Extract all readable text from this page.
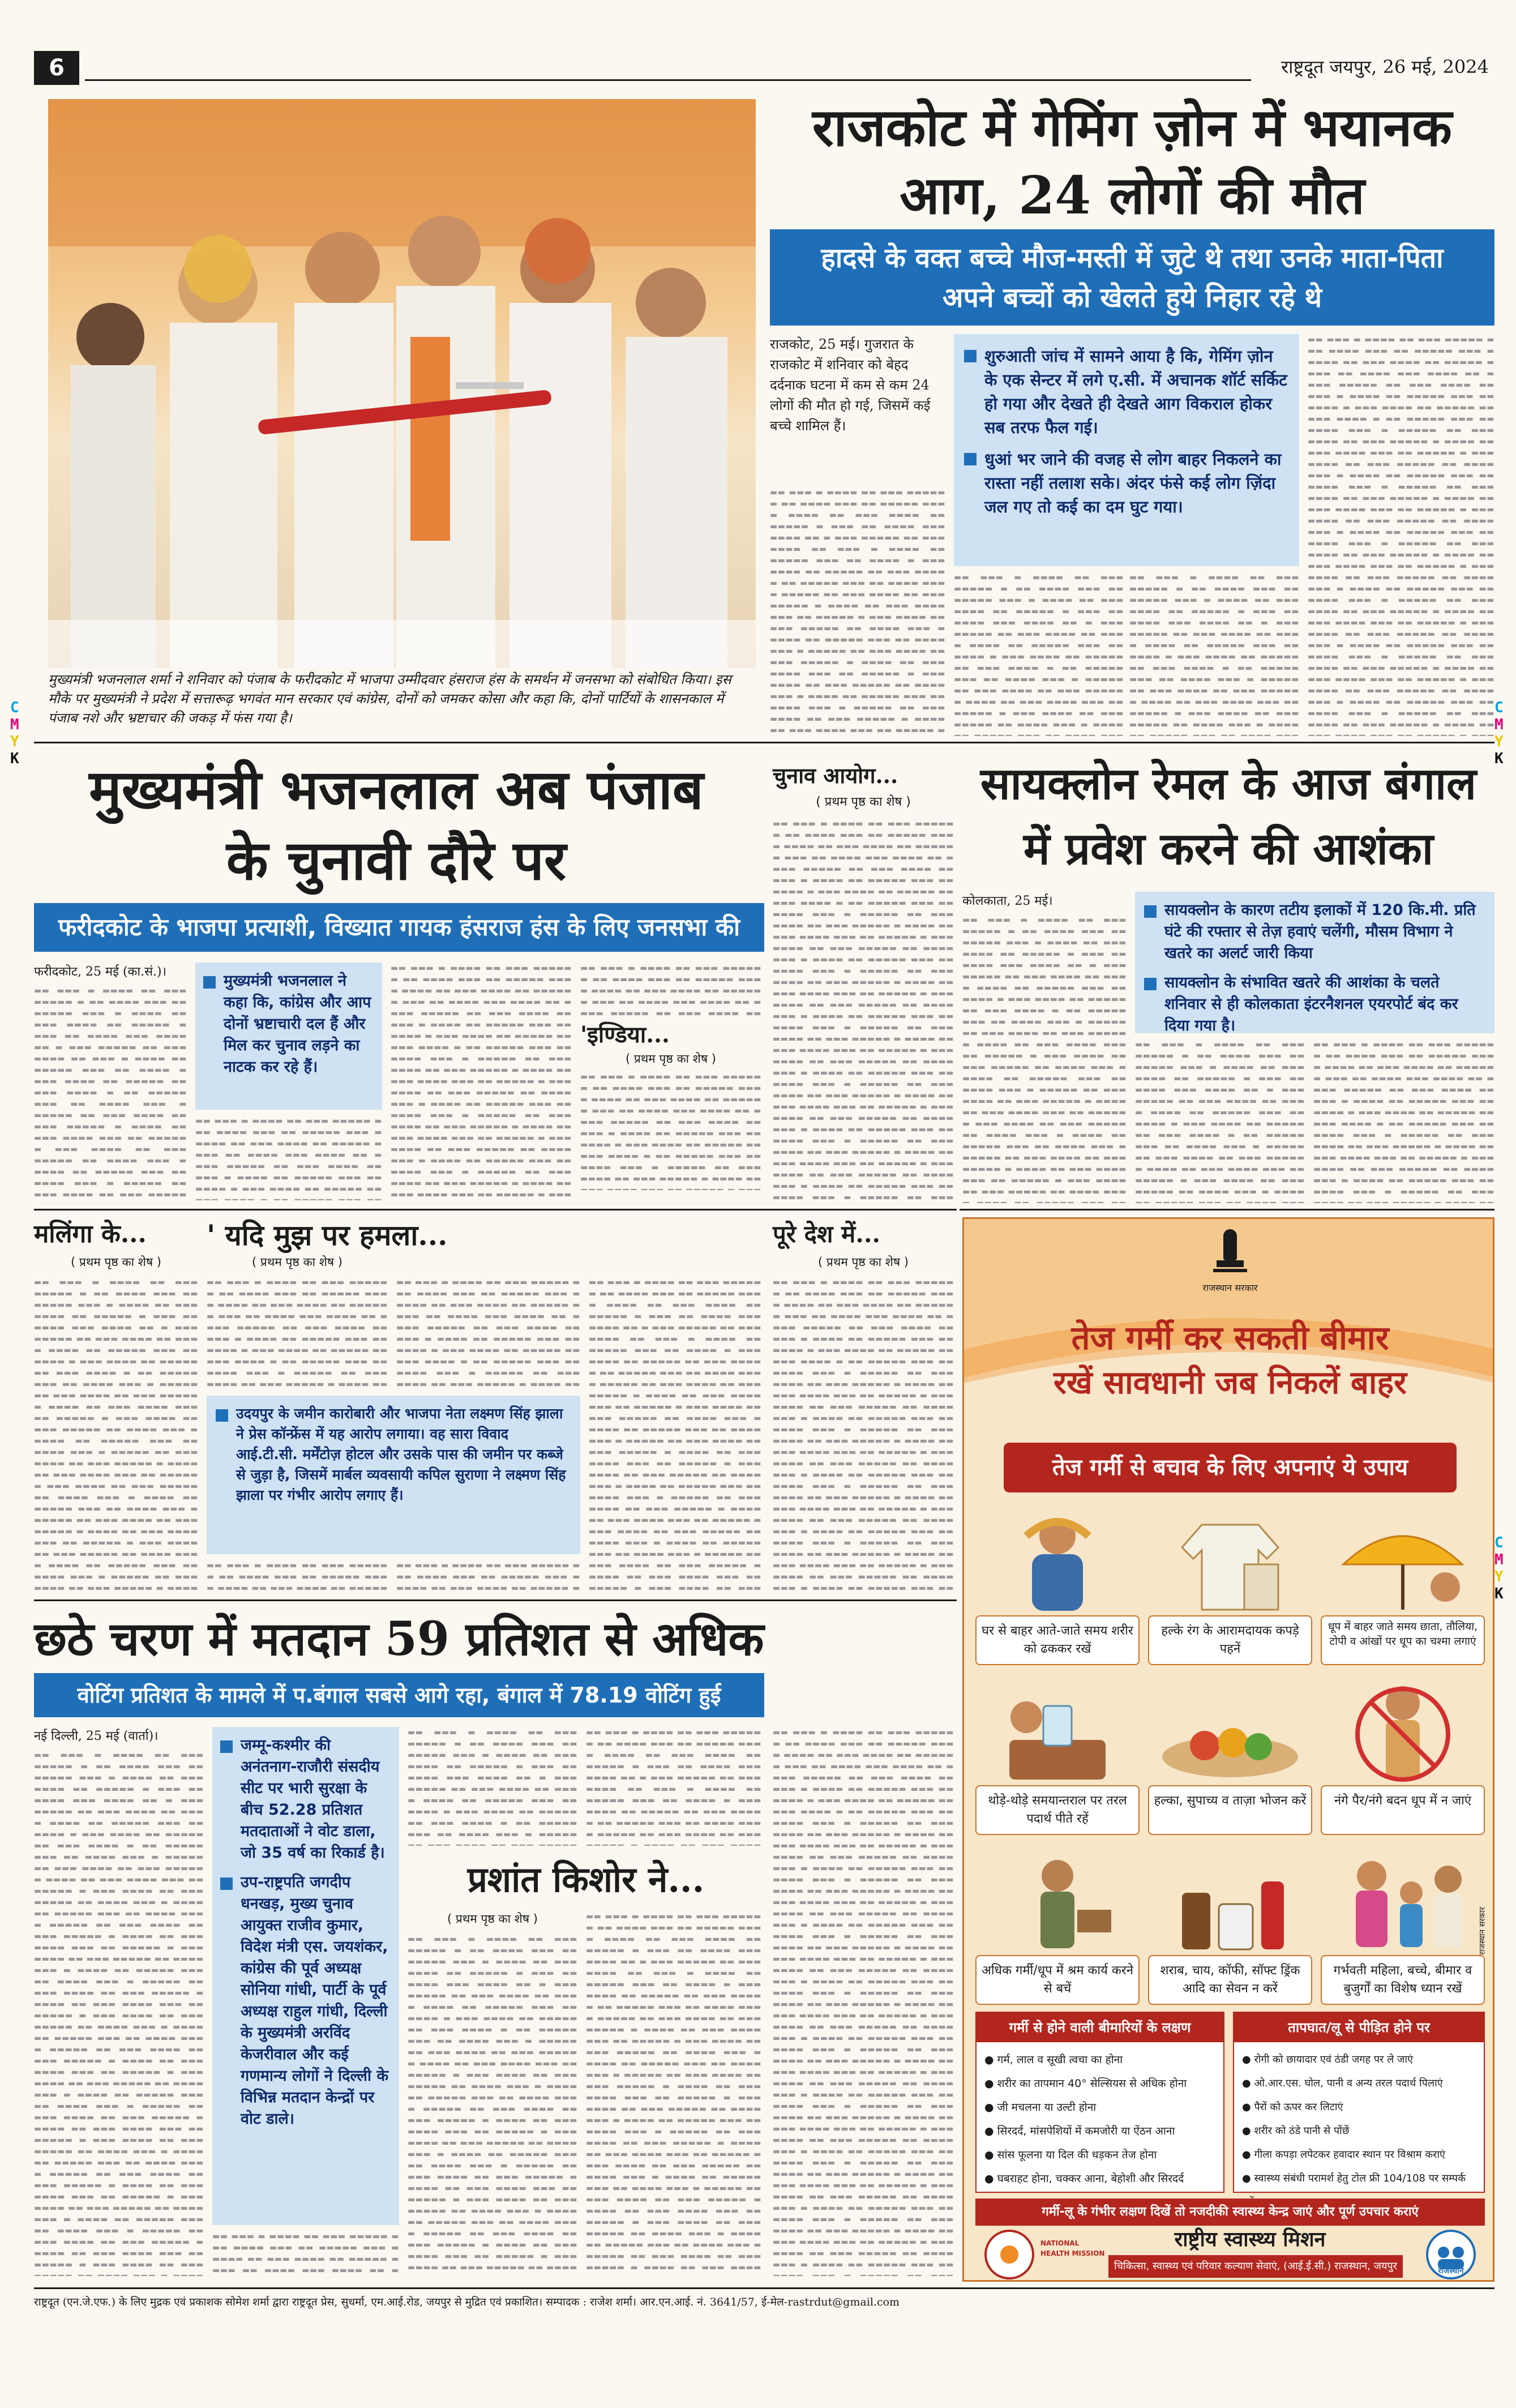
6	राष्ट्रदूत जयपुर, 26 मई, 2024
मुख्यमंत्री भजनलाल शर्मा ने शनिवार को पंजाब के फरीदकोट में भाजपा उम्मीदवार हंसराज हंस के समर्थन में जनसभा को संबोधित किया। इस मौके पर मुख्यमंत्री ने प्रदेश में सत्तारूढ़ भगवंत मान सरकार एवं कांग्रेस, दोनों को जमकर कोसा और कहा कि, दोनों पार्टियों के शासनकाल में पंजाब नशे और भ्रष्टाचार की जकड़ में फंस गया है।
C
M
Y
K
C
M
Y
K
C
M
Y
K
राजकोट में गेमिंग ज़ोन में भयानक
आग, 24 लोगों की मौत
हादसे के वक्त बच्चे मौज-मस्ती में जुटे थे तथा उनके माता-पिता अपने बच्चों को खेलते हुये निहार रहे थे
राजकोट, 25 मई। गुजरात के राजकोट में शनिवार को बेहद दर्दनाक घटना में कम से कम 24 लोगों की मौत हो गई, जिसमें कई बच्चे शामिल हैं।
▬▬ ▬▬▬ ▬ ▬▬▬▬ ▬▬ ▬▬▬ ▬▬▬▬▬ ▬ ▬▬ ▬▬▬▬ ▬▬▬ ▬▬ ▬▬▬▬▬ ▬▬▬ ▬ ▬▬▬▬ ▬▬ ▬▬▬ ▬▬▬▬ ▬▬ ▬▬▬▬▬ ▬ ▬▬▬ ▬▬ ▬▬▬▬ ▬▬▬ ▬▬▬▬ ▬▬ ▬ ▬▬▬ ▬▬▬▬▬ ▬▬ ▬▬▬ ▬▬▬▬ ▬▬ ▬▬▬ ▬ ▬▬▬▬ ▬▬ ▬▬▬▬▬ ▬▬▬ ▬▬ ▬▬▬▬ ▬ ▬▬▬ ▬▬▬▬ ▬▬ ▬▬▬▬▬ ▬▬ ▬▬▬ ▬▬▬▬ ▬ ▬▬ ▬▬▬▬▬ ▬▬▬ ▬▬ ▬▬▬▬ ▬▬▬ ▬ ▬▬▬▬▬ ▬▬ ▬▬▬ ▬▬▬▬ ▬▬ ▬▬▬ ▬▬▬▬▬ ▬ ▬▬▬▬ ▬▬ ▬▬▬ ▬▬▬▬ ▬▬▬ ▬▬ ▬▬▬▬▬ ▬ ▬▬▬ ▬▬▬▬ ▬▬ ▬▬▬ ▬▬▬▬▬ ▬▬ ▬▬▬▬ ▬▬▬ ▬ ▬▬▬▬ ▬▬ ▬▬▬▬▬ ▬▬▬ ▬▬ ▬▬▬▬ ▬▬▬ ▬ ▬▬▬▬▬ ▬▬ ▬▬▬ ▬▬▬▬ ▬▬ ▬▬▬ ▬▬▬▬▬ ▬ ▬▬▬▬ ▬▬ ▬▬▬ ▬▬▬▬ ▬▬▬ ▬▬ ▬▬▬▬▬ ▬ ▬▬▬ ▬▬▬▬ ▬▬ ▬▬▬ ▬▬▬▬▬ ▬▬ ▬▬▬▬ ▬▬▬ ▬ ▬▬▬▬ ▬▬ ▬▬▬▬▬ ▬▬▬ ▬▬ ▬▬▬▬ ▬▬▬ ▬ ▬▬▬▬▬ ▬▬ ▬▬▬ ▬▬▬▬ ▬▬ ▬▬▬ ▬▬▬▬▬ ▬ ▬▬▬▬ ▬▬ ▬▬▬ ▬▬▬▬ ▬▬▬ ▬▬ ▬▬▬▬▬ ▬ ▬▬▬ ▬▬▬▬ ▬▬ ▬▬▬ ▬▬▬▬▬ ▬▬ ▬▬▬▬ ▬▬▬ ▬ ▬▬▬▬ ▬▬ ▬▬▬▬▬ ▬▬▬ ▬▬ ▬▬▬▬ ▬▬▬ ▬ ▬▬▬▬▬ ▬▬ ▬▬▬ ▬▬▬▬ ▬▬ ▬▬▬ ▬▬▬▬▬ ▬ ▬▬▬▬ ▬▬ ▬▬▬ ▬▬▬▬ ▬▬▬ ▬▬ ▬▬▬▬▬ ▬ ▬▬▬ ▬▬▬▬ ▬▬ ▬▬▬ ▬▬▬▬▬ ▬▬ ▬▬▬▬ ▬▬▬ ▬ ▬▬▬▬ ▬▬ ▬▬▬▬▬ ▬▬▬ ▬▬ ▬▬▬▬ ▬▬▬ ▬ ▬▬▬▬▬ ▬▬ ▬▬▬ ▬▬▬▬ ▬▬ ▬▬▬ ▬▬▬▬▬ ▬ ▬▬▬▬ ▬▬ ▬▬▬ ▬▬▬▬ ▬▬▬ ▬▬ ▬▬▬▬▬ ▬ ▬▬▬ ▬▬▬▬ ▬▬ ▬▬▬ ▬▬▬▬▬ ▬▬ ▬▬▬▬ ▬▬▬ ▬ ▬▬▬▬ ▬▬ ▬▬▬▬▬ ▬▬▬ ▬▬ ▬▬▬▬ ▬▬▬ ▬ ▬▬▬▬▬ ▬▬ ▬▬▬ ▬▬▬▬ ▬▬ ▬▬▬ ▬▬▬▬▬ ▬ ▬▬▬▬ ▬▬ ▬▬▬ ▬▬▬▬ ▬▬▬ ▬▬ ▬▬▬▬▬ ▬ ▬▬▬ ▬▬▬▬ ▬▬ ▬▬▬ ▬▬▬▬▬ ▬▬ ▬▬▬▬ ▬▬▬ ▬ ▬▬▬▬ ▬▬ ▬▬▬▬▬ ▬▬▬ ▬▬ ▬▬▬▬ ▬▬▬ ▬ ▬▬▬▬▬ ▬▬ ▬▬▬ ▬▬▬▬ ▬▬ ▬▬▬ ▬▬▬▬▬ ▬ ▬▬▬▬ ▬▬ ▬▬▬ ▬▬▬▬ ▬▬▬ ▬▬ ▬▬▬▬▬ ▬ ▬▬▬ ▬▬▬▬ ▬▬ ▬▬▬ ▬▬▬▬▬ ▬▬ ▬▬▬▬ ▬▬▬ ▬ ▬▬▬▬ ▬▬ ▬▬▬▬▬ ▬▬▬ ▬▬ ▬▬▬▬ ▬▬▬ ▬ ▬▬▬▬▬ ▬▬ ▬▬▬ ▬▬▬▬ ▬▬ ▬▬▬ ▬▬▬▬▬ ▬ ▬▬▬▬ ▬▬ ▬▬▬ ▬▬▬▬ ▬▬▬ ▬▬ ▬▬▬▬▬ ▬ ▬▬▬ ▬▬▬▬ ▬▬ ▬▬▬ ▬▬▬▬▬ ▬▬ ▬▬▬▬ ▬▬▬ ▬ ▬▬▬▬ ▬▬ ▬▬▬▬▬ ▬▬▬ ▬▬ ▬▬▬▬ ▬▬▬ ▬ ▬▬▬▬▬ ▬▬ ▬▬▬ ▬▬▬▬ ▬▬ ▬▬▬ ▬▬▬▬▬ ▬ ▬▬▬▬ ▬▬ ▬▬▬ ▬▬▬▬ ▬▬▬ ▬▬ ▬▬▬▬▬ ▬ ▬▬▬ ▬▬▬▬ ▬▬ ▬▬▬ ▬▬▬▬▬ ▬▬ ▬▬▬▬ ▬▬▬ ▬ ▬▬▬▬ ▬▬ ▬▬▬▬▬ ▬▬▬ ▬▬ ▬▬▬▬ ▬▬▬ ▬ ▬▬▬▬▬ ▬▬ ▬▬▬ ▬▬▬▬ ▬▬ ▬▬▬ ▬▬▬▬▬ ▬ ▬▬▬▬ ▬▬ ▬▬▬ ▬▬▬▬ ▬▬▬ ▬▬ ▬▬▬▬▬ ▬ ▬▬▬ ▬▬▬▬ ▬▬ ▬▬▬ ▬▬▬▬▬ ▬▬ ▬▬▬▬ ▬▬▬ ▬ ▬▬▬▬ ▬▬ ▬▬▬▬▬ ▬▬▬ ▬▬ ▬▬▬▬ ▬▬▬ ▬ ▬▬▬▬▬ ▬▬ ▬▬▬ ▬▬▬▬ ▬▬ ▬▬▬ ▬▬▬▬▬ ▬ ▬▬▬▬ ▬▬ ▬▬▬ ▬▬▬▬ ▬▬▬ ▬▬ ▬▬▬▬▬
शुरुआती जांच में सामने आया है कि, गेमिंग ज़ोन के एक सेन्टर में लगे ए.सी. में अचानक शॉर्ट सर्किट हो गया और देखते ही देखते आग विकराल होकर सब तरफ फैल गई।
धुआं भर जाने की वजह से लोग बाहर निकलने का रास्ता नहीं तलाश सके। अंदर फंसे कई लोग ज़िंदा जल गए तो कई का दम घुट गया।
▬▬ ▬▬▬ ▬ ▬▬▬▬ ▬▬ ▬▬▬ ▬▬▬▬▬ ▬ ▬▬ ▬▬▬▬ ▬▬▬ ▬▬ ▬▬▬▬▬ ▬▬▬ ▬ ▬▬▬▬ ▬▬ ▬▬▬ ▬▬▬▬ ▬▬ ▬▬▬▬▬ ▬ ▬▬▬ ▬▬ ▬▬▬▬ ▬▬▬ ▬▬▬▬ ▬▬ ▬ ▬▬▬ ▬▬▬▬▬ ▬▬ ▬▬▬ ▬▬▬▬ ▬▬ ▬▬▬ ▬ ▬▬▬▬ ▬▬ ▬▬▬▬▬ ▬▬▬ ▬▬ ▬▬▬▬ ▬ ▬▬▬ ▬▬▬▬ ▬▬ ▬▬▬▬▬ ▬▬ ▬▬▬ ▬▬▬▬ ▬ ▬▬ ▬▬▬▬▬ ▬▬▬ ▬▬ ▬▬▬▬ ▬▬▬ ▬ ▬▬▬▬▬ ▬▬ ▬▬▬ ▬▬▬▬ ▬▬ ▬▬▬ ▬▬▬▬▬ ▬ ▬▬▬▬ ▬▬ ▬▬▬ ▬▬▬▬ ▬▬▬ ▬▬ ▬▬▬▬▬ ▬ ▬▬▬ ▬▬▬▬ ▬▬ ▬▬▬ ▬▬▬▬▬ ▬▬ ▬▬▬▬ ▬▬▬ ▬ ▬▬▬▬ ▬▬ ▬▬▬▬▬ ▬▬▬ ▬▬ ▬▬▬▬ ▬▬▬ ▬ ▬▬▬▬▬ ▬▬ ▬▬▬ ▬▬▬▬ ▬▬ ▬▬▬ ▬▬▬▬▬ ▬ ▬▬▬▬ ▬▬ ▬▬▬ ▬▬▬▬ ▬▬▬ ▬▬ ▬▬▬▬▬ ▬ ▬▬▬ ▬▬▬▬ ▬▬ ▬▬▬ ▬▬▬▬▬ ▬▬ ▬▬▬▬ ▬▬▬ ▬ ▬▬▬▬ ▬▬ ▬▬▬▬▬ ▬▬▬ ▬▬ ▬▬▬▬ ▬▬▬ ▬ ▬▬▬▬▬ ▬▬ ▬▬▬ ▬▬▬▬ ▬▬ ▬▬▬ ▬▬▬▬▬ ▬ ▬▬▬▬ ▬▬ ▬▬▬ ▬▬▬▬ ▬▬▬ ▬▬ ▬▬▬▬▬ ▬ ▬▬▬ ▬▬▬▬ ▬▬ ▬▬▬ ▬▬▬▬▬ ▬▬ ▬▬▬▬ ▬▬▬ ▬ ▬▬▬▬ ▬▬ ▬▬▬▬▬ ▬▬▬ ▬▬ ▬▬▬▬ ▬▬▬ ▬ ▬▬▬▬▬ ▬▬ ▬▬▬ ▬▬▬▬ ▬▬ ▬▬▬ ▬▬▬▬▬ ▬ ▬▬▬▬ ▬▬ ▬▬▬ ▬▬▬▬ ▬▬▬ ▬▬ ▬▬▬▬▬ ▬ ▬▬▬ ▬▬▬▬ ▬▬ ▬▬▬ ▬▬▬▬▬ ▬▬ ▬▬▬▬ ▬▬▬ ▬ ▬▬▬▬ ▬▬ ▬▬▬▬▬ ▬▬▬ ▬▬ ▬▬▬▬ ▬▬▬ ▬ ▬▬▬▬▬ ▬▬ ▬▬▬ ▬▬▬▬ ▬▬ ▬▬▬ ▬▬▬▬▬ ▬ ▬▬▬▬ ▬▬ ▬▬▬ ▬▬▬▬ ▬▬▬ ▬▬ ▬▬▬▬▬ ▬ ▬▬▬ ▬▬▬▬ ▬▬ ▬▬▬ ▬▬▬▬▬ ▬▬ ▬▬▬▬ ▬▬▬ ▬ ▬▬▬▬ ▬▬ ▬▬▬▬▬ ▬▬▬ ▬▬ ▬▬▬▬ ▬▬▬ ▬ ▬▬▬▬▬ ▬▬ ▬▬▬ ▬▬▬▬ ▬▬ ▬▬▬ ▬▬▬▬▬ ▬ ▬▬▬▬ ▬▬ ▬▬▬ ▬▬▬▬ ▬▬▬ ▬▬ ▬▬▬▬▬ ▬ ▬▬▬ ▬▬▬▬ ▬▬ ▬▬▬ ▬▬▬▬▬ ▬▬ ▬▬▬▬ ▬▬▬ ▬ ▬▬▬▬ ▬▬ ▬▬▬▬▬ ▬▬▬ ▬▬ ▬▬▬▬ ▬▬▬ ▬ ▬▬▬▬▬ ▬▬ ▬▬▬ ▬▬▬▬ ▬▬ ▬▬▬ ▬▬▬▬▬ ▬ ▬▬▬▬ ▬▬ ▬▬▬ ▬▬▬▬ ▬▬▬ ▬▬ ▬▬▬▬▬ ▬ ▬▬▬ ▬▬▬▬ ▬▬ ▬▬▬ ▬▬▬▬▬ ▬▬ ▬▬▬▬ ▬▬▬ ▬ ▬▬▬▬ ▬▬ ▬▬▬▬▬ ▬▬▬ ▬▬ ▬▬▬▬ ▬▬▬ ▬ ▬▬▬▬▬ ▬▬ ▬▬▬ ▬▬▬▬ ▬▬ ▬▬▬ ▬▬▬▬▬ ▬ ▬▬▬▬ ▬▬ ▬▬▬ ▬▬▬▬ ▬▬▬ ▬▬ ▬▬▬▬▬ ▬ ▬▬▬ ▬▬▬▬ ▬▬ ▬▬▬ ▬▬▬▬▬ ▬▬ ▬▬▬▬ ▬▬▬ ▬ ▬▬▬▬ ▬▬ ▬▬▬▬▬ ▬▬▬ ▬▬ ▬▬▬▬ ▬▬▬ ▬ ▬▬▬▬▬ ▬▬ ▬▬▬ ▬▬▬▬ ▬▬ ▬▬▬ ▬▬▬▬▬ ▬ ▬▬▬▬ ▬▬ ▬▬▬ ▬▬▬▬ ▬▬▬ ▬▬ ▬▬▬▬▬ ▬ ▬▬▬ ▬▬▬▬ ▬▬ ▬▬▬ ▬▬▬▬▬ ▬▬ ▬▬▬▬ ▬▬▬ ▬ ▬▬▬▬ ▬▬ ▬▬▬▬▬ ▬▬▬ ▬▬ ▬▬▬▬ ▬▬▬ ▬ ▬▬▬▬▬ ▬▬ ▬▬▬ ▬▬▬▬ ▬▬ ▬▬▬ ▬▬▬▬▬ ▬ ▬▬▬▬ ▬▬ ▬▬▬ ▬▬▬▬ ▬▬▬ ▬▬ ▬▬▬▬▬ ▬ ▬▬▬ ▬▬▬▬ ▬▬ ▬▬▬ ▬▬▬▬▬ ▬▬ ▬▬▬▬ ▬▬▬ ▬ ▬▬▬▬ ▬▬ ▬▬▬▬▬ ▬▬▬ ▬▬ ▬▬▬▬ ▬▬▬ ▬ ▬▬▬▬▬ ▬▬ ▬▬▬ ▬▬▬▬ ▬▬ ▬▬▬ ▬▬▬▬▬ ▬ ▬▬▬▬ ▬▬ ▬▬▬ ▬▬▬▬ ▬▬▬ ▬▬ ▬▬▬▬▬
▬▬ ▬▬▬ ▬ ▬▬▬▬ ▬▬ ▬▬▬ ▬▬▬▬▬ ▬ ▬▬ ▬▬▬▬ ▬▬▬ ▬▬ ▬▬▬▬▬ ▬▬▬ ▬ ▬▬▬▬ ▬▬ ▬▬▬ ▬▬▬▬ ▬▬ ▬▬▬▬▬ ▬ ▬▬▬ ▬▬ ▬▬▬▬ ▬▬▬ ▬▬▬▬ ▬▬ ▬ ▬▬▬ ▬▬▬▬▬ ▬▬ ▬▬▬ ▬▬▬▬ ▬▬ ▬▬▬ ▬ ▬▬▬▬ ▬▬ ▬▬▬▬▬ ▬▬▬ ▬▬ ▬▬▬▬ ▬ ▬▬▬ ▬▬▬▬ ▬▬ ▬▬▬▬▬ ▬▬ ▬▬▬ ▬▬▬▬ ▬ ▬▬ ▬▬▬▬▬ ▬▬▬ ▬▬ ▬▬▬▬ ▬▬▬ ▬ ▬▬▬▬▬ ▬▬ ▬▬▬ ▬▬▬▬ ▬▬ ▬▬▬ ▬▬▬▬▬ ▬ ▬▬▬▬ ▬▬ ▬▬▬ ▬▬▬▬ ▬▬▬ ▬▬ ▬▬▬▬▬ ▬ ▬▬▬ ▬▬▬▬ ▬▬ ▬▬▬ ▬▬▬▬▬ ▬▬ ▬▬▬▬ ▬▬▬ ▬ ▬▬▬▬ ▬▬ ▬▬▬▬▬ ▬▬▬ ▬▬ ▬▬▬▬ ▬▬▬ ▬ ▬▬▬▬▬ ▬▬ ▬▬▬ ▬▬▬▬ ▬▬ ▬▬▬ ▬▬▬▬▬ ▬ ▬▬▬▬ ▬▬ ▬▬▬ ▬▬▬▬ ▬▬▬ ▬▬ ▬▬▬▬▬ ▬ ▬▬▬ ▬▬▬▬ ▬▬ ▬▬▬ ▬▬▬▬▬ ▬▬ ▬▬▬▬ ▬▬▬ ▬ ▬▬▬▬ ▬▬ ▬▬▬▬▬ ▬▬▬ ▬▬ ▬▬▬▬ ▬▬▬ ▬ ▬▬▬▬▬ ▬▬ ▬▬▬ ▬▬▬▬ ▬▬ ▬▬▬ ▬▬▬▬▬ ▬ ▬▬▬▬ ▬▬ ▬▬▬ ▬▬▬▬ ▬▬▬ ▬▬ ▬▬▬▬▬ ▬ ▬▬▬ ▬▬▬▬ ▬▬ ▬▬▬ ▬▬▬▬▬ ▬▬ ▬▬▬▬ ▬▬▬ ▬ ▬▬▬▬ ▬▬ ▬▬▬▬▬ ▬▬▬ ▬▬ ▬▬▬▬ ▬▬▬ ▬ ▬▬▬▬▬ ▬▬ ▬▬▬ ▬▬▬▬ ▬▬ ▬▬▬ ▬▬▬▬▬ ▬ ▬▬▬▬ ▬▬ ▬▬▬ ▬▬▬▬ ▬▬▬ ▬▬ ▬▬▬▬▬ ▬ ▬▬▬ ▬▬▬▬ ▬▬ ▬▬▬ ▬▬▬▬▬ ▬▬ ▬▬▬▬ ▬▬▬ ▬ ▬▬▬▬ ▬▬ ▬▬▬▬▬ ▬▬▬ ▬▬ ▬▬▬▬ ▬▬▬ ▬ ▬▬▬▬▬ ▬▬ ▬▬▬ ▬▬▬▬ ▬▬ ▬▬▬ ▬▬▬▬▬ ▬ ▬▬▬▬ ▬▬ ▬▬▬ ▬▬▬▬ ▬▬▬ ▬▬ ▬▬▬▬▬ ▬ ▬▬▬ ▬▬▬▬ ▬▬ ▬▬▬ ▬▬▬▬▬ ▬▬ ▬▬▬▬ ▬▬▬ ▬ ▬▬▬▬ ▬▬ ▬▬▬▬▬ ▬▬▬ ▬▬ ▬▬▬▬ ▬▬▬ ▬ ▬▬▬▬▬ ▬▬ ▬▬▬ ▬▬▬▬ ▬▬ ▬▬▬ ▬▬▬▬▬ ▬ ▬▬▬▬ ▬▬ ▬▬▬ ▬▬▬▬ ▬▬▬ ▬▬ ▬▬▬▬▬ ▬ ▬▬▬ ▬▬▬▬ ▬▬ ▬▬▬ ▬▬▬▬▬ ▬▬ ▬▬▬▬ ▬▬▬ ▬ ▬▬▬▬ ▬▬ ▬▬▬▬▬ ▬▬▬ ▬▬ ▬▬▬▬ ▬▬▬ ▬ ▬▬▬▬▬ ▬▬ ▬▬▬ ▬▬▬▬ ▬▬ ▬▬▬ ▬▬▬▬▬ ▬ ▬▬▬▬ ▬▬ ▬▬▬ ▬▬▬▬ ▬▬▬ ▬▬ ▬▬▬▬▬ ▬ ▬▬▬ ▬▬▬▬ ▬▬ ▬▬▬ ▬▬▬▬▬ ▬▬ ▬▬▬▬ ▬▬▬ ▬ ▬▬▬▬ ▬▬ ▬▬▬▬▬ ▬▬▬ ▬▬ ▬▬▬▬ ▬▬▬ ▬ ▬▬▬▬▬ ▬▬ ▬▬▬ ▬▬▬▬ ▬▬ ▬▬▬ ▬▬▬▬▬ ▬ ▬▬▬▬ ▬▬ ▬▬▬ ▬▬▬▬ ▬▬▬ ▬▬ ▬▬▬▬▬ ▬ ▬▬▬ ▬▬▬▬ ▬▬ ▬▬▬ ▬▬▬▬▬ ▬▬ ▬▬▬▬ ▬▬▬ ▬ ▬▬▬▬ ▬▬ ▬▬▬▬▬ ▬▬▬ ▬▬ ▬▬▬▬ ▬▬▬ ▬ ▬▬▬▬▬ ▬▬ ▬▬▬ ▬▬▬▬ ▬▬ ▬▬▬ ▬▬▬▬▬ ▬ ▬▬▬▬ ▬▬ ▬▬▬ ▬▬▬▬ ▬▬▬ ▬▬ ▬▬▬▬▬ ▬ ▬▬▬ ▬▬▬▬ ▬▬ ▬▬▬ ▬▬▬▬▬ ▬▬ ▬▬▬▬ ▬▬▬ ▬ ▬▬▬▬ ▬▬ ▬▬▬▬▬ ▬▬▬ ▬▬ ▬▬▬▬ ▬▬▬ ▬ ▬▬▬▬▬ ▬▬ ▬▬▬ ▬▬▬▬ ▬▬ ▬▬▬ ▬▬▬▬▬ ▬ ▬▬▬▬ ▬▬ ▬▬▬ ▬▬▬▬ ▬▬▬ ▬▬ ▬▬▬▬▬ ▬ ▬▬▬ ▬▬▬▬ ▬▬ ▬▬▬ ▬▬▬▬▬ ▬▬ ▬▬▬▬ ▬▬▬ ▬ ▬▬▬▬ ▬▬ ▬▬▬▬▬ ▬▬▬ ▬▬ ▬▬▬▬ ▬▬▬ ▬ ▬▬▬▬▬ ▬▬ ▬▬▬ ▬▬▬▬ ▬▬ ▬▬▬ ▬▬▬▬▬ ▬ ▬▬▬▬ ▬▬ ▬▬▬ ▬▬▬▬ ▬▬▬ ▬▬ ▬▬▬▬▬
▬▬ ▬▬▬ ▬ ▬▬▬▬ ▬▬ ▬▬▬ ▬▬▬▬▬ ▬ ▬▬ ▬▬▬▬ ▬▬▬ ▬▬ ▬▬▬▬▬ ▬▬▬ ▬ ▬▬▬▬ ▬▬ ▬▬▬ ▬▬▬▬ ▬▬ ▬▬▬▬▬ ▬ ▬▬▬ ▬▬ ▬▬▬▬ ▬▬▬ ▬▬▬▬ ▬▬ ▬ ▬▬▬ ▬▬▬▬▬ ▬▬ ▬▬▬ ▬▬▬▬ ▬▬ ▬▬▬ ▬ ▬▬▬▬ ▬▬ ▬▬▬▬▬ ▬▬▬ ▬▬ ▬▬▬▬ ▬ ▬▬▬ ▬▬▬▬ ▬▬ ▬▬▬▬▬ ▬▬ ▬▬▬ ▬▬▬▬ ▬ ▬▬ ▬▬▬▬▬ ▬▬▬ ▬▬ ▬▬▬▬ ▬▬▬ ▬ ▬▬▬▬▬ ▬▬ ▬▬▬ ▬▬▬▬ ▬▬ ▬▬▬ ▬▬▬▬▬ ▬ ▬▬▬▬ ▬▬ ▬▬▬ ▬▬▬▬ ▬▬▬ ▬▬ ▬▬▬▬▬ ▬ ▬▬▬ ▬▬▬▬ ▬▬ ▬▬▬ ▬▬▬▬▬ ▬▬ ▬▬▬▬ ▬▬▬ ▬ ▬▬▬▬ ▬▬ ▬▬▬▬▬ ▬▬▬ ▬▬ ▬▬▬▬ ▬▬▬ ▬ ▬▬▬▬▬ ▬▬ ▬▬▬ ▬▬▬▬ ▬▬ ▬▬▬ ▬▬▬▬▬ ▬ ▬▬▬▬ ▬▬ ▬▬▬ ▬▬▬▬ ▬▬▬ ▬▬ ▬▬▬▬▬ ▬ ▬▬▬ ▬▬▬▬ ▬▬ ▬▬▬ ▬▬▬▬▬ ▬▬ ▬▬▬▬ ▬▬▬ ▬ ▬▬▬▬ ▬▬ ▬▬▬▬▬ ▬▬▬ ▬▬ ▬▬▬▬ ▬▬▬ ▬ ▬▬▬▬▬ ▬▬ ▬▬▬ ▬▬▬▬ ▬▬ ▬▬▬ ▬▬▬▬▬ ▬ ▬▬▬▬ ▬▬ ▬▬▬ ▬▬▬▬ ▬▬▬ ▬▬ ▬▬▬▬▬ ▬ ▬▬▬ ▬▬▬▬ ▬▬ ▬▬▬ ▬▬▬▬▬ ▬▬ ▬▬▬▬ ▬▬▬ ▬ ▬▬▬▬ ▬▬ ▬▬▬▬▬ ▬▬▬ ▬▬ ▬▬▬▬ ▬▬▬ ▬ ▬▬▬▬▬ ▬▬ ▬▬▬ ▬▬▬▬ ▬▬ ▬▬▬ ▬▬▬▬▬ ▬ ▬▬▬▬ ▬▬ ▬▬▬ ▬▬▬▬ ▬▬▬ ▬▬ ▬▬▬▬▬ ▬ ▬▬▬ ▬▬▬▬ ▬▬ ▬▬▬ ▬▬▬▬▬ ▬▬ ▬▬▬▬ ▬▬▬ ▬ ▬▬▬▬ ▬▬ ▬▬▬▬▬ ▬▬▬ ▬▬ ▬▬▬▬ ▬▬▬ ▬ ▬▬▬▬▬ ▬▬ ▬▬▬ ▬▬▬▬ ▬▬ ▬▬▬ ▬▬▬▬▬ ▬ ▬▬▬▬ ▬▬ ▬▬▬ ▬▬▬▬ ▬▬▬ ▬▬ ▬▬▬▬▬ ▬ ▬▬▬ ▬▬▬▬ ▬▬ ▬▬▬ ▬▬▬▬▬ ▬▬ ▬▬▬▬ ▬▬▬ ▬ ▬▬▬▬ ▬▬ ▬▬▬▬▬ ▬▬▬ ▬▬ ▬▬▬▬ ▬▬▬ ▬ ▬▬▬▬▬ ▬▬ ▬▬▬ ▬▬▬▬ ▬▬ ▬▬▬ ▬▬▬▬▬ ▬ ▬▬▬▬ ▬▬ ▬▬▬ ▬▬▬▬ ▬▬▬ ▬▬ ▬▬▬▬▬ ▬ ▬▬▬ ▬▬▬▬ ▬▬ ▬▬▬ ▬▬▬▬▬ ▬▬ ▬▬▬▬ ▬▬▬ ▬ ▬▬▬▬ ▬▬ ▬▬▬▬▬ ▬▬▬ ▬▬ ▬▬▬▬ ▬▬▬ ▬ ▬▬▬▬▬ ▬▬ ▬▬▬ ▬▬▬▬ ▬▬ ▬▬▬ ▬▬▬▬▬ ▬ ▬▬▬▬ ▬▬ ▬▬▬ ▬▬▬▬ ▬▬▬ ▬▬ ▬▬▬▬▬ ▬ ▬▬▬ ▬▬▬▬ ▬▬ ▬▬▬ ▬▬▬▬▬ ▬▬ ▬▬▬▬ ▬▬▬ ▬ ▬▬▬▬ ▬▬ ▬▬▬▬▬ ▬▬▬ ▬▬ ▬▬▬▬ ▬▬▬ ▬ ▬▬▬▬▬ ▬▬ ▬▬▬ ▬▬▬▬ ▬▬ ▬▬▬ ▬▬▬▬▬ ▬ ▬▬▬▬ ▬▬ ▬▬▬ ▬▬▬▬ ▬▬▬ ▬▬ ▬▬▬▬▬ ▬ ▬▬▬ ▬▬▬▬ ▬▬ ▬▬▬ ▬▬▬▬▬ ▬▬ ▬▬▬▬ ▬▬▬ ▬ ▬▬▬▬ ▬▬ ▬▬▬▬▬ ▬▬▬ ▬▬ ▬▬▬▬ ▬▬▬ ▬ ▬▬▬▬▬ ▬▬ ▬▬▬ ▬▬▬▬ ▬▬ ▬▬▬ ▬▬▬▬▬ ▬ ▬▬▬▬ ▬▬ ▬▬▬ ▬▬▬▬ ▬▬▬ ▬▬ ▬▬▬▬▬ ▬ ▬▬▬ ▬▬▬▬ ▬▬ ▬▬▬ ▬▬▬▬▬ ▬▬ ▬▬▬▬ ▬▬▬ ▬ ▬▬▬▬ ▬▬ ▬▬▬▬▬ ▬▬▬ ▬▬ ▬▬▬▬ ▬▬▬ ▬ ▬▬▬▬▬ ▬▬ ▬▬▬ ▬▬▬▬ ▬▬ ▬▬▬ ▬▬▬▬▬ ▬ ▬▬▬▬ ▬▬ ▬▬▬ ▬▬▬▬ ▬▬▬ ▬▬ ▬▬▬▬▬ ▬ ▬▬▬ ▬▬▬▬ ▬▬ ▬▬▬ ▬▬▬▬▬ ▬▬ ▬▬▬▬ ▬▬▬ ▬ ▬▬▬▬ ▬▬ ▬▬▬▬▬ ▬▬▬ ▬▬ ▬▬▬▬ ▬▬▬ ▬ ▬▬▬▬▬ ▬▬ ▬▬▬ ▬▬▬▬ ▬▬ ▬▬▬ ▬▬▬▬▬ ▬ ▬▬▬▬ ▬▬ ▬▬▬ ▬▬▬▬ ▬▬▬ ▬▬ ▬▬▬▬▬
मुख्यमंत्री भजनलाल अब पंजाब
के चुनावी दौरे पर
फरीदकोट के भाजपा प्रत्याशी, विख्यात गायक हंसराज हंस के लिए जनसभा की
फरीदकोट, 25 मई (का.सं.)।
▬▬ ▬▬▬ ▬ ▬▬▬▬ ▬▬ ▬▬▬ ▬▬▬▬▬ ▬ ▬▬ ▬▬▬▬ ▬▬▬ ▬▬ ▬▬▬▬▬ ▬▬▬ ▬ ▬▬▬▬ ▬▬ ▬▬▬ ▬▬▬▬ ▬▬ ▬▬▬▬▬ ▬ ▬▬▬ ▬▬ ▬▬▬▬ ▬▬▬ ▬▬▬▬ ▬▬ ▬ ▬▬▬ ▬▬▬▬▬ ▬▬ ▬▬▬ ▬▬▬▬ ▬▬ ▬▬▬ ▬ ▬▬▬▬ ▬▬ ▬▬▬▬▬ ▬▬▬ ▬▬ ▬▬▬▬ ▬ ▬▬▬ ▬▬▬▬ ▬▬ ▬▬▬▬▬ ▬▬ ▬▬▬ ▬▬▬▬ ▬ ▬▬ ▬▬▬▬▬ ▬▬▬ ▬▬ ▬▬▬▬ ▬▬▬ ▬ ▬▬▬▬▬ ▬▬ ▬▬▬ ▬▬▬▬ ▬▬ ▬▬▬ ▬▬▬▬▬ ▬ ▬▬▬▬ ▬▬ ▬▬▬ ▬▬▬▬ ▬▬▬ ▬▬ ▬▬▬▬▬ ▬ ▬▬▬ ▬▬▬▬ ▬▬ ▬▬▬ ▬▬▬▬▬ ▬▬ ▬▬▬▬ ▬▬▬ ▬ ▬▬▬▬ ▬▬ ▬▬▬▬▬ ▬▬▬ ▬▬ ▬▬▬▬ ▬▬▬ ▬ ▬▬▬▬▬ ▬▬ ▬▬▬ ▬▬▬▬ ▬▬ ▬▬▬ ▬▬▬▬▬ ▬ ▬▬▬▬ ▬▬ ▬▬▬ ▬▬▬▬ ▬▬▬ ▬▬ ▬▬▬▬▬ ▬ ▬▬▬ ▬▬▬▬ ▬▬ ▬▬▬ ▬▬▬▬▬ ▬▬ ▬▬▬▬ ▬▬▬ ▬ ▬▬▬▬ ▬▬ ▬▬▬▬▬ ▬▬▬ ▬▬ ▬▬▬▬ ▬▬▬ ▬ ▬▬▬▬▬ ▬▬ ▬▬▬ ▬▬▬▬ ▬▬ ▬▬▬ ▬▬▬▬▬ ▬ ▬▬▬▬ ▬▬ ▬▬▬ ▬▬▬▬ ▬▬▬ ▬▬ ▬▬▬▬▬ ▬ ▬▬▬ ▬▬▬▬ ▬▬ ▬▬▬ ▬▬▬▬▬ ▬▬ ▬▬▬▬ ▬▬▬ ▬ ▬▬▬▬ ▬▬ ▬▬▬▬▬ ▬▬▬ ▬▬ ▬▬▬▬ ▬▬▬ ▬ ▬▬▬▬▬ ▬▬ ▬▬▬ ▬▬▬▬ ▬▬ ▬▬▬ ▬▬▬▬▬ ▬ ▬▬▬▬ ▬▬ ▬▬▬ ▬▬▬▬ ▬▬▬ ▬▬ ▬▬▬▬▬ ▬ ▬▬▬ ▬▬▬▬ ▬▬ ▬▬▬ ▬▬▬▬▬ ▬▬ ▬▬▬▬ ▬▬▬ ▬ ▬▬▬▬ ▬▬ ▬▬▬▬▬ ▬▬▬ ▬▬ ▬▬▬▬ ▬▬▬ ▬ ▬▬▬▬▬ ▬▬ ▬▬▬ ▬▬▬▬ ▬▬ ▬▬▬ ▬▬▬▬▬ ▬ ▬▬▬▬ ▬▬ ▬▬▬ ▬▬▬▬ ▬▬▬ ▬▬ ▬▬▬▬▬ ▬ ▬▬▬ ▬▬▬▬ ▬▬ ▬▬▬ ▬▬▬▬▬ ▬▬ ▬▬▬▬ ▬▬▬ ▬ ▬▬▬▬ ▬▬ ▬▬▬▬▬ ▬▬▬ ▬▬ ▬▬▬▬ ▬▬▬ ▬ ▬▬▬▬▬ ▬▬ ▬▬▬ ▬▬▬▬ ▬▬ ▬▬▬ ▬▬▬▬▬ ▬ ▬▬▬▬ ▬▬ ▬▬▬ ▬▬▬▬ ▬▬▬ ▬▬ ▬▬▬▬▬ ▬ ▬▬▬ ▬▬▬▬ ▬▬ ▬▬▬ ▬▬▬▬▬ ▬▬ ▬▬▬▬ ▬▬▬ ▬ ▬▬▬▬ ▬▬ ▬▬▬▬▬ ▬▬▬ ▬▬ ▬▬▬▬ ▬▬▬ ▬ ▬▬▬▬▬ ▬▬ ▬▬▬ ▬▬▬▬ ▬▬ ▬▬▬ ▬▬▬▬▬ ▬ ▬▬▬▬ ▬▬ ▬▬▬ ▬▬▬▬ ▬▬▬ ▬▬ ▬▬▬▬▬ ▬ ▬▬▬ ▬▬▬▬ ▬▬ ▬▬▬ ▬▬▬▬▬ ▬▬ ▬▬▬▬ ▬▬▬ ▬ ▬▬▬▬ ▬▬ ▬▬▬▬▬ ▬▬▬ ▬▬ ▬▬▬▬ ▬▬▬ ▬ ▬▬▬▬▬ ▬▬ ▬▬▬ ▬▬▬▬ ▬▬ ▬▬▬ ▬▬▬▬▬ ▬ ▬▬▬▬ ▬▬ ▬▬▬ ▬▬▬▬ ▬▬▬ ▬▬ ▬▬▬▬▬ ▬ ▬▬▬ ▬▬▬▬ ▬▬ ▬▬▬ ▬▬▬▬▬ ▬▬ ▬▬▬▬ ▬▬▬ ▬ ▬▬▬▬ ▬▬ ▬▬▬▬▬ ▬▬▬ ▬▬ ▬▬▬▬ ▬▬▬ ▬ ▬▬▬▬▬ ▬▬ ▬▬▬ ▬▬▬▬ ▬▬ ▬▬▬ ▬▬▬▬▬ ▬ ▬▬▬▬ ▬▬ ▬▬▬ ▬▬▬▬ ▬▬▬ ▬▬ ▬▬▬▬▬ ▬ ▬▬▬ ▬▬▬▬ ▬▬ ▬▬▬ ▬▬▬▬▬ ▬▬ ▬▬▬▬ ▬▬▬ ▬ ▬▬▬▬ ▬▬ ▬▬▬▬▬ ▬▬▬ ▬▬ ▬▬▬▬ ▬▬▬ ▬ ▬▬▬▬▬ ▬▬ ▬▬▬ ▬▬▬▬ ▬▬ ▬▬▬ ▬▬▬▬▬ ▬ ▬▬▬▬ ▬▬ ▬▬▬ ▬▬▬▬ ▬▬▬ ▬▬ ▬▬▬▬▬ ▬ ▬▬▬ ▬▬▬▬ ▬▬ ▬▬▬ ▬▬▬▬▬ ▬▬ ▬▬▬▬ ▬▬▬ ▬ ▬▬▬▬ ▬▬ ▬▬▬▬▬ ▬▬▬ ▬▬ ▬▬▬▬ ▬▬▬ ▬ ▬▬▬▬▬ ▬▬ ▬▬▬ ▬▬▬▬ ▬▬ ▬▬▬ ▬▬▬▬▬ ▬ ▬▬▬▬ ▬▬ ▬▬▬ ▬▬▬▬ ▬▬▬ ▬▬ ▬▬▬▬▬
मुख्यमंत्री भजनलाल ने कहा कि, कांग्रेस और आप दोनों भ्रष्टाचारी दल हैं और मिल कर चुनाव लड़ने का नाटक कर रहे हैं।
▬▬ ▬▬▬ ▬ ▬▬▬▬ ▬▬ ▬▬▬ ▬▬▬▬▬ ▬ ▬▬ ▬▬▬▬ ▬▬▬ ▬▬ ▬▬▬▬▬ ▬▬▬ ▬ ▬▬▬▬ ▬▬ ▬▬▬ ▬▬▬▬ ▬▬ ▬▬▬▬▬ ▬ ▬▬▬ ▬▬ ▬▬▬▬ ▬▬▬ ▬▬▬▬ ▬▬ ▬ ▬▬▬ ▬▬▬▬▬ ▬▬ ▬▬▬ ▬▬▬▬ ▬▬ ▬▬▬ ▬ ▬▬▬▬ ▬▬ ▬▬▬▬▬ ▬▬▬ ▬▬ ▬▬▬▬ ▬ ▬▬▬ ▬▬▬▬ ▬▬ ▬▬▬▬▬ ▬▬ ▬▬▬ ▬▬▬▬ ▬ ▬▬ ▬▬▬▬▬ ▬▬▬ ▬▬ ▬▬▬▬ ▬▬▬ ▬ ▬▬▬▬▬ ▬▬ ▬▬▬ ▬▬▬▬ ▬▬ ▬▬▬ ▬▬▬▬▬ ▬ ▬▬▬▬ ▬▬ ▬▬▬ ▬▬▬▬ ▬▬▬ ▬▬ ▬▬▬▬▬ ▬ ▬▬▬ ▬▬▬▬ ▬▬ ▬▬▬ ▬▬▬▬▬ ▬▬ ▬▬▬▬ ▬▬▬ ▬ ▬▬▬▬ ▬▬ ▬▬▬▬▬ ▬▬▬ ▬▬ ▬▬▬▬ ▬▬▬ ▬ ▬▬▬▬▬ ▬▬ ▬▬▬ ▬▬▬▬ ▬▬ ▬▬▬ ▬▬▬▬▬ ▬ ▬▬▬▬ ▬▬ ▬▬▬ ▬▬▬▬ ▬▬▬ ▬▬ ▬▬▬▬▬ ▬ ▬▬▬ ▬▬▬▬ ▬▬ ▬▬▬ ▬▬▬▬▬ ▬▬ ▬▬▬▬ ▬▬▬ ▬ ▬▬▬▬ ▬▬ ▬▬▬▬▬ ▬▬▬ ▬▬ ▬▬▬▬ ▬▬▬ ▬ ▬▬▬▬▬ ▬▬ ▬▬▬ ▬▬▬▬ ▬▬ ▬▬▬ ▬▬▬▬▬ ▬ ▬▬▬▬ ▬▬ ▬▬▬ ▬▬▬▬ ▬▬▬ ▬▬ ▬▬▬▬▬ ▬ ▬▬▬ ▬▬▬▬ ▬▬ ▬▬▬ ▬▬▬▬▬ ▬▬ ▬▬▬▬ ▬▬▬ ▬ ▬▬▬▬ ▬▬ ▬▬▬▬▬ ▬▬▬ ▬▬ ▬▬▬▬ ▬▬▬ ▬ ▬▬▬▬▬ ▬▬ ▬▬▬ ▬▬▬▬ ▬▬ ▬▬▬ ▬▬▬▬▬ ▬ ▬▬▬▬ ▬▬ ▬▬▬ ▬▬▬▬ ▬▬▬ ▬▬ ▬▬▬▬▬ ▬ ▬▬▬ ▬▬▬▬ ▬▬ ▬▬▬ ▬▬▬▬▬ ▬▬ ▬▬▬▬ ▬▬▬ ▬ ▬▬▬▬ ▬▬ ▬▬▬▬▬ ▬▬▬ ▬▬ ▬▬▬▬ ▬▬▬ ▬ ▬▬▬▬▬ ▬▬ ▬▬▬ ▬▬▬▬ ▬▬ ▬▬▬ ▬▬▬▬▬ ▬ ▬▬▬▬ ▬▬ ▬▬▬ ▬▬▬▬ ▬▬▬ ▬▬ ▬▬▬▬▬ ▬ ▬▬▬ ▬▬▬▬ ▬▬ ▬▬▬ ▬▬▬▬▬ ▬▬ ▬▬▬▬ ▬▬▬ ▬ ▬▬▬▬ ▬▬ ▬▬▬▬▬ ▬▬▬ ▬▬ ▬▬▬▬ ▬▬▬ ▬ ▬▬▬▬▬ ▬▬ ▬▬▬ ▬▬▬▬ ▬▬ ▬▬▬ ▬▬▬▬▬ ▬ ▬▬▬▬ ▬▬ ▬▬▬ ▬▬▬▬ ▬▬▬ ▬▬ ▬▬▬▬▬ ▬ ▬▬▬ ▬▬▬▬ ▬▬ ▬▬▬ ▬▬▬▬▬ ▬▬ ▬▬▬▬ ▬▬▬ ▬ ▬▬▬▬ ▬▬ ▬▬▬▬▬ ▬▬▬ ▬▬ ▬▬▬▬ ▬▬▬ ▬ ▬▬▬▬▬ ▬▬ ▬▬▬ ▬▬▬▬ ▬▬ ▬▬▬ ▬▬▬▬▬ ▬ ▬▬▬▬ ▬▬ ▬▬▬ ▬▬▬▬ ▬▬▬ ▬▬ ▬▬▬▬▬ ▬ ▬▬▬ ▬▬▬▬ ▬▬ ▬▬▬ ▬▬▬▬▬ ▬▬ ▬▬▬▬ ▬▬▬ ▬ ▬▬▬▬ ▬▬ ▬▬▬▬▬ ▬▬▬ ▬▬ ▬▬▬▬ ▬▬▬ ▬ ▬▬▬▬▬ ▬▬ ▬▬▬ ▬▬▬▬ ▬▬ ▬▬▬ ▬▬▬▬▬ ▬ ▬▬▬▬ ▬▬ ▬▬▬ ▬▬▬▬ ▬▬▬ ▬▬ ▬▬▬▬▬ ▬ ▬▬▬ ▬▬▬▬ ▬▬ ▬▬▬ ▬▬▬▬▬ ▬▬ ▬▬▬▬ ▬▬▬ ▬ ▬▬▬▬ ▬▬ ▬▬▬▬▬ ▬▬▬ ▬▬ ▬▬▬▬ ▬▬▬ ▬ ▬▬▬▬▬ ▬▬ ▬▬▬ ▬▬▬▬ ▬▬ ▬▬▬ ▬▬▬▬▬ ▬ ▬▬▬▬ ▬▬ ▬▬▬ ▬▬▬▬ ▬▬▬ ▬▬ ▬▬▬▬▬ ▬ ▬▬▬ ▬▬▬▬ ▬▬ ▬▬▬ ▬▬▬▬▬ ▬▬ ▬▬▬▬ ▬▬▬ ▬ ▬▬▬▬ ▬▬ ▬▬▬▬▬ ▬▬▬ ▬▬ ▬▬▬▬ ▬▬▬ ▬ ▬▬▬▬▬ ▬▬ ▬▬▬ ▬▬▬▬ ▬▬ ▬▬▬ ▬▬▬▬▬ ▬ ▬▬▬▬ ▬▬ ▬▬▬ ▬▬▬▬ ▬▬▬ ▬▬ ▬▬▬▬▬ ▬ ▬▬▬ ▬▬▬▬ ▬▬ ▬▬▬ ▬▬▬▬▬ ▬▬ ▬▬▬▬ ▬▬▬ ▬ ▬▬▬▬ ▬▬ ▬▬▬▬▬ ▬▬▬ ▬▬ ▬▬▬▬ ▬▬▬ ▬ ▬▬▬▬▬ ▬▬ ▬▬▬ ▬▬▬▬ ▬▬ ▬▬▬ ▬▬▬▬▬ ▬ ▬▬▬▬ ▬▬ ▬▬▬ ▬▬▬▬ ▬▬▬ ▬▬ ▬▬▬▬▬
▬▬ ▬▬▬ ▬ ▬▬▬▬ ▬▬ ▬▬▬ ▬▬▬▬▬ ▬ ▬▬ ▬▬▬▬ ▬▬▬ ▬▬ ▬▬▬▬▬ ▬▬▬ ▬ ▬▬▬▬ ▬▬ ▬▬▬ ▬▬▬▬ ▬▬ ▬▬▬▬▬ ▬ ▬▬▬ ▬▬ ▬▬▬▬ ▬▬▬ ▬▬▬▬ ▬▬ ▬ ▬▬▬ ▬▬▬▬▬ ▬▬ ▬▬▬ ▬▬▬▬ ▬▬ ▬▬▬ ▬ ▬▬▬▬ ▬▬ ▬▬▬▬▬ ▬▬▬ ▬▬ ▬▬▬▬ ▬ ▬▬▬ ▬▬▬▬ ▬▬ ▬▬▬▬▬ ▬▬ ▬▬▬ ▬▬▬▬ ▬ ▬▬ ▬▬▬▬▬ ▬▬▬ ▬▬ ▬▬▬▬ ▬▬▬ ▬ ▬▬▬▬▬ ▬▬ ▬▬▬ ▬▬▬▬ ▬▬ ▬▬▬ ▬▬▬▬▬ ▬ ▬▬▬▬ ▬▬ ▬▬▬ ▬▬▬▬ ▬▬▬ ▬▬ ▬▬▬▬▬ ▬ ▬▬▬ ▬▬▬▬ ▬▬ ▬▬▬ ▬▬▬▬▬ ▬▬ ▬▬▬▬ ▬▬▬ ▬ ▬▬▬▬ ▬▬ ▬▬▬▬▬ ▬▬▬ ▬▬ ▬▬▬▬ ▬▬▬ ▬ ▬▬▬▬▬ ▬▬ ▬▬▬ ▬▬▬▬ ▬▬ ▬▬▬ ▬▬▬▬▬ ▬ ▬▬▬▬ ▬▬ ▬▬▬ ▬▬▬▬ ▬▬▬ ▬▬ ▬▬▬▬▬ ▬ ▬▬▬ ▬▬▬▬ ▬▬ ▬▬▬ ▬▬▬▬▬ ▬▬ ▬▬▬▬ ▬▬▬ ▬ ▬▬▬▬ ▬▬ ▬▬▬▬▬ ▬▬▬ ▬▬ ▬▬▬▬ ▬▬▬ ▬ ▬▬▬▬▬ ▬▬ ▬▬▬ ▬▬▬▬ ▬▬ ▬▬▬ ▬▬▬▬▬ ▬ ▬▬▬▬ ▬▬ ▬▬▬ ▬▬▬▬ ▬▬▬ ▬▬ ▬▬▬▬▬ ▬ ▬▬▬ ▬▬▬▬ ▬▬ ▬▬▬ ▬▬▬▬▬ ▬▬ ▬▬▬▬ ▬▬▬ ▬ ▬▬▬▬ ▬▬ ▬▬▬▬▬ ▬▬▬ ▬▬ ▬▬▬▬ ▬▬▬ ▬ ▬▬▬▬▬ ▬▬ ▬▬▬ ▬▬▬▬ ▬▬ ▬▬▬ ▬▬▬▬▬ ▬ ▬▬▬▬ ▬▬ ▬▬▬ ▬▬▬▬ ▬▬▬ ▬▬ ▬▬▬▬▬ ▬ ▬▬▬ ▬▬▬▬ ▬▬ ▬▬▬ ▬▬▬▬▬ ▬▬ ▬▬▬▬ ▬▬▬ ▬ ▬▬▬▬ ▬▬ ▬▬▬▬▬ ▬▬▬ ▬▬ ▬▬▬▬ ▬▬▬ ▬ ▬▬▬▬▬ ▬▬ ▬▬▬ ▬▬▬▬ ▬▬ ▬▬▬ ▬▬▬▬▬ ▬ ▬▬▬▬ ▬▬ ▬▬▬ ▬▬▬▬ ▬▬▬ ▬▬ ▬▬▬▬▬ ▬ ▬▬▬ ▬▬▬▬ ▬▬ ▬▬▬ ▬▬▬▬▬ ▬▬ ▬▬▬▬ ▬▬▬ ▬ ▬▬▬▬ ▬▬ ▬▬▬▬▬ ▬▬▬ ▬▬ ▬▬▬▬ ▬▬▬ ▬ ▬▬▬▬▬ ▬▬ ▬▬▬ ▬▬▬▬ ▬▬ ▬▬▬ ▬▬▬▬▬ ▬ ▬▬▬▬ ▬▬ ▬▬▬ ▬▬▬▬ ▬▬▬ ▬▬ ▬▬▬▬▬ ▬ ▬▬▬ ▬▬▬▬ ▬▬ ▬▬▬ ▬▬▬▬▬ ▬▬ ▬▬▬▬ ▬▬▬ ▬ ▬▬▬▬ ▬▬ ▬▬▬▬▬ ▬▬▬ ▬▬ ▬▬▬▬ ▬▬▬ ▬ ▬▬▬▬▬ ▬▬ ▬▬▬ ▬▬▬▬ ▬▬ ▬▬▬ ▬▬▬▬▬ ▬ ▬▬▬▬ ▬▬ ▬▬▬ ▬▬▬▬ ▬▬▬ ▬▬ ▬▬▬▬▬ ▬ ▬▬▬ ▬▬▬▬ ▬▬ ▬▬▬ ▬▬▬▬▬ ▬▬ ▬▬▬▬ ▬▬▬ ▬ ▬▬▬▬ ▬▬ ▬▬▬▬▬ ▬▬▬ ▬▬ ▬▬▬▬ ▬▬▬ ▬ ▬▬▬▬▬ ▬▬ ▬▬▬ ▬▬▬▬ ▬▬ ▬▬▬ ▬▬▬▬▬ ▬ ▬▬▬▬ ▬▬ ▬▬▬ ▬▬▬▬ ▬▬▬ ▬▬ ▬▬▬▬▬ ▬ ▬▬▬ ▬▬▬▬ ▬▬ ▬▬▬ ▬▬▬▬▬ ▬▬ ▬▬▬▬ ▬▬▬ ▬ ▬▬▬▬ ▬▬ ▬▬▬▬▬ ▬▬▬ ▬▬ ▬▬▬▬ ▬▬▬ ▬ ▬▬▬▬▬ ▬▬ ▬▬▬ ▬▬▬▬ ▬▬ ▬▬▬ ▬▬▬▬▬ ▬ ▬▬▬▬ ▬▬ ▬▬▬ ▬▬▬▬ ▬▬▬ ▬▬ ▬▬▬▬▬ ▬ ▬▬▬ ▬▬▬▬ ▬▬ ▬▬▬ ▬▬▬▬▬ ▬▬ ▬▬▬▬ ▬▬▬ ▬ ▬▬▬▬ ▬▬ ▬▬▬▬▬ ▬▬▬ ▬▬ ▬▬▬▬ ▬▬▬ ▬ ▬▬▬▬▬ ▬▬ ▬▬▬ ▬▬▬▬ ▬▬ ▬▬▬ ▬▬▬▬▬ ▬ ▬▬▬▬ ▬▬ ▬▬▬ ▬▬▬▬ ▬▬▬ ▬▬ ▬▬▬▬▬ ▬ ▬▬▬ ▬▬▬▬ ▬▬ ▬▬▬ ▬▬▬▬▬ ▬▬ ▬▬▬▬ ▬▬▬ ▬ ▬▬▬▬ ▬▬ ▬▬▬▬▬ ▬▬▬ ▬▬ ▬▬▬▬ ▬▬▬ ▬ ▬▬▬▬▬ ▬▬ ▬▬▬ ▬▬▬▬ ▬▬ ▬▬▬ ▬▬▬▬▬ ▬ ▬▬▬▬ ▬▬ ▬▬▬ ▬▬▬▬ ▬▬▬ ▬▬ ▬▬▬▬▬
▬▬ ▬▬▬ ▬ ▬▬▬▬ ▬▬ ▬▬▬ ▬▬▬▬▬ ▬ ▬▬ ▬▬▬▬ ▬▬▬ ▬▬ ▬▬▬▬▬ ▬▬▬ ▬ ▬▬▬▬ ▬▬ ▬▬▬ ▬▬▬▬ ▬▬ ▬▬▬▬▬ ▬ ▬▬▬ ▬▬ ▬▬▬▬ ▬▬▬ ▬▬▬▬ ▬▬ ▬ ▬▬▬ ▬▬▬▬▬ ▬▬ ▬▬▬ ▬▬▬▬ ▬▬ ▬▬▬ ▬ ▬▬▬▬ ▬▬ ▬▬▬▬▬ ▬▬▬ ▬▬ ▬▬▬▬ ▬ ▬▬▬ ▬▬▬▬ ▬▬ ▬▬▬▬▬ ▬▬ ▬▬▬ ▬▬▬▬ ▬ ▬▬ ▬▬▬▬▬ ▬▬▬ ▬▬ ▬▬▬▬ ▬▬▬ ▬ ▬▬▬▬▬ ▬▬ ▬▬▬ ▬▬▬▬ ▬▬ ▬▬▬ ▬▬▬▬▬ ▬ ▬▬▬▬ ▬▬ ▬▬▬ ▬▬▬▬ ▬▬▬ ▬▬ ▬▬▬▬▬ ▬ ▬▬▬ ▬▬▬▬ ▬▬ ▬▬▬ ▬▬▬▬▬ ▬▬ ▬▬▬▬ ▬▬▬ ▬ ▬▬▬▬ ▬▬ ▬▬▬▬▬ ▬▬▬ ▬▬ ▬▬▬▬ ▬▬▬ ▬ ▬▬▬▬▬ ▬▬ ▬▬▬ ▬▬▬▬ ▬▬ ▬▬▬ ▬▬▬▬▬ ▬ ▬▬▬▬ ▬▬ ▬▬▬ ▬▬▬▬ ▬▬▬ ▬▬ ▬▬▬▬▬ ▬ ▬▬▬ ▬▬▬▬ ▬▬ ▬▬▬ ▬▬▬▬▬ ▬▬ ▬▬▬▬ ▬▬▬ ▬ ▬▬▬▬ ▬▬ ▬▬▬▬▬ ▬▬▬ ▬▬ ▬▬▬▬ ▬▬▬ ▬ ▬▬▬▬▬ ▬▬ ▬▬▬ ▬▬▬▬ ▬▬ ▬▬▬ ▬▬▬▬▬ ▬ ▬▬▬▬ ▬▬ ▬▬▬ ▬▬▬▬ ▬▬▬ ▬▬ ▬▬▬▬▬ ▬ ▬▬▬ ▬▬▬▬ ▬▬ ▬▬▬ ▬▬▬▬▬ ▬▬ ▬▬▬▬ ▬▬▬ ▬ ▬▬▬▬ ▬▬ ▬▬▬▬▬ ▬▬▬ ▬▬ ▬▬▬▬ ▬▬▬ ▬ ▬▬▬▬▬ ▬▬ ▬▬▬ ▬▬▬▬ ▬▬ ▬▬▬ ▬▬▬▬▬ ▬ ▬▬▬▬ ▬▬ ▬▬▬ ▬▬▬▬ ▬▬▬ ▬▬ ▬▬▬▬▬ ▬ ▬▬▬ ▬▬▬▬ ▬▬ ▬▬▬ ▬▬▬▬▬ ▬▬ ▬▬▬▬ ▬▬▬ ▬ ▬▬▬▬ ▬▬ ▬▬▬▬▬ ▬▬▬ ▬▬ ▬▬▬▬ ▬▬▬ ▬ ▬▬▬▬▬ ▬▬ ▬▬▬ ▬▬▬▬ ▬▬ ▬▬▬ ▬▬▬▬▬ ▬ ▬▬▬▬ ▬▬ ▬▬▬ ▬▬▬▬ ▬▬▬ ▬▬ ▬▬▬▬▬ ▬ ▬▬▬ ▬▬▬▬ ▬▬ ▬▬▬ ▬▬▬▬▬ ▬▬ ▬▬▬▬ ▬▬▬ ▬ ▬▬▬▬ ▬▬ ▬▬▬▬▬ ▬▬▬ ▬▬ ▬▬▬▬ ▬▬▬ ▬ ▬▬▬▬▬ ▬▬ ▬▬▬ ▬▬▬▬ ▬▬ ▬▬▬ ▬▬▬▬▬ ▬ ▬▬▬▬ ▬▬ ▬▬▬ ▬▬▬▬ ▬▬▬ ▬▬ ▬▬▬▬▬ ▬ ▬▬▬ ▬▬▬▬ ▬▬ ▬▬▬ ▬▬▬▬▬ ▬▬ ▬▬▬▬ ▬▬▬ ▬ ▬▬▬▬ ▬▬ ▬▬▬▬▬ ▬▬▬ ▬▬ ▬▬▬▬ ▬▬▬ ▬ ▬▬▬▬▬ ▬▬ ▬▬▬ ▬▬▬▬ ▬▬ ▬▬▬ ▬▬▬▬▬ ▬ ▬▬▬▬ ▬▬ ▬▬▬ ▬▬▬▬ ▬▬▬ ▬▬ ▬▬▬▬▬ ▬ ▬▬▬ ▬▬▬▬ ▬▬ ▬▬▬ ▬▬▬▬▬ ▬▬ ▬▬▬▬ ▬▬▬ ▬ ▬▬▬▬ ▬▬ ▬▬▬▬▬ ▬▬▬ ▬▬ ▬▬▬▬ ▬▬▬ ▬ ▬▬▬▬▬ ▬▬ ▬▬▬ ▬▬▬▬ ▬▬ ▬▬▬ ▬▬▬▬▬ ▬ ▬▬▬▬ ▬▬ ▬▬▬ ▬▬▬▬ ▬▬▬ ▬▬ ▬▬▬▬▬ ▬ ▬▬▬ ▬▬▬▬ ▬▬ ▬▬▬ ▬▬▬▬▬ ▬▬ ▬▬▬▬ ▬▬▬ ▬ ▬▬▬▬ ▬▬ ▬▬▬▬▬ ▬▬▬ ▬▬ ▬▬▬▬ ▬▬▬ ▬ ▬▬▬▬▬ ▬▬ ▬▬▬ ▬▬▬▬ ▬▬ ▬▬▬ ▬▬▬▬▬ ▬ ▬▬▬▬ ▬▬ ▬▬▬ ▬▬▬▬ ▬▬▬ ▬▬ ▬▬▬▬▬ ▬ ▬▬▬ ▬▬▬▬ ▬▬ ▬▬▬ ▬▬▬▬▬ ▬▬ ▬▬▬▬ ▬▬▬ ▬ ▬▬▬▬ ▬▬ ▬▬▬▬▬ ▬▬▬ ▬▬ ▬▬▬▬ ▬▬▬ ▬ ▬▬▬▬▬ ▬▬ ▬▬▬ ▬▬▬▬ ▬▬ ▬▬▬ ▬▬▬▬▬ ▬ ▬▬▬▬ ▬▬ ▬▬▬ ▬▬▬▬ ▬▬▬ ▬▬ ▬▬▬▬▬ ▬ ▬▬▬ ▬▬▬▬ ▬▬ ▬▬▬ ▬▬▬▬▬ ▬▬ ▬▬▬▬ ▬▬▬ ▬ ▬▬▬▬ ▬▬ ▬▬▬▬▬ ▬▬▬ ▬▬ ▬▬▬▬ ▬▬▬ ▬ ▬▬▬▬▬ ▬▬ ▬▬▬ ▬▬▬▬ ▬▬ ▬▬▬ ▬▬▬▬▬ ▬ ▬▬▬▬ ▬▬ ▬▬▬ ▬▬▬▬ ▬▬▬ ▬▬ ▬▬▬▬▬
चुनाव आयोग...
( प्रथम पृष्ठ का शेष )
▬▬ ▬▬▬ ▬ ▬▬▬▬ ▬▬ ▬▬▬ ▬▬▬▬▬ ▬ ▬▬ ▬▬▬▬ ▬▬▬ ▬▬ ▬▬▬▬▬ ▬▬▬ ▬ ▬▬▬▬ ▬▬ ▬▬▬ ▬▬▬▬ ▬▬ ▬▬▬▬▬ ▬ ▬▬▬ ▬▬ ▬▬▬▬ ▬▬▬ ▬▬▬▬ ▬▬ ▬ ▬▬▬ ▬▬▬▬▬ ▬▬ ▬▬▬ ▬▬▬▬ ▬▬ ▬▬▬ ▬ ▬▬▬▬ ▬▬ ▬▬▬▬▬ ▬▬▬ ▬▬ ▬▬▬▬ ▬ ▬▬▬ ▬▬▬▬ ▬▬ ▬▬▬▬▬ ▬▬ ▬▬▬ ▬▬▬▬ ▬ ▬▬ ▬▬▬▬▬ ▬▬▬ ▬▬ ▬▬▬▬ ▬▬▬ ▬ ▬▬▬▬▬ ▬▬ ▬▬▬ ▬▬▬▬ ▬▬ ▬▬▬ ▬▬▬▬▬ ▬ ▬▬▬▬ ▬▬ ▬▬▬ ▬▬▬▬ ▬▬▬ ▬▬ ▬▬▬▬▬ ▬ ▬▬▬ ▬▬▬▬ ▬▬ ▬▬▬ ▬▬▬▬▬ ▬▬ ▬▬▬▬ ▬▬▬ ▬ ▬▬▬▬ ▬▬ ▬▬▬▬▬ ▬▬▬ ▬▬ ▬▬▬▬ ▬▬▬ ▬ ▬▬▬▬▬ ▬▬ ▬▬▬ ▬▬▬▬ ▬▬ ▬▬▬ ▬▬▬▬▬ ▬ ▬▬▬▬ ▬▬ ▬▬▬ ▬▬▬▬ ▬▬▬ ▬▬ ▬▬▬▬▬ ▬ ▬▬▬ ▬▬▬▬ ▬▬ ▬▬▬ ▬▬▬▬▬ ▬▬ ▬▬▬▬ ▬▬▬ ▬ ▬▬▬▬ ▬▬ ▬▬▬▬▬ ▬▬▬ ▬▬ ▬▬▬▬ ▬▬▬ ▬ ▬▬▬▬▬ ▬▬ ▬▬▬ ▬▬▬▬ ▬▬ ▬▬▬ ▬▬▬▬▬ ▬ ▬▬▬▬ ▬▬ ▬▬▬ ▬▬▬▬ ▬▬▬ ▬▬ ▬▬▬▬▬ ▬ ▬▬▬ ▬▬▬▬ ▬▬ ▬▬▬ ▬▬▬▬▬ ▬▬ ▬▬▬▬ ▬▬▬ ▬ ▬▬▬▬ ▬▬ ▬▬▬▬▬ ▬▬▬ ▬▬ ▬▬▬▬ ▬▬▬ ▬ ▬▬▬▬▬ ▬▬ ▬▬▬ ▬▬▬▬ ▬▬ ▬▬▬ ▬▬▬▬▬ ▬ ▬▬▬▬ ▬▬ ▬▬▬ ▬▬▬▬ ▬▬▬ ▬▬ ▬▬▬▬▬ ▬ ▬▬▬ ▬▬▬▬ ▬▬ ▬▬▬ ▬▬▬▬▬ ▬▬ ▬▬▬▬ ▬▬▬ ▬ ▬▬▬▬ ▬▬ ▬▬▬▬▬ ▬▬▬ ▬▬ ▬▬▬▬ ▬▬▬ ▬ ▬▬▬▬▬ ▬▬ ▬▬▬ ▬▬▬▬ ▬▬ ▬▬▬ ▬▬▬▬▬ ▬ ▬▬▬▬ ▬▬ ▬▬▬ ▬▬▬▬ ▬▬▬ ▬▬ ▬▬▬▬▬ ▬ ▬▬▬ ▬▬▬▬ ▬▬ ▬▬▬ ▬▬▬▬▬ ▬▬ ▬▬▬▬ ▬▬▬ ▬ ▬▬▬▬ ▬▬ ▬▬▬▬▬ ▬▬▬ ▬▬ ▬▬▬▬ ▬▬▬ ▬ ▬▬▬▬▬ ▬▬ ▬▬▬ ▬▬▬▬ ▬▬ ▬▬▬ ▬▬▬▬▬ ▬ ▬▬▬▬ ▬▬ ▬▬▬ ▬▬▬▬ ▬▬▬ ▬▬ ▬▬▬▬▬ ▬ ▬▬▬ ▬▬▬▬ ▬▬ ▬▬▬ ▬▬▬▬▬ ▬▬ ▬▬▬▬ ▬▬▬ ▬ ▬▬▬▬ ▬▬ ▬▬▬▬▬ ▬▬▬ ▬▬ ▬▬▬▬ ▬▬▬ ▬ ▬▬▬▬▬ ▬▬ ▬▬▬ ▬▬▬▬ ▬▬ ▬▬▬ ▬▬▬▬▬ ▬ ▬▬▬▬ ▬▬ ▬▬▬ ▬▬▬▬ ▬▬▬ ▬▬ ▬▬▬▬▬ ▬ ▬▬▬ ▬▬▬▬ ▬▬ ▬▬▬ ▬▬▬▬▬ ▬▬ ▬▬▬▬ ▬▬▬ ▬ ▬▬▬▬ ▬▬ ▬▬▬▬▬ ▬▬▬ ▬▬ ▬▬▬▬ ▬▬▬ ▬ ▬▬▬▬▬ ▬▬ ▬▬▬ ▬▬▬▬ ▬▬ ▬▬▬ ▬▬▬▬▬ ▬ ▬▬▬▬ ▬▬ ▬▬▬ ▬▬▬▬ ▬▬▬ ▬▬ ▬▬▬▬▬ ▬ ▬▬▬ ▬▬▬▬ ▬▬ ▬▬▬ ▬▬▬▬▬ ▬▬ ▬▬▬▬ ▬▬▬ ▬ ▬▬▬▬ ▬▬ ▬▬▬▬▬ ▬▬▬ ▬▬ ▬▬▬▬ ▬▬▬ ▬ ▬▬▬▬▬ ▬▬ ▬▬▬ ▬▬▬▬ ▬▬ ▬▬▬ ▬▬▬▬▬ ▬ ▬▬▬▬ ▬▬ ▬▬▬ ▬▬▬▬ ▬▬▬ ▬▬ ▬▬▬▬▬ ▬ ▬▬▬ ▬▬▬▬ ▬▬ ▬▬▬ ▬▬▬▬▬ ▬▬ ▬▬▬▬ ▬▬▬ ▬ ▬▬▬▬ ▬▬ ▬▬▬▬▬ ▬▬▬ ▬▬ ▬▬▬▬ ▬▬▬ ▬ ▬▬▬▬▬ ▬▬ ▬▬▬ ▬▬▬▬ ▬▬ ▬▬▬ ▬▬▬▬▬ ▬ ▬▬▬▬ ▬▬ ▬▬▬ ▬▬▬▬ ▬▬▬ ▬▬ ▬▬▬▬▬ ▬ ▬▬▬ ▬▬▬▬ ▬▬ ▬▬▬ ▬▬▬▬▬ ▬▬ ▬▬▬▬ ▬▬▬ ▬ ▬▬▬▬ ▬▬ ▬▬▬▬▬ ▬▬▬ ▬▬ ▬▬▬▬ ▬▬▬ ▬ ▬▬▬▬▬ ▬▬ ▬▬▬ ▬▬▬▬ ▬▬ ▬▬▬ ▬▬▬▬▬ ▬ ▬▬▬▬ ▬▬ ▬▬▬ ▬▬▬▬ ▬▬▬ ▬▬ ▬▬▬▬▬	सायक्लोन रेमल के आज बंगाल
में प्रवेश करने की आशंका
कोलकाता, 25 मई।
▬▬ ▬▬▬ ▬ ▬▬▬▬ ▬▬ ▬▬▬ ▬▬▬▬▬ ▬ ▬▬ ▬▬▬▬ ▬▬▬ ▬▬ ▬▬▬▬▬ ▬▬▬ ▬ ▬▬▬▬ ▬▬ ▬▬▬ ▬▬▬▬ ▬▬ ▬▬▬▬▬ ▬ ▬▬▬ ▬▬ ▬▬▬▬ ▬▬▬ ▬▬▬▬ ▬▬ ▬ ▬▬▬ ▬▬▬▬▬ ▬▬ ▬▬▬ ▬▬▬▬ ▬▬ ▬▬▬ ▬ ▬▬▬▬ ▬▬ ▬▬▬▬▬ ▬▬▬ ▬▬ ▬▬▬▬ ▬ ▬▬▬ ▬▬▬▬ ▬▬ ▬▬▬▬▬ ▬▬ ▬▬▬ ▬▬▬▬ ▬ ▬▬ ▬▬▬▬▬ ▬▬▬ ▬▬ ▬▬▬▬ ▬▬▬ ▬ ▬▬▬▬▬ ▬▬ ▬▬▬ ▬▬▬▬ ▬▬ ▬▬▬ ▬▬▬▬▬ ▬ ▬▬▬▬ ▬▬ ▬▬▬ ▬▬▬▬ ▬▬▬ ▬▬ ▬▬▬▬▬ ▬ ▬▬▬ ▬▬▬▬ ▬▬ ▬▬▬ ▬▬▬▬▬ ▬▬ ▬▬▬▬ ▬▬▬ ▬ ▬▬▬▬ ▬▬ ▬▬▬▬▬ ▬▬▬ ▬▬ ▬▬▬▬ ▬▬▬ ▬ ▬▬▬▬▬ ▬▬ ▬▬▬ ▬▬▬▬ ▬▬ ▬▬▬ ▬▬▬▬▬ ▬ ▬▬▬▬ ▬▬ ▬▬▬ ▬▬▬▬ ▬▬▬ ▬▬ ▬▬▬▬▬ ▬ ▬▬▬ ▬▬▬▬ ▬▬ ▬▬▬ ▬▬▬▬▬ ▬▬ ▬▬▬▬ ▬▬▬ ▬ ▬▬▬▬ ▬▬ ▬▬▬▬▬ ▬▬▬ ▬▬ ▬▬▬▬ ▬▬▬ ▬ ▬▬▬▬▬ ▬▬ ▬▬▬ ▬▬▬▬ ▬▬ ▬▬▬ ▬▬▬▬▬ ▬ ▬▬▬▬ ▬▬ ▬▬▬ ▬▬▬▬ ▬▬▬ ▬▬ ▬▬▬▬▬ ▬ ▬▬▬ ▬▬▬▬ ▬▬ ▬▬▬ ▬▬▬▬▬ ▬▬ ▬▬▬▬ ▬▬▬ ▬ ▬▬▬▬ ▬▬ ▬▬▬▬▬ ▬▬▬ ▬▬ ▬▬▬▬ ▬▬▬ ▬ ▬▬▬▬▬ ▬▬ ▬▬▬ ▬▬▬▬ ▬▬ ▬▬▬ ▬▬▬▬▬ ▬ ▬▬▬▬ ▬▬ ▬▬▬ ▬▬▬▬ ▬▬▬ ▬▬ ▬▬▬▬▬ ▬ ▬▬▬ ▬▬▬▬ ▬▬ ▬▬▬ ▬▬▬▬▬ ▬▬ ▬▬▬▬ ▬▬▬ ▬ ▬▬▬▬ ▬▬ ▬▬▬▬▬ ▬▬▬ ▬▬ ▬▬▬▬ ▬▬▬ ▬ ▬▬▬▬▬ ▬▬ ▬▬▬ ▬▬▬▬ ▬▬ ▬▬▬ ▬▬▬▬▬ ▬ ▬▬▬▬ ▬▬ ▬▬▬ ▬▬▬▬ ▬▬▬ ▬▬ ▬▬▬▬▬ ▬ ▬▬▬ ▬▬▬▬ ▬▬ ▬▬▬ ▬▬▬▬▬ ▬▬ ▬▬▬▬ ▬▬▬ ▬ ▬▬▬▬ ▬▬ ▬▬▬▬▬ ▬▬▬ ▬▬ ▬▬▬▬ ▬▬▬ ▬ ▬▬▬▬▬ ▬▬ ▬▬▬ ▬▬▬▬ ▬▬ ▬▬▬ ▬▬▬▬▬ ▬ ▬▬▬▬ ▬▬ ▬▬▬ ▬▬▬▬ ▬▬▬ ▬▬ ▬▬▬▬▬ ▬ ▬▬▬ ▬▬▬▬ ▬▬ ▬▬▬ ▬▬▬▬▬ ▬▬ ▬▬▬▬ ▬▬▬ ▬ ▬▬▬▬ ▬▬ ▬▬▬▬▬ ▬▬▬ ▬▬ ▬▬▬▬ ▬▬▬ ▬ ▬▬▬▬▬ ▬▬ ▬▬▬ ▬▬▬▬ ▬▬ ▬▬▬ ▬▬▬▬▬ ▬ ▬▬▬▬ ▬▬ ▬▬▬ ▬▬▬▬ ▬▬▬ ▬▬ ▬▬▬▬▬ ▬ ▬▬▬ ▬▬▬▬ ▬▬ ▬▬▬ ▬▬▬▬▬ ▬▬ ▬▬▬▬ ▬▬▬ ▬ ▬▬▬▬ ▬▬ ▬▬▬▬▬ ▬▬▬ ▬▬ ▬▬▬▬ ▬▬▬ ▬ ▬▬▬▬▬ ▬▬ ▬▬▬ ▬▬▬▬ ▬▬ ▬▬▬ ▬▬▬▬▬ ▬ ▬▬▬▬ ▬▬ ▬▬▬ ▬▬▬▬ ▬▬▬ ▬▬ ▬▬▬▬▬ ▬ ▬▬▬ ▬▬▬▬ ▬▬ ▬▬▬ ▬▬▬▬▬ ▬▬ ▬▬▬▬ ▬▬▬ ▬ ▬▬▬▬ ▬▬ ▬▬▬▬▬ ▬▬▬ ▬▬ ▬▬▬▬ ▬▬▬ ▬ ▬▬▬▬▬ ▬▬ ▬▬▬ ▬▬▬▬ ▬▬ ▬▬▬ ▬▬▬▬▬ ▬ ▬▬▬▬ ▬▬ ▬▬▬ ▬▬▬▬ ▬▬▬ ▬▬ ▬▬▬▬▬ ▬ ▬▬▬ ▬▬▬▬ ▬▬ ▬▬▬ ▬▬▬▬▬ ▬▬ ▬▬▬▬ ▬▬▬ ▬ ▬▬▬▬ ▬▬ ▬▬▬▬▬ ▬▬▬ ▬▬ ▬▬▬▬ ▬▬▬ ▬ ▬▬▬▬▬ ▬▬ ▬▬▬ ▬▬▬▬ ▬▬ ▬▬▬ ▬▬▬▬▬ ▬ ▬▬▬▬ ▬▬ ▬▬▬ ▬▬▬▬ ▬▬▬ ▬▬ ▬▬▬▬▬ ▬ ▬▬▬ ▬▬▬▬ ▬▬ ▬▬▬ ▬▬▬▬▬ ▬▬ ▬▬▬▬ ▬▬▬ ▬ ▬▬▬▬ ▬▬ ▬▬▬▬▬ ▬▬▬ ▬▬ ▬▬▬▬ ▬▬▬ ▬ ▬▬▬▬▬ ▬▬ ▬▬▬ ▬▬▬▬ ▬▬ ▬▬▬ ▬▬▬▬▬ ▬ ▬▬▬▬ ▬▬ ▬▬▬ ▬▬▬▬ ▬▬▬ ▬▬ ▬▬▬▬▬
सायक्लोन के कारण तटीय इलाकों में 120 कि.मी. प्रति घंटे की रफ्तार से तेज़ हवाएं चलेंगी, मौसम विभाग ने खतरे का अलर्ट जारी किया
सायक्लोन के संभावित खतरे की आशंका के चलते शनिवार से ही कोलकाता इंटरनैशनल एयरपोर्ट बंद कर दिया गया है।
▬▬ ▬▬▬ ▬ ▬▬▬▬ ▬▬ ▬▬▬ ▬▬▬▬▬ ▬ ▬▬ ▬▬▬▬ ▬▬▬ ▬▬ ▬▬▬▬▬ ▬▬▬ ▬ ▬▬▬▬ ▬▬ ▬▬▬ ▬▬▬▬ ▬▬ ▬▬▬▬▬ ▬ ▬▬▬ ▬▬ ▬▬▬▬ ▬▬▬ ▬▬▬▬ ▬▬ ▬ ▬▬▬ ▬▬▬▬▬ ▬▬ ▬▬▬ ▬▬▬▬ ▬▬ ▬▬▬ ▬ ▬▬▬▬ ▬▬ ▬▬▬▬▬ ▬▬▬ ▬▬ ▬▬▬▬ ▬ ▬▬▬ ▬▬▬▬ ▬▬ ▬▬▬▬▬ ▬▬ ▬▬▬ ▬▬▬▬ ▬ ▬▬ ▬▬▬▬▬ ▬▬▬ ▬▬ ▬▬▬▬ ▬▬▬ ▬ ▬▬▬▬▬ ▬▬ ▬▬▬ ▬▬▬▬ ▬▬ ▬▬▬ ▬▬▬▬▬ ▬ ▬▬▬▬ ▬▬ ▬▬▬ ▬▬▬▬ ▬▬▬ ▬▬ ▬▬▬▬▬ ▬ ▬▬▬ ▬▬▬▬ ▬▬ ▬▬▬ ▬▬▬▬▬ ▬▬ ▬▬▬▬ ▬▬▬ ▬ ▬▬▬▬ ▬▬ ▬▬▬▬▬ ▬▬▬ ▬▬ ▬▬▬▬ ▬▬▬ ▬ ▬▬▬▬▬ ▬▬ ▬▬▬ ▬▬▬▬ ▬▬ ▬▬▬ ▬▬▬▬▬ ▬ ▬▬▬▬ ▬▬ ▬▬▬ ▬▬▬▬ ▬▬▬ ▬▬ ▬▬▬▬▬ ▬ ▬▬▬ ▬▬▬▬ ▬▬ ▬▬▬ ▬▬▬▬▬ ▬▬ ▬▬▬▬ ▬▬▬ ▬ ▬▬▬▬ ▬▬ ▬▬▬▬▬ ▬▬▬ ▬▬ ▬▬▬▬ ▬▬▬ ▬ ▬▬▬▬▬ ▬▬ ▬▬▬ ▬▬▬▬ ▬▬ ▬▬▬ ▬▬▬▬▬ ▬ ▬▬▬▬ ▬▬ ▬▬▬ ▬▬▬▬ ▬▬▬ ▬▬ ▬▬▬▬▬ ▬ ▬▬▬ ▬▬▬▬ ▬▬ ▬▬▬ ▬▬▬▬▬ ▬▬ ▬▬▬▬ ▬▬▬ ▬ ▬▬▬▬ ▬▬ ▬▬▬▬▬ ▬▬▬ ▬▬ ▬▬▬▬ ▬▬▬ ▬ ▬▬▬▬▬ ▬▬ ▬▬▬ ▬▬▬▬ ▬▬ ▬▬▬ ▬▬▬▬▬ ▬ ▬▬▬▬ ▬▬ ▬▬▬ ▬▬▬▬ ▬▬▬ ▬▬ ▬▬▬▬▬ ▬ ▬▬▬ ▬▬▬▬ ▬▬ ▬▬▬ ▬▬▬▬▬ ▬▬ ▬▬▬▬ ▬▬▬ ▬ ▬▬▬▬ ▬▬ ▬▬▬▬▬ ▬▬▬ ▬▬ ▬▬▬▬ ▬▬▬ ▬ ▬▬▬▬▬ ▬▬ ▬▬▬ ▬▬▬▬ ▬▬ ▬▬▬ ▬▬▬▬▬ ▬ ▬▬▬▬ ▬▬ ▬▬▬ ▬▬▬▬ ▬▬▬ ▬▬ ▬▬▬▬▬ ▬ ▬▬▬ ▬▬▬▬ ▬▬ ▬▬▬ ▬▬▬▬▬ ▬▬ ▬▬▬▬ ▬▬▬ ▬ ▬▬▬▬ ▬▬ ▬▬▬▬▬ ▬▬▬ ▬▬ ▬▬▬▬ ▬▬▬ ▬ ▬▬▬▬▬ ▬▬ ▬▬▬ ▬▬▬▬ ▬▬ ▬▬▬ ▬▬▬▬▬ ▬ ▬▬▬▬ ▬▬ ▬▬▬ ▬▬▬▬ ▬▬▬ ▬▬ ▬▬▬▬▬ ▬ ▬▬▬ ▬▬▬▬ ▬▬ ▬▬▬ ▬▬▬▬▬ ▬▬ ▬▬▬▬ ▬▬▬ ▬ ▬▬▬▬ ▬▬ ▬▬▬▬▬ ▬▬▬ ▬▬ ▬▬▬▬ ▬▬▬ ▬ ▬▬▬▬▬ ▬▬ ▬▬▬ ▬▬▬▬ ▬▬ ▬▬▬ ▬▬▬▬▬ ▬ ▬▬▬▬ ▬▬ ▬▬▬ ▬▬▬▬ ▬▬▬ ▬▬ ▬▬▬▬▬ ▬ ▬▬▬ ▬▬▬▬ ▬▬ ▬▬▬ ▬▬▬▬▬ ▬▬ ▬▬▬▬ ▬▬▬ ▬ ▬▬▬▬ ▬▬ ▬▬▬▬▬ ▬▬▬ ▬▬ ▬▬▬▬ ▬▬▬ ▬ ▬▬▬▬▬ ▬▬ ▬▬▬ ▬▬▬▬ ▬▬ ▬▬▬ ▬▬▬▬▬ ▬ ▬▬▬▬ ▬▬ ▬▬▬ ▬▬▬▬ ▬▬▬ ▬▬ ▬▬▬▬▬ ▬ ▬▬▬ ▬▬▬▬ ▬▬ ▬▬▬ ▬▬▬▬▬ ▬▬ ▬▬▬▬ ▬▬▬ ▬ ▬▬▬▬ ▬▬ ▬▬▬▬▬ ▬▬▬ ▬▬ ▬▬▬▬ ▬▬▬ ▬ ▬▬▬▬▬ ▬▬ ▬▬▬ ▬▬▬▬ ▬▬ ▬▬▬ ▬▬▬▬▬ ▬ ▬▬▬▬ ▬▬ ▬▬▬ ▬▬▬▬ ▬▬▬ ▬▬ ▬▬▬▬▬ ▬ ▬▬▬ ▬▬▬▬ ▬▬ ▬▬▬ ▬▬▬▬▬ ▬▬ ▬▬▬▬ ▬▬▬ ▬ ▬▬▬▬ ▬▬ ▬▬▬▬▬ ▬▬▬ ▬▬ ▬▬▬▬ ▬▬▬ ▬ ▬▬▬▬▬ ▬▬ ▬▬▬ ▬▬▬▬ ▬▬ ▬▬▬ ▬▬▬▬▬ ▬ ▬▬▬▬ ▬▬ ▬▬▬ ▬▬▬▬ ▬▬▬ ▬▬ ▬▬▬▬▬ ▬ ▬▬▬ ▬▬▬▬ ▬▬ ▬▬▬ ▬▬▬▬▬ ▬▬ ▬▬▬▬ ▬▬▬ ▬ ▬▬▬▬ ▬▬ ▬▬▬▬▬ ▬▬▬ ▬▬ ▬▬▬▬ ▬▬▬ ▬ ▬▬▬▬▬ ▬▬ ▬▬▬ ▬▬▬▬ ▬▬ ▬▬▬ ▬▬▬▬▬ ▬ ▬▬▬▬ ▬▬ ▬▬▬ ▬▬▬▬ ▬▬▬ ▬▬ ▬▬▬▬▬
▬▬ ▬▬▬ ▬ ▬▬▬▬ ▬▬ ▬▬▬ ▬▬▬▬▬ ▬ ▬▬ ▬▬▬▬ ▬▬▬ ▬▬ ▬▬▬▬▬ ▬▬▬ ▬ ▬▬▬▬ ▬▬ ▬▬▬ ▬▬▬▬ ▬▬ ▬▬▬▬▬ ▬ ▬▬▬ ▬▬ ▬▬▬▬ ▬▬▬ ▬▬▬▬ ▬▬ ▬ ▬▬▬ ▬▬▬▬▬ ▬▬ ▬▬▬ ▬▬▬▬ ▬▬ ▬▬▬ ▬ ▬▬▬▬ ▬▬ ▬▬▬▬▬ ▬▬▬ ▬▬ ▬▬▬▬ ▬ ▬▬▬ ▬▬▬▬ ▬▬ ▬▬▬▬▬ ▬▬ ▬▬▬ ▬▬▬▬ ▬ ▬▬ ▬▬▬▬▬ ▬▬▬ ▬▬ ▬▬▬▬ ▬▬▬ ▬ ▬▬▬▬▬ ▬▬ ▬▬▬ ▬▬▬▬ ▬▬ ▬▬▬ ▬▬▬▬▬ ▬ ▬▬▬▬ ▬▬ ▬▬▬ ▬▬▬▬ ▬▬▬ ▬▬ ▬▬▬▬▬ ▬ ▬▬▬ ▬▬▬▬ ▬▬ ▬▬▬ ▬▬▬▬▬ ▬▬ ▬▬▬▬ ▬▬▬ ▬ ▬▬▬▬ ▬▬ ▬▬▬▬▬ ▬▬▬ ▬▬ ▬▬▬▬ ▬▬▬ ▬ ▬▬▬▬▬ ▬▬ ▬▬▬ ▬▬▬▬ ▬▬ ▬▬▬ ▬▬▬▬▬ ▬ ▬▬▬▬ ▬▬ ▬▬▬ ▬▬▬▬ ▬▬▬ ▬▬ ▬▬▬▬▬ ▬ ▬▬▬ ▬▬▬▬ ▬▬ ▬▬▬ ▬▬▬▬▬ ▬▬ ▬▬▬▬ ▬▬▬ ▬ ▬▬▬▬ ▬▬ ▬▬▬▬▬ ▬▬▬ ▬▬ ▬▬▬▬ ▬▬▬ ▬ ▬▬▬▬▬ ▬▬ ▬▬▬ ▬▬▬▬ ▬▬ ▬▬▬ ▬▬▬▬▬ ▬ ▬▬▬▬ ▬▬ ▬▬▬ ▬▬▬▬ ▬▬▬ ▬▬ ▬▬▬▬▬ ▬ ▬▬▬ ▬▬▬▬ ▬▬ ▬▬▬ ▬▬▬▬▬ ▬▬ ▬▬▬▬ ▬▬▬ ▬ ▬▬▬▬ ▬▬ ▬▬▬▬▬ ▬▬▬ ▬▬ ▬▬▬▬ ▬▬▬ ▬ ▬▬▬▬▬ ▬▬ ▬▬▬ ▬▬▬▬ ▬▬ ▬▬▬ ▬▬▬▬▬ ▬ ▬▬▬▬ ▬▬ ▬▬▬ ▬▬▬▬ ▬▬▬ ▬▬ ▬▬▬▬▬ ▬ ▬▬▬ ▬▬▬▬ ▬▬ ▬▬▬ ▬▬▬▬▬ ▬▬ ▬▬▬▬ ▬▬▬ ▬ ▬▬▬▬ ▬▬ ▬▬▬▬▬ ▬▬▬ ▬▬ ▬▬▬▬ ▬▬▬ ▬ ▬▬▬▬▬ ▬▬ ▬▬▬ ▬▬▬▬ ▬▬ ▬▬▬ ▬▬▬▬▬ ▬ ▬▬▬▬ ▬▬ ▬▬▬ ▬▬▬▬ ▬▬▬ ▬▬ ▬▬▬▬▬ ▬ ▬▬▬ ▬▬▬▬ ▬▬ ▬▬▬ ▬▬▬▬▬ ▬▬ ▬▬▬▬ ▬▬▬ ▬ ▬▬▬▬ ▬▬ ▬▬▬▬▬ ▬▬▬ ▬▬ ▬▬▬▬ ▬▬▬ ▬ ▬▬▬▬▬ ▬▬ ▬▬▬ ▬▬▬▬ ▬▬ ▬▬▬ ▬▬▬▬▬ ▬ ▬▬▬▬ ▬▬ ▬▬▬ ▬▬▬▬ ▬▬▬ ▬▬ ▬▬▬▬▬ ▬ ▬▬▬ ▬▬▬▬ ▬▬ ▬▬▬ ▬▬▬▬▬ ▬▬ ▬▬▬▬ ▬▬▬ ▬ ▬▬▬▬ ▬▬ ▬▬▬▬▬ ▬▬▬ ▬▬ ▬▬▬▬ ▬▬▬ ▬ ▬▬▬▬▬ ▬▬ ▬▬▬ ▬▬▬▬ ▬▬ ▬▬▬ ▬▬▬▬▬ ▬ ▬▬▬▬ ▬▬ ▬▬▬ ▬▬▬▬ ▬▬▬ ▬▬ ▬▬▬▬▬ ▬ ▬▬▬ ▬▬▬▬ ▬▬ ▬▬▬ ▬▬▬▬▬ ▬▬ ▬▬▬▬ ▬▬▬ ▬ ▬▬▬▬ ▬▬ ▬▬▬▬▬ ▬▬▬ ▬▬ ▬▬▬▬ ▬▬▬ ▬ ▬▬▬▬▬ ▬▬ ▬▬▬ ▬▬▬▬ ▬▬ ▬▬▬ ▬▬▬▬▬ ▬ ▬▬▬▬ ▬▬ ▬▬▬ ▬▬▬▬ ▬▬▬ ▬▬ ▬▬▬▬▬ ▬ ▬▬▬ ▬▬▬▬ ▬▬ ▬▬▬ ▬▬▬▬▬ ▬▬ ▬▬▬▬ ▬▬▬ ▬ ▬▬▬▬ ▬▬ ▬▬▬▬▬ ▬▬▬ ▬▬ ▬▬▬▬ ▬▬▬ ▬ ▬▬▬▬▬ ▬▬ ▬▬▬ ▬▬▬▬ ▬▬ ▬▬▬ ▬▬▬▬▬ ▬ ▬▬▬▬ ▬▬ ▬▬▬ ▬▬▬▬ ▬▬▬ ▬▬ ▬▬▬▬▬ ▬ ▬▬▬ ▬▬▬▬ ▬▬ ▬▬▬ ▬▬▬▬▬ ▬▬ ▬▬▬▬ ▬▬▬ ▬ ▬▬▬▬ ▬▬ ▬▬▬▬▬ ▬▬▬ ▬▬ ▬▬▬▬ ▬▬▬ ▬ ▬▬▬▬▬ ▬▬ ▬▬▬ ▬▬▬▬ ▬▬ ▬▬▬ ▬▬▬▬▬ ▬ ▬▬▬▬ ▬▬ ▬▬▬ ▬▬▬▬ ▬▬▬ ▬▬ ▬▬▬▬▬ ▬ ▬▬▬ ▬▬▬▬ ▬▬ ▬▬▬ ▬▬▬▬▬ ▬▬ ▬▬▬▬ ▬▬▬ ▬ ▬▬▬▬ ▬▬ ▬▬▬▬▬ ▬▬▬ ▬▬ ▬▬▬▬ ▬▬▬ ▬ ▬▬▬▬▬ ▬▬ ▬▬▬ ▬▬▬▬ ▬▬ ▬▬▬ ▬▬▬▬▬ ▬ ▬▬▬▬ ▬▬ ▬▬▬ ▬▬▬▬ ▬▬▬ ▬▬ ▬▬▬▬▬
मलिंगा के...
( प्रथम पृष्ठ का शेष )
▬▬ ▬▬▬ ▬ ▬▬▬▬ ▬▬ ▬▬▬ ▬▬▬▬▬ ▬ ▬▬ ▬▬▬▬ ▬▬▬ ▬▬ ▬▬▬▬▬ ▬▬▬ ▬ ▬▬▬▬ ▬▬ ▬▬▬ ▬▬▬▬ ▬▬ ▬▬▬▬▬ ▬ ▬▬▬ ▬▬ ▬▬▬▬ ▬▬▬ ▬▬▬▬ ▬▬ ▬ ▬▬▬ ▬▬▬▬▬ ▬▬ ▬▬▬ ▬▬▬▬ ▬▬ ▬▬▬ ▬ ▬▬▬▬ ▬▬ ▬▬▬▬▬ ▬▬▬ ▬▬ ▬▬▬▬ ▬ ▬▬▬ ▬▬▬▬ ▬▬ ▬▬▬▬▬ ▬▬ ▬▬▬ ▬▬▬▬ ▬ ▬▬ ▬▬▬▬▬ ▬▬▬ ▬▬ ▬▬▬▬ ▬▬▬ ▬ ▬▬▬▬▬ ▬▬ ▬▬▬ ▬▬▬▬ ▬▬ ▬▬▬ ▬▬▬▬▬ ▬ ▬▬▬▬ ▬▬ ▬▬▬ ▬▬▬▬ ▬▬▬ ▬▬ ▬▬▬▬▬ ▬ ▬▬▬ ▬▬▬▬ ▬▬ ▬▬▬ ▬▬▬▬▬ ▬▬ ▬▬▬▬ ▬▬▬ ▬ ▬▬▬▬ ▬▬ ▬▬▬▬▬ ▬▬▬ ▬▬ ▬▬▬▬ ▬▬▬ ▬ ▬▬▬▬▬ ▬▬ ▬▬▬ ▬▬▬▬ ▬▬ ▬▬▬ ▬▬▬▬▬ ▬ ▬▬▬▬ ▬▬ ▬▬▬ ▬▬▬▬ ▬▬▬ ▬▬ ▬▬▬▬▬ ▬ ▬▬▬ ▬▬▬▬ ▬▬ ▬▬▬ ▬▬▬▬▬ ▬▬ ▬▬▬▬ ▬▬▬ ▬ ▬▬▬▬ ▬▬ ▬▬▬▬▬ ▬▬▬ ▬▬ ▬▬▬▬ ▬▬▬ ▬ ▬▬▬▬▬ ▬▬ ▬▬▬ ▬▬▬▬ ▬▬ ▬▬▬ ▬▬▬▬▬ ▬ ▬▬▬▬ ▬▬ ▬▬▬ ▬▬▬▬ ▬▬▬ ▬▬ ▬▬▬▬▬ ▬ ▬▬▬ ▬▬▬▬ ▬▬ ▬▬▬ ▬▬▬▬▬ ▬▬ ▬▬▬▬ ▬▬▬ ▬ ▬▬▬▬ ▬▬ ▬▬▬▬▬ ▬▬▬ ▬▬ ▬▬▬▬ ▬▬▬ ▬ ▬▬▬▬▬ ▬▬ ▬▬▬ ▬▬▬▬ ▬▬ ▬▬▬ ▬▬▬▬▬ ▬ ▬▬▬▬ ▬▬ ▬▬▬ ▬▬▬▬ ▬▬▬ ▬▬ ▬▬▬▬▬ ▬ ▬▬▬ ▬▬▬▬ ▬▬ ▬▬▬ ▬▬▬▬▬ ▬▬ ▬▬▬▬ ▬▬▬ ▬ ▬▬▬▬ ▬▬ ▬▬▬▬▬ ▬▬▬ ▬▬ ▬▬▬▬ ▬▬▬ ▬ ▬▬▬▬▬ ▬▬ ▬▬▬ ▬▬▬▬ ▬▬ ▬▬▬ ▬▬▬▬▬ ▬ ▬▬▬▬ ▬▬ ▬▬▬ ▬▬▬▬ ▬▬▬ ▬▬ ▬▬▬▬▬ ▬ ▬▬▬ ▬▬▬▬ ▬▬ ▬▬▬ ▬▬▬▬▬ ▬▬ ▬▬▬▬ ▬▬▬ ▬ ▬▬▬▬ ▬▬ ▬▬▬▬▬ ▬▬▬ ▬▬ ▬▬▬▬ ▬▬▬ ▬ ▬▬▬▬▬ ▬▬ ▬▬▬ ▬▬▬▬ ▬▬ ▬▬▬ ▬▬▬▬▬ ▬ ▬▬▬▬ ▬▬ ▬▬▬ ▬▬▬▬ ▬▬▬ ▬▬ ▬▬▬▬▬ ▬ ▬▬▬ ▬▬▬▬ ▬▬ ▬▬▬ ▬▬▬▬▬ ▬▬ ▬▬▬▬ ▬▬▬ ▬ ▬▬▬▬ ▬▬ ▬▬▬▬▬ ▬▬▬ ▬▬ ▬▬▬▬ ▬▬▬ ▬ ▬▬▬▬▬ ▬▬ ▬▬▬ ▬▬▬▬ ▬▬ ▬▬▬ ▬▬▬▬▬ ▬ ▬▬▬▬ ▬▬ ▬▬▬ ▬▬▬▬ ▬▬▬ ▬▬ ▬▬▬▬▬ ▬ ▬▬▬ ▬▬▬▬ ▬▬ ▬▬▬ ▬▬▬▬▬ ▬▬ ▬▬▬▬ ▬▬▬ ▬ ▬▬▬▬ ▬▬ ▬▬▬▬▬ ▬▬▬ ▬▬ ▬▬▬▬ ▬▬▬ ▬ ▬▬▬▬▬ ▬▬ ▬▬▬ ▬▬▬▬ ▬▬ ▬▬▬ ▬▬▬▬▬ ▬ ▬▬▬▬ ▬▬ ▬▬▬ ▬▬▬▬ ▬▬▬ ▬▬ ▬▬▬▬▬ ▬ ▬▬▬ ▬▬▬▬ ▬▬ ▬▬▬ ▬▬▬▬▬ ▬▬ ▬▬▬▬ ▬▬▬ ▬ ▬▬▬▬ ▬▬ ▬▬▬▬▬ ▬▬▬ ▬▬ ▬▬▬▬ ▬▬▬ ▬ ▬▬▬▬▬ ▬▬ ▬▬▬ ▬▬▬▬ ▬▬ ▬▬▬ ▬▬▬▬▬ ▬ ▬▬▬▬ ▬▬ ▬▬▬ ▬▬▬▬ ▬▬▬ ▬▬ ▬▬▬▬▬ ▬ ▬▬▬ ▬▬▬▬ ▬▬ ▬▬▬ ▬▬▬▬▬ ▬▬ ▬▬▬▬ ▬▬▬ ▬ ▬▬▬▬ ▬▬ ▬▬▬▬▬ ▬▬▬ ▬▬ ▬▬▬▬ ▬▬▬ ▬ ▬▬▬▬▬ ▬▬ ▬▬▬ ▬▬▬▬ ▬▬ ▬▬▬ ▬▬▬▬▬ ▬ ▬▬▬▬ ▬▬ ▬▬▬ ▬▬▬▬ ▬▬▬ ▬▬ ▬▬▬▬▬ ▬ ▬▬▬ ▬▬▬▬ ▬▬ ▬▬▬ ▬▬▬▬▬ ▬▬ ▬▬▬▬ ▬▬▬ ▬ ▬▬▬▬ ▬▬ ▬▬▬▬▬ ▬▬▬ ▬▬ ▬▬▬▬ ▬▬▬ ▬ ▬▬▬▬▬ ▬▬ ▬▬▬ ▬▬▬▬ ▬▬ ▬▬▬ ▬▬▬▬▬ ▬ ▬▬▬▬ ▬▬ ▬▬▬ ▬▬▬▬ ▬▬▬ ▬▬ ▬▬▬▬▬
' यदि मुझ पर हमला...
( प्रथम पृष्ठ का शेष )
▬▬ ▬▬▬ ▬ ▬▬▬▬ ▬▬ ▬▬▬ ▬▬▬▬▬ ▬ ▬▬ ▬▬▬▬ ▬▬▬ ▬▬ ▬▬▬▬▬ ▬▬▬ ▬ ▬▬▬▬ ▬▬ ▬▬▬ ▬▬▬▬ ▬▬ ▬▬▬▬▬ ▬ ▬▬▬ ▬▬ ▬▬▬▬ ▬▬▬ ▬▬▬▬ ▬▬ ▬ ▬▬▬ ▬▬▬▬▬ ▬▬ ▬▬▬ ▬▬▬▬ ▬▬ ▬▬▬ ▬ ▬▬▬▬ ▬▬ ▬▬▬▬▬ ▬▬▬ ▬▬ ▬▬▬▬ ▬ ▬▬▬ ▬▬▬▬ ▬▬ ▬▬▬▬▬ ▬▬ ▬▬▬ ▬▬▬▬ ▬ ▬▬ ▬▬▬▬▬ ▬▬▬ ▬▬ ▬▬▬▬ ▬▬▬ ▬ ▬▬▬▬▬ ▬▬ ▬▬▬ ▬▬▬▬ ▬▬ ▬▬▬ ▬▬▬▬▬ ▬ ▬▬▬▬ ▬▬ ▬▬▬ ▬▬▬▬ ▬▬▬ ▬▬ ▬▬▬▬▬ ▬ ▬▬▬ ▬▬▬▬ ▬▬ ▬▬▬ ▬▬▬▬▬ ▬▬ ▬▬▬▬ ▬▬▬ ▬ ▬▬▬▬ ▬▬ ▬▬▬▬▬ ▬▬▬ ▬▬ ▬▬▬▬ ▬▬▬ ▬ ▬▬▬▬▬ ▬▬ ▬▬▬ ▬▬▬▬ ▬▬ ▬▬▬ ▬▬▬▬▬ ▬ ▬▬▬▬ ▬▬ ▬▬▬ ▬▬▬▬ ▬▬▬ ▬▬ ▬▬▬▬▬ ▬ ▬▬▬ ▬▬▬▬ ▬▬ ▬▬▬ ▬▬▬▬▬ ▬▬ ▬▬▬▬ ▬▬▬ ▬ ▬▬▬▬ ▬▬ ▬▬▬▬▬ ▬▬▬ ▬▬ ▬▬▬▬ ▬▬▬ ▬ ▬▬▬▬▬ ▬▬ ▬▬▬ ▬▬▬▬ ▬▬ ▬▬▬ ▬▬▬▬▬ ▬ ▬▬▬▬ ▬▬ ▬▬▬ ▬▬▬▬ ▬▬▬ ▬▬ ▬▬▬▬▬ ▬ ▬▬▬ ▬▬▬▬ ▬▬ ▬▬▬ ▬▬▬▬▬ ▬▬ ▬▬▬▬ ▬▬▬ ▬ ▬▬▬▬ ▬▬ ▬▬▬▬▬ ▬▬▬ ▬▬ ▬▬▬▬ ▬▬▬ ▬ ▬▬▬▬▬ ▬▬ ▬▬▬ ▬▬▬▬ ▬▬ ▬▬▬ ▬▬▬▬▬ ▬ ▬▬▬▬ ▬▬ ▬▬▬ ▬▬▬▬ ▬▬▬ ▬▬ ▬▬▬▬▬ ▬ ▬▬▬ ▬▬▬▬ ▬▬ ▬▬▬ ▬▬▬▬▬ ▬▬ ▬▬▬▬ ▬▬▬ ▬ ▬▬▬▬ ▬▬ ▬▬▬▬▬ ▬▬▬ ▬▬ ▬▬▬▬ ▬▬▬ ▬ ▬▬▬▬▬ ▬▬ ▬▬▬ ▬▬▬▬ ▬▬ ▬▬▬ ▬▬▬▬▬ ▬ ▬▬▬▬ ▬▬ ▬▬▬ ▬▬▬▬ ▬▬▬ ▬▬ ▬▬▬▬▬ ▬ ▬▬▬ ▬▬▬▬ ▬▬ ▬▬▬ ▬▬▬▬▬ ▬▬ ▬▬▬▬ ▬▬▬ ▬ ▬▬▬▬ ▬▬ ▬▬▬▬▬ ▬▬▬ ▬▬ ▬▬▬▬ ▬▬▬ ▬ ▬▬▬▬▬ ▬▬ ▬▬▬ ▬▬▬▬ ▬▬ ▬▬▬ ▬▬▬▬▬ ▬ ▬▬▬▬ ▬▬ ▬▬▬ ▬▬▬▬ ▬▬▬ ▬▬ ▬▬▬▬▬ ▬ ▬▬▬ ▬▬▬▬ ▬▬ ▬▬▬ ▬▬▬▬▬ ▬▬ ▬▬▬▬ ▬▬▬ ▬ ▬▬▬▬ ▬▬ ▬▬▬▬▬ ▬▬▬ ▬▬ ▬▬▬▬ ▬▬▬ ▬ ▬▬▬▬▬ ▬▬ ▬▬▬ ▬▬▬▬ ▬▬ ▬▬▬ ▬▬▬▬▬ ▬ ▬▬▬▬ ▬▬ ▬▬▬ ▬▬▬▬ ▬▬▬ ▬▬ ▬▬▬▬▬ ▬ ▬▬▬ ▬▬▬▬ ▬▬ ▬▬▬ ▬▬▬▬▬ ▬▬ ▬▬▬▬ ▬▬▬ ▬ ▬▬▬▬ ▬▬ ▬▬▬▬▬ ▬▬▬ ▬▬ ▬▬▬▬ ▬▬▬ ▬ ▬▬▬▬▬ ▬▬ ▬▬▬ ▬▬▬▬ ▬▬ ▬▬▬ ▬▬▬▬▬ ▬ ▬▬▬▬ ▬▬ ▬▬▬ ▬▬▬▬ ▬▬▬ ▬▬ ▬▬▬▬▬ ▬ ▬▬▬ ▬▬▬▬ ▬▬ ▬▬▬ ▬▬▬▬▬ ▬▬ ▬▬▬▬ ▬▬▬ ▬ ▬▬▬▬ ▬▬ ▬▬▬▬▬ ▬▬▬ ▬▬ ▬▬▬▬ ▬▬▬ ▬ ▬▬▬▬▬ ▬▬ ▬▬▬ ▬▬▬▬ ▬▬ ▬▬▬ ▬▬▬▬▬ ▬ ▬▬▬▬ ▬▬ ▬▬▬ ▬▬▬▬ ▬▬▬ ▬▬ ▬▬▬▬▬ ▬ ▬▬▬ ▬▬▬▬ ▬▬ ▬▬▬ ▬▬▬▬▬ ▬▬ ▬▬▬▬ ▬▬▬ ▬ ▬▬▬▬ ▬▬ ▬▬▬▬▬ ▬▬▬ ▬▬ ▬▬▬▬ ▬▬▬ ▬ ▬▬▬▬▬ ▬▬ ▬▬▬ ▬▬▬▬ ▬▬ ▬▬▬ ▬▬▬▬▬ ▬ ▬▬▬▬ ▬▬ ▬▬▬ ▬▬▬▬ ▬▬▬ ▬▬ ▬▬▬▬▬ ▬ ▬▬▬ ▬▬▬▬ ▬▬ ▬▬▬ ▬▬▬▬▬ ▬▬ ▬▬▬▬ ▬▬▬ ▬ ▬▬▬▬ ▬▬ ▬▬▬▬▬ ▬▬▬ ▬▬ ▬▬▬▬ ▬▬▬ ▬ ▬▬▬▬▬ ▬▬ ▬▬▬ ▬▬▬▬ ▬▬ ▬▬▬ ▬▬▬▬▬ ▬ ▬▬▬▬ ▬▬ ▬▬▬ ▬▬▬▬ ▬▬▬ ▬▬ ▬▬▬▬▬
▬▬ ▬▬▬ ▬ ▬▬▬▬ ▬▬ ▬▬▬ ▬▬▬▬▬ ▬ ▬▬ ▬▬▬▬ ▬▬▬ ▬▬ ▬▬▬▬▬ ▬▬▬ ▬ ▬▬▬▬ ▬▬ ▬▬▬ ▬▬▬▬ ▬▬ ▬▬▬▬▬ ▬ ▬▬▬ ▬▬ ▬▬▬▬ ▬▬▬ ▬▬▬▬ ▬▬ ▬ ▬▬▬ ▬▬▬▬▬ ▬▬ ▬▬▬ ▬▬▬▬ ▬▬ ▬▬▬ ▬ ▬▬▬▬ ▬▬ ▬▬▬▬▬ ▬▬▬ ▬▬ ▬▬▬▬ ▬ ▬▬▬ ▬▬▬▬ ▬▬ ▬▬▬▬▬ ▬▬ ▬▬▬ ▬▬▬▬ ▬ ▬▬ ▬▬▬▬▬ ▬▬▬ ▬▬ ▬▬▬▬ ▬▬▬ ▬ ▬▬▬▬▬ ▬▬ ▬▬▬ ▬▬▬▬ ▬▬ ▬▬▬ ▬▬▬▬▬ ▬ ▬▬▬▬ ▬▬ ▬▬▬ ▬▬▬▬ ▬▬▬ ▬▬ ▬▬▬▬▬ ▬ ▬▬▬ ▬▬▬▬ ▬▬ ▬▬▬ ▬▬▬▬▬ ▬▬ ▬▬▬▬ ▬▬▬ ▬ ▬▬▬▬ ▬▬ ▬▬▬▬▬ ▬▬▬ ▬▬ ▬▬▬▬ ▬▬▬ ▬ ▬▬▬▬▬ ▬▬ ▬▬▬ ▬▬▬▬ ▬▬ ▬▬▬ ▬▬▬▬▬ ▬ ▬▬▬▬ ▬▬ ▬▬▬ ▬▬▬▬ ▬▬▬ ▬▬ ▬▬▬▬▬ ▬ ▬▬▬ ▬▬▬▬ ▬▬ ▬▬▬ ▬▬▬▬▬ ▬▬ ▬▬▬▬ ▬▬▬ ▬ ▬▬▬▬ ▬▬ ▬▬▬▬▬ ▬▬▬ ▬▬ ▬▬▬▬ ▬▬▬ ▬ ▬▬▬▬▬ ▬▬ ▬▬▬ ▬▬▬▬ ▬▬ ▬▬▬ ▬▬▬▬▬ ▬ ▬▬▬▬ ▬▬ ▬▬▬ ▬▬▬▬ ▬▬▬ ▬▬ ▬▬▬▬▬ ▬ ▬▬▬ ▬▬▬▬ ▬▬ ▬▬▬ ▬▬▬▬▬ ▬▬ ▬▬▬▬ ▬▬▬ ▬ ▬▬▬▬ ▬▬ ▬▬▬▬▬ ▬▬▬ ▬▬ ▬▬▬▬ ▬▬▬ ▬ ▬▬▬▬▬ ▬▬ ▬▬▬ ▬▬▬▬ ▬▬ ▬▬▬ ▬▬▬▬▬ ▬ ▬▬▬▬ ▬▬ ▬▬▬ ▬▬▬▬ ▬▬▬ ▬▬ ▬▬▬▬▬ ▬ ▬▬▬ ▬▬▬▬ ▬▬ ▬▬▬ ▬▬▬▬▬ ▬▬ ▬▬▬▬ ▬▬▬ ▬ ▬▬▬▬ ▬▬ ▬▬▬▬▬ ▬▬▬ ▬▬ ▬▬▬▬ ▬▬▬ ▬ ▬▬▬▬▬ ▬▬ ▬▬▬ ▬▬▬▬ ▬▬ ▬▬▬ ▬▬▬▬▬ ▬ ▬▬▬▬ ▬▬ ▬▬▬ ▬▬▬▬ ▬▬▬ ▬▬ ▬▬▬▬▬ ▬ ▬▬▬ ▬▬▬▬ ▬▬ ▬▬▬ ▬▬▬▬▬ ▬▬ ▬▬▬▬ ▬▬▬ ▬ ▬▬▬▬ ▬▬ ▬▬▬▬▬ ▬▬▬ ▬▬ ▬▬▬▬ ▬▬▬ ▬ ▬▬▬▬▬ ▬▬ ▬▬▬ ▬▬▬▬ ▬▬ ▬▬▬ ▬▬▬▬▬ ▬ ▬▬▬▬ ▬▬ ▬▬▬ ▬▬▬▬ ▬▬▬ ▬▬ ▬▬▬▬▬ ▬ ▬▬▬ ▬▬▬▬ ▬▬ ▬▬▬ ▬▬▬▬▬ ▬▬ ▬▬▬▬ ▬▬▬ ▬ ▬▬▬▬ ▬▬ ▬▬▬▬▬ ▬▬▬ ▬▬ ▬▬▬▬ ▬▬▬ ▬ ▬▬▬▬▬ ▬▬ ▬▬▬ ▬▬▬▬ ▬▬ ▬▬▬ ▬▬▬▬▬ ▬ ▬▬▬▬ ▬▬ ▬▬▬ ▬▬▬▬ ▬▬▬ ▬▬ ▬▬▬▬▬ ▬ ▬▬▬ ▬▬▬▬ ▬▬ ▬▬▬ ▬▬▬▬▬ ▬▬ ▬▬▬▬ ▬▬▬ ▬ ▬▬▬▬ ▬▬ ▬▬▬▬▬ ▬▬▬ ▬▬ ▬▬▬▬ ▬▬▬ ▬ ▬▬▬▬▬ ▬▬ ▬▬▬ ▬▬▬▬ ▬▬ ▬▬▬ ▬▬▬▬▬ ▬ ▬▬▬▬ ▬▬ ▬▬▬ ▬▬▬▬ ▬▬▬ ▬▬ ▬▬▬▬▬ ▬ ▬▬▬ ▬▬▬▬ ▬▬ ▬▬▬ ▬▬▬▬▬ ▬▬ ▬▬▬▬ ▬▬▬ ▬ ▬▬▬▬ ▬▬ ▬▬▬▬▬ ▬▬▬ ▬▬ ▬▬▬▬ ▬▬▬ ▬ ▬▬▬▬▬ ▬▬ ▬▬▬ ▬▬▬▬ ▬▬ ▬▬▬ ▬▬▬▬▬ ▬ ▬▬▬▬ ▬▬ ▬▬▬ ▬▬▬▬ ▬▬▬ ▬▬ ▬▬▬▬▬ ▬ ▬▬▬ ▬▬▬▬ ▬▬ ▬▬▬ ▬▬▬▬▬ ▬▬ ▬▬▬▬ ▬▬▬ ▬ ▬▬▬▬ ▬▬ ▬▬▬▬▬ ▬▬▬ ▬▬ ▬▬▬▬ ▬▬▬ ▬ ▬▬▬▬▬ ▬▬ ▬▬▬ ▬▬▬▬ ▬▬ ▬▬▬ ▬▬▬▬▬ ▬ ▬▬▬▬ ▬▬ ▬▬▬ ▬▬▬▬ ▬▬▬ ▬▬ ▬▬▬▬▬ ▬ ▬▬▬ ▬▬▬▬ ▬▬ ▬▬▬ ▬▬▬▬▬ ▬▬ ▬▬▬▬ ▬▬▬ ▬ ▬▬▬▬ ▬▬ ▬▬▬▬▬ ▬▬▬ ▬▬ ▬▬▬▬ ▬▬▬ ▬ ▬▬▬▬▬ ▬▬ ▬▬▬ ▬▬▬▬ ▬▬ ▬▬▬ ▬▬▬▬▬ ▬ ▬▬▬▬ ▬▬ ▬▬▬ ▬▬▬▬ ▬▬▬ ▬▬ ▬▬▬▬▬
उदयपुर के जमीन कारोबारी और भाजपा नेता लक्ष्मण सिंह झाला ने प्रेस कॉन्फ्रेंस में यह आरोप लगाया। वह सारा विवाद आई.टी.सी. मर्मेंटोज़ होटल और उसके पास की जमीन पर कब्जे से जुड़ा है, जिसमें मार्बल व्यवसायी कपिल सुराणा ने लक्ष्मण सिंह झाला पर गंभीर आरोप लगाए हैं।
▬▬ ▬▬▬ ▬ ▬▬▬▬ ▬▬ ▬▬▬ ▬▬▬▬▬ ▬ ▬▬ ▬▬▬▬ ▬▬▬ ▬▬ ▬▬▬▬▬ ▬▬▬ ▬ ▬▬▬▬ ▬▬ ▬▬▬ ▬▬▬▬ ▬▬ ▬▬▬▬▬ ▬ ▬▬▬ ▬▬ ▬▬▬▬ ▬▬▬ ▬▬▬▬ ▬▬ ▬ ▬▬▬ ▬▬▬▬▬ ▬▬ ▬▬▬ ▬▬▬▬ ▬▬ ▬▬▬ ▬ ▬▬▬▬ ▬▬ ▬▬▬▬▬ ▬▬▬ ▬▬ ▬▬▬▬ ▬ ▬▬▬ ▬▬▬▬ ▬▬ ▬▬▬▬▬ ▬▬ ▬▬▬ ▬▬▬▬ ▬ ▬▬ ▬▬▬▬▬ ▬▬▬ ▬▬ ▬▬▬▬ ▬▬▬ ▬ ▬▬▬▬▬ ▬▬ ▬▬▬ ▬▬▬▬ ▬▬ ▬▬▬ ▬▬▬▬▬ ▬ ▬▬▬▬ ▬▬ ▬▬▬ ▬▬▬▬ ▬▬▬ ▬▬ ▬▬▬▬▬ ▬ ▬▬▬ ▬▬▬▬ ▬▬ ▬▬▬ ▬▬▬▬▬ ▬▬ ▬▬▬▬ ▬▬▬ ▬ ▬▬▬▬ ▬▬ ▬▬▬▬▬ ▬▬▬ ▬▬ ▬▬▬▬ ▬▬▬ ▬ ▬▬▬▬▬ ▬▬ ▬▬▬ ▬▬▬▬ ▬▬ ▬▬▬ ▬▬▬▬▬ ▬ ▬▬▬▬ ▬▬ ▬▬▬ ▬▬▬▬ ▬▬▬ ▬▬ ▬▬▬▬▬ ▬ ▬▬▬ ▬▬▬▬ ▬▬ ▬▬▬ ▬▬▬▬▬ ▬▬ ▬▬▬▬ ▬▬▬ ▬ ▬▬▬▬ ▬▬ ▬▬▬▬▬ ▬▬▬ ▬▬ ▬▬▬▬ ▬▬▬ ▬ ▬▬▬▬▬ ▬▬ ▬▬▬ ▬▬▬▬ ▬▬ ▬▬▬ ▬▬▬▬▬ ▬ ▬▬▬▬ ▬▬ ▬▬▬ ▬▬▬▬ ▬▬▬ ▬▬ ▬▬▬▬▬ ▬ ▬▬▬ ▬▬▬▬ ▬▬ ▬▬▬ ▬▬▬▬▬ ▬▬ ▬▬▬▬ ▬▬▬ ▬ ▬▬▬▬ ▬▬ ▬▬▬▬▬ ▬▬▬ ▬▬ ▬▬▬▬ ▬▬▬ ▬ ▬▬▬▬▬ ▬▬ ▬▬▬ ▬▬▬▬ ▬▬ ▬▬▬ ▬▬▬▬▬ ▬ ▬▬▬▬ ▬▬ ▬▬▬ ▬▬▬▬ ▬▬▬ ▬▬ ▬▬▬▬▬ ▬ ▬▬▬ ▬▬▬▬ ▬▬ ▬▬▬ ▬▬▬▬▬ ▬▬ ▬▬▬▬ ▬▬▬ ▬ ▬▬▬▬ ▬▬ ▬▬▬▬▬ ▬▬▬ ▬▬ ▬▬▬▬ ▬▬▬ ▬ ▬▬▬▬▬ ▬▬ ▬▬▬ ▬▬▬▬ ▬▬ ▬▬▬ ▬▬▬▬▬ ▬ ▬▬▬▬ ▬▬ ▬▬▬ ▬▬▬▬ ▬▬▬ ▬▬ ▬▬▬▬▬ ▬ ▬▬▬ ▬▬▬▬ ▬▬ ▬▬▬ ▬▬▬▬▬ ▬▬ ▬▬▬▬ ▬▬▬ ▬ ▬▬▬▬ ▬▬ ▬▬▬▬▬ ▬▬▬ ▬▬ ▬▬▬▬ ▬▬▬ ▬ ▬▬▬▬▬ ▬▬ ▬▬▬ ▬▬▬▬ ▬▬ ▬▬▬ ▬▬▬▬▬ ▬ ▬▬▬▬ ▬▬ ▬▬▬ ▬▬▬▬ ▬▬▬ ▬▬ ▬▬▬▬▬ ▬ ▬▬▬ ▬▬▬▬ ▬▬ ▬▬▬ ▬▬▬▬▬ ▬▬ ▬▬▬▬ ▬▬▬ ▬ ▬▬▬▬ ▬▬ ▬▬▬▬▬ ▬▬▬ ▬▬ ▬▬▬▬ ▬▬▬ ▬ ▬▬▬▬▬ ▬▬ ▬▬▬ ▬▬▬▬ ▬▬ ▬▬▬ ▬▬▬▬▬ ▬ ▬▬▬▬ ▬▬ ▬▬▬ ▬▬▬▬ ▬▬▬ ▬▬ ▬▬▬▬▬ ▬ ▬▬▬ ▬▬▬▬ ▬▬ ▬▬▬ ▬▬▬▬▬ ▬▬ ▬▬▬▬ ▬▬▬ ▬ ▬▬▬▬ ▬▬ ▬▬▬▬▬ ▬▬▬ ▬▬ ▬▬▬▬ ▬▬▬ ▬ ▬▬▬▬▬ ▬▬ ▬▬▬ ▬▬▬▬ ▬▬ ▬▬▬ ▬▬▬▬▬ ▬ ▬▬▬▬ ▬▬ ▬▬▬ ▬▬▬▬ ▬▬▬ ▬▬ ▬▬▬▬▬ ▬ ▬▬▬ ▬▬▬▬ ▬▬ ▬▬▬ ▬▬▬▬▬ ▬▬ ▬▬▬▬ ▬▬▬ ▬ ▬▬▬▬ ▬▬ ▬▬▬▬▬ ▬▬▬ ▬▬ ▬▬▬▬ ▬▬▬ ▬ ▬▬▬▬▬ ▬▬ ▬▬▬ ▬▬▬▬ ▬▬ ▬▬▬ ▬▬▬▬▬ ▬ ▬▬▬▬ ▬▬ ▬▬▬ ▬▬▬▬ ▬▬▬ ▬▬ ▬▬▬▬▬ ▬ ▬▬▬ ▬▬▬▬ ▬▬ ▬▬▬ ▬▬▬▬▬ ▬▬ ▬▬▬▬ ▬▬▬ ▬ ▬▬▬▬ ▬▬ ▬▬▬▬▬ ▬▬▬ ▬▬ ▬▬▬▬ ▬▬▬ ▬ ▬▬▬▬▬ ▬▬ ▬▬▬ ▬▬▬▬ ▬▬ ▬▬▬ ▬▬▬▬▬ ▬ ▬▬▬▬ ▬▬ ▬▬▬ ▬▬▬▬ ▬▬▬ ▬▬ ▬▬▬▬▬ ▬ ▬▬▬ ▬▬▬▬ ▬▬ ▬▬▬ ▬▬▬▬▬ ▬▬ ▬▬▬▬ ▬▬▬ ▬ ▬▬▬▬ ▬▬ ▬▬▬▬▬ ▬▬▬ ▬▬ ▬▬▬▬ ▬▬▬ ▬ ▬▬▬▬▬ ▬▬ ▬▬▬ ▬▬▬▬ ▬▬ ▬▬▬ ▬▬▬▬▬ ▬ ▬▬▬▬ ▬▬ ▬▬▬ ▬▬▬▬ ▬▬▬ ▬▬ ▬▬▬▬▬
▬▬ ▬▬▬ ▬ ▬▬▬▬ ▬▬ ▬▬▬ ▬▬▬▬▬ ▬ ▬▬ ▬▬▬▬ ▬▬▬ ▬▬ ▬▬▬▬▬ ▬▬▬ ▬ ▬▬▬▬ ▬▬ ▬▬▬ ▬▬▬▬ ▬▬ ▬▬▬▬▬ ▬ ▬▬▬ ▬▬ ▬▬▬▬ ▬▬▬ ▬▬▬▬ ▬▬ ▬ ▬▬▬ ▬▬▬▬▬ ▬▬ ▬▬▬ ▬▬▬▬ ▬▬ ▬▬▬ ▬ ▬▬▬▬ ▬▬ ▬▬▬▬▬ ▬▬▬ ▬▬ ▬▬▬▬ ▬ ▬▬▬ ▬▬▬▬ ▬▬ ▬▬▬▬▬ ▬▬ ▬▬▬ ▬▬▬▬ ▬ ▬▬ ▬▬▬▬▬ ▬▬▬ ▬▬ ▬▬▬▬ ▬▬▬ ▬ ▬▬▬▬▬ ▬▬ ▬▬▬ ▬▬▬▬ ▬▬ ▬▬▬ ▬▬▬▬▬ ▬ ▬▬▬▬ ▬▬ ▬▬▬ ▬▬▬▬ ▬▬▬ ▬▬ ▬▬▬▬▬ ▬ ▬▬▬ ▬▬▬▬ ▬▬ ▬▬▬ ▬▬▬▬▬ ▬▬ ▬▬▬▬ ▬▬▬ ▬ ▬▬▬▬ ▬▬ ▬▬▬▬▬ ▬▬▬ ▬▬ ▬▬▬▬ ▬▬▬ ▬ ▬▬▬▬▬ ▬▬ ▬▬▬ ▬▬▬▬ ▬▬ ▬▬▬ ▬▬▬▬▬ ▬ ▬▬▬▬ ▬▬ ▬▬▬ ▬▬▬▬ ▬▬▬ ▬▬ ▬▬▬▬▬ ▬ ▬▬▬ ▬▬▬▬ ▬▬ ▬▬▬ ▬▬▬▬▬ ▬▬ ▬▬▬▬ ▬▬▬ ▬ ▬▬▬▬ ▬▬ ▬▬▬▬▬ ▬▬▬ ▬▬ ▬▬▬▬ ▬▬▬ ▬ ▬▬▬▬▬ ▬▬ ▬▬▬ ▬▬▬▬ ▬▬ ▬▬▬ ▬▬▬▬▬ ▬ ▬▬▬▬ ▬▬ ▬▬▬ ▬▬▬▬ ▬▬▬ ▬▬ ▬▬▬▬▬ ▬ ▬▬▬ ▬▬▬▬ ▬▬ ▬▬▬ ▬▬▬▬▬ ▬▬ ▬▬▬▬ ▬▬▬ ▬ ▬▬▬▬ ▬▬ ▬▬▬▬▬ ▬▬▬ ▬▬ ▬▬▬▬ ▬▬▬ ▬ ▬▬▬▬▬ ▬▬ ▬▬▬ ▬▬▬▬ ▬▬ ▬▬▬ ▬▬▬▬▬ ▬ ▬▬▬▬ ▬▬ ▬▬▬ ▬▬▬▬ ▬▬▬ ▬▬ ▬▬▬▬▬ ▬ ▬▬▬ ▬▬▬▬ ▬▬ ▬▬▬ ▬▬▬▬▬ ▬▬ ▬▬▬▬ ▬▬▬ ▬ ▬▬▬▬ ▬▬ ▬▬▬▬▬ ▬▬▬ ▬▬ ▬▬▬▬ ▬▬▬ ▬ ▬▬▬▬▬ ▬▬ ▬▬▬ ▬▬▬▬ ▬▬ ▬▬▬ ▬▬▬▬▬ ▬ ▬▬▬▬ ▬▬ ▬▬▬ ▬▬▬▬ ▬▬▬ ▬▬ ▬▬▬▬▬ ▬ ▬▬▬ ▬▬▬▬ ▬▬ ▬▬▬ ▬▬▬▬▬ ▬▬ ▬▬▬▬ ▬▬▬ ▬ ▬▬▬▬ ▬▬ ▬▬▬▬▬ ▬▬▬ ▬▬ ▬▬▬▬ ▬▬▬ ▬ ▬▬▬▬▬ ▬▬ ▬▬▬ ▬▬▬▬ ▬▬ ▬▬▬ ▬▬▬▬▬ ▬ ▬▬▬▬ ▬▬ ▬▬▬ ▬▬▬▬ ▬▬▬ ▬▬ ▬▬▬▬▬ ▬ ▬▬▬ ▬▬▬▬ ▬▬ ▬▬▬ ▬▬▬▬▬ ▬▬ ▬▬▬▬ ▬▬▬ ▬ ▬▬▬▬ ▬▬ ▬▬▬▬▬ ▬▬▬ ▬▬ ▬▬▬▬ ▬▬▬ ▬ ▬▬▬▬▬ ▬▬ ▬▬▬ ▬▬▬▬ ▬▬ ▬▬▬ ▬▬▬▬▬ ▬ ▬▬▬▬ ▬▬ ▬▬▬ ▬▬▬▬ ▬▬▬ ▬▬ ▬▬▬▬▬ ▬ ▬▬▬ ▬▬▬▬ ▬▬ ▬▬▬ ▬▬▬▬▬ ▬▬ ▬▬▬▬ ▬▬▬ ▬ ▬▬▬▬ ▬▬ ▬▬▬▬▬ ▬▬▬ ▬▬ ▬▬▬▬ ▬▬▬ ▬ ▬▬▬▬▬ ▬▬ ▬▬▬ ▬▬▬▬ ▬▬ ▬▬▬ ▬▬▬▬▬ ▬ ▬▬▬▬ ▬▬ ▬▬▬ ▬▬▬▬ ▬▬▬ ▬▬ ▬▬▬▬▬ ▬ ▬▬▬ ▬▬▬▬ ▬▬ ▬▬▬ ▬▬▬▬▬ ▬▬ ▬▬▬▬ ▬▬▬ ▬ ▬▬▬▬ ▬▬ ▬▬▬▬▬ ▬▬▬ ▬▬ ▬▬▬▬ ▬▬▬ ▬ ▬▬▬▬▬ ▬▬ ▬▬▬ ▬▬▬▬ ▬▬ ▬▬▬ ▬▬▬▬▬ ▬ ▬▬▬▬ ▬▬ ▬▬▬ ▬▬▬▬ ▬▬▬ ▬▬ ▬▬▬▬▬ ▬ ▬▬▬ ▬▬▬▬ ▬▬ ▬▬▬ ▬▬▬▬▬ ▬▬ ▬▬▬▬ ▬▬▬ ▬ ▬▬▬▬ ▬▬ ▬▬▬▬▬ ▬▬▬ ▬▬ ▬▬▬▬ ▬▬▬ ▬ ▬▬▬▬▬ ▬▬ ▬▬▬ ▬▬▬▬ ▬▬ ▬▬▬ ▬▬▬▬▬ ▬ ▬▬▬▬ ▬▬ ▬▬▬ ▬▬▬▬ ▬▬▬ ▬▬ ▬▬▬▬▬ ▬ ▬▬▬ ▬▬▬▬ ▬▬ ▬▬▬ ▬▬▬▬▬ ▬▬ ▬▬▬▬ ▬▬▬ ▬ ▬▬▬▬ ▬▬ ▬▬▬▬▬ ▬▬▬ ▬▬ ▬▬▬▬ ▬▬▬ ▬ ▬▬▬▬▬ ▬▬ ▬▬▬ ▬▬▬▬ ▬▬ ▬▬▬ ▬▬▬▬▬ ▬ ▬▬▬▬ ▬▬ ▬▬▬ ▬▬▬▬ ▬▬▬ ▬▬ ▬▬▬▬▬
▬▬ ▬▬▬ ▬ ▬▬▬▬ ▬▬ ▬▬▬ ▬▬▬▬▬ ▬ ▬▬ ▬▬▬▬ ▬▬▬ ▬▬ ▬▬▬▬▬ ▬▬▬ ▬ ▬▬▬▬ ▬▬ ▬▬▬ ▬▬▬▬ ▬▬ ▬▬▬▬▬ ▬ ▬▬▬ ▬▬ ▬▬▬▬ ▬▬▬ ▬▬▬▬ ▬▬ ▬ ▬▬▬ ▬▬▬▬▬ ▬▬ ▬▬▬ ▬▬▬▬ ▬▬ ▬▬▬ ▬ ▬▬▬▬ ▬▬ ▬▬▬▬▬ ▬▬▬ ▬▬ ▬▬▬▬ ▬ ▬▬▬ ▬▬▬▬ ▬▬ ▬▬▬▬▬ ▬▬ ▬▬▬ ▬▬▬▬ ▬ ▬▬ ▬▬▬▬▬ ▬▬▬ ▬▬ ▬▬▬▬ ▬▬▬ ▬ ▬▬▬▬▬ ▬▬ ▬▬▬ ▬▬▬▬ ▬▬ ▬▬▬ ▬▬▬▬▬ ▬ ▬▬▬▬ ▬▬ ▬▬▬ ▬▬▬▬ ▬▬▬ ▬▬ ▬▬▬▬▬ ▬ ▬▬▬ ▬▬▬▬ ▬▬ ▬▬▬ ▬▬▬▬▬ ▬▬ ▬▬▬▬ ▬▬▬ ▬ ▬▬▬▬ ▬▬ ▬▬▬▬▬ ▬▬▬ ▬▬ ▬▬▬▬ ▬▬▬ ▬ ▬▬▬▬▬ ▬▬ ▬▬▬ ▬▬▬▬ ▬▬ ▬▬▬ ▬▬▬▬▬ ▬ ▬▬▬▬ ▬▬ ▬▬▬ ▬▬▬▬ ▬▬▬ ▬▬ ▬▬▬▬▬ ▬ ▬▬▬ ▬▬▬▬ ▬▬ ▬▬▬ ▬▬▬▬▬ ▬▬ ▬▬▬▬ ▬▬▬ ▬ ▬▬▬▬ ▬▬ ▬▬▬▬▬ ▬▬▬ ▬▬ ▬▬▬▬ ▬▬▬ ▬ ▬▬▬▬▬ ▬▬ ▬▬▬ ▬▬▬▬ ▬▬ ▬▬▬ ▬▬▬▬▬ ▬ ▬▬▬▬ ▬▬ ▬▬▬ ▬▬▬▬ ▬▬▬ ▬▬ ▬▬▬▬▬ ▬ ▬▬▬ ▬▬▬▬ ▬▬ ▬▬▬ ▬▬▬▬▬ ▬▬ ▬▬▬▬ ▬▬▬ ▬ ▬▬▬▬ ▬▬ ▬▬▬▬▬ ▬▬▬ ▬▬ ▬▬▬▬ ▬▬▬ ▬ ▬▬▬▬▬ ▬▬ ▬▬▬ ▬▬▬▬ ▬▬ ▬▬▬ ▬▬▬▬▬ ▬ ▬▬▬▬ ▬▬ ▬▬▬ ▬▬▬▬ ▬▬▬ ▬▬ ▬▬▬▬▬ ▬ ▬▬▬ ▬▬▬▬ ▬▬ ▬▬▬ ▬▬▬▬▬ ▬▬ ▬▬▬▬ ▬▬▬ ▬ ▬▬▬▬ ▬▬ ▬▬▬▬▬ ▬▬▬ ▬▬ ▬▬▬▬ ▬▬▬ ▬ ▬▬▬▬▬ ▬▬ ▬▬▬ ▬▬▬▬ ▬▬ ▬▬▬ ▬▬▬▬▬ ▬ ▬▬▬▬ ▬▬ ▬▬▬ ▬▬▬▬ ▬▬▬ ▬▬ ▬▬▬▬▬ ▬ ▬▬▬ ▬▬▬▬ ▬▬ ▬▬▬ ▬▬▬▬▬ ▬▬ ▬▬▬▬ ▬▬▬ ▬ ▬▬▬▬ ▬▬ ▬▬▬▬▬ ▬▬▬ ▬▬ ▬▬▬▬ ▬▬▬ ▬ ▬▬▬▬▬ ▬▬ ▬▬▬ ▬▬▬▬ ▬▬ ▬▬▬ ▬▬▬▬▬ ▬ ▬▬▬▬ ▬▬ ▬▬▬ ▬▬▬▬ ▬▬▬ ▬▬ ▬▬▬▬▬ ▬ ▬▬▬ ▬▬▬▬ ▬▬ ▬▬▬ ▬▬▬▬▬ ▬▬ ▬▬▬▬ ▬▬▬ ▬ ▬▬▬▬ ▬▬ ▬▬▬▬▬ ▬▬▬ ▬▬ ▬▬▬▬ ▬▬▬ ▬ ▬▬▬▬▬ ▬▬ ▬▬▬ ▬▬▬▬ ▬▬ ▬▬▬ ▬▬▬▬▬ ▬ ▬▬▬▬ ▬▬ ▬▬▬ ▬▬▬▬ ▬▬▬ ▬▬ ▬▬▬▬▬ ▬ ▬▬▬ ▬▬▬▬ ▬▬ ▬▬▬ ▬▬▬▬▬ ▬▬ ▬▬▬▬ ▬▬▬ ▬ ▬▬▬▬ ▬▬ ▬▬▬▬▬ ▬▬▬ ▬▬ ▬▬▬▬ ▬▬▬ ▬ ▬▬▬▬▬ ▬▬ ▬▬▬ ▬▬▬▬ ▬▬ ▬▬▬ ▬▬▬▬▬ ▬ ▬▬▬▬ ▬▬ ▬▬▬ ▬▬▬▬ ▬▬▬ ▬▬ ▬▬▬▬▬ ▬ ▬▬▬ ▬▬▬▬ ▬▬ ▬▬▬ ▬▬▬▬▬ ▬▬ ▬▬▬▬ ▬▬▬ ▬ ▬▬▬▬ ▬▬ ▬▬▬▬▬ ▬▬▬ ▬▬ ▬▬▬▬ ▬▬▬ ▬ ▬▬▬▬▬ ▬▬ ▬▬▬ ▬▬▬▬ ▬▬ ▬▬▬ ▬▬▬▬▬ ▬ ▬▬▬▬ ▬▬ ▬▬▬ ▬▬▬▬ ▬▬▬ ▬▬ ▬▬▬▬▬ ▬ ▬▬▬ ▬▬▬▬ ▬▬ ▬▬▬ ▬▬▬▬▬ ▬▬ ▬▬▬▬ ▬▬▬ ▬ ▬▬▬▬ ▬▬ ▬▬▬▬▬ ▬▬▬ ▬▬ ▬▬▬▬ ▬▬▬ ▬ ▬▬▬▬▬ ▬▬ ▬▬▬ ▬▬▬▬ ▬▬ ▬▬▬ ▬▬▬▬▬ ▬ ▬▬▬▬ ▬▬ ▬▬▬ ▬▬▬▬ ▬▬▬ ▬▬ ▬▬▬▬▬ ▬ ▬▬▬ ▬▬▬▬ ▬▬ ▬▬▬ ▬▬▬▬▬ ▬▬ ▬▬▬▬ ▬▬▬ ▬ ▬▬▬▬ ▬▬ ▬▬▬▬▬ ▬▬▬ ▬▬ ▬▬▬▬ ▬▬▬ ▬ ▬▬▬▬▬ ▬▬ ▬▬▬ ▬▬▬▬ ▬▬ ▬▬▬ ▬▬▬▬▬ ▬ ▬▬▬▬ ▬▬ ▬▬▬ ▬▬▬▬ ▬▬▬ ▬▬ ▬▬▬▬▬
पूरे देश में...
( प्रथम पृष्ठ का शेष )
▬▬ ▬▬▬ ▬ ▬▬▬▬ ▬▬ ▬▬▬ ▬▬▬▬▬ ▬ ▬▬ ▬▬▬▬ ▬▬▬ ▬▬ ▬▬▬▬▬ ▬▬▬ ▬ ▬▬▬▬ ▬▬ ▬▬▬ ▬▬▬▬ ▬▬ ▬▬▬▬▬ ▬ ▬▬▬ ▬▬ ▬▬▬▬ ▬▬▬ ▬▬▬▬ ▬▬ ▬ ▬▬▬ ▬▬▬▬▬ ▬▬ ▬▬▬ ▬▬▬▬ ▬▬ ▬▬▬ ▬ ▬▬▬▬ ▬▬ ▬▬▬▬▬ ▬▬▬ ▬▬ ▬▬▬▬ ▬ ▬▬▬ ▬▬▬▬ ▬▬ ▬▬▬▬▬ ▬▬ ▬▬▬ ▬▬▬▬ ▬ ▬▬ ▬▬▬▬▬ ▬▬▬ ▬▬ ▬▬▬▬ ▬▬▬ ▬ ▬▬▬▬▬ ▬▬ ▬▬▬ ▬▬▬▬ ▬▬ ▬▬▬ ▬▬▬▬▬ ▬ ▬▬▬▬ ▬▬ ▬▬▬ ▬▬▬▬ ▬▬▬ ▬▬ ▬▬▬▬▬ ▬ ▬▬▬ ▬▬▬▬ ▬▬ ▬▬▬ ▬▬▬▬▬ ▬▬ ▬▬▬▬ ▬▬▬ ▬ ▬▬▬▬ ▬▬ ▬▬▬▬▬ ▬▬▬ ▬▬ ▬▬▬▬ ▬▬▬ ▬ ▬▬▬▬▬ ▬▬ ▬▬▬ ▬▬▬▬ ▬▬ ▬▬▬ ▬▬▬▬▬ ▬ ▬▬▬▬ ▬▬ ▬▬▬ ▬▬▬▬ ▬▬▬ ▬▬ ▬▬▬▬▬ ▬ ▬▬▬ ▬▬▬▬ ▬▬ ▬▬▬ ▬▬▬▬▬ ▬▬ ▬▬▬▬ ▬▬▬ ▬ ▬▬▬▬ ▬▬ ▬▬▬▬▬ ▬▬▬ ▬▬ ▬▬▬▬ ▬▬▬ ▬ ▬▬▬▬▬ ▬▬ ▬▬▬ ▬▬▬▬ ▬▬ ▬▬▬ ▬▬▬▬▬ ▬ ▬▬▬▬ ▬▬ ▬▬▬ ▬▬▬▬ ▬▬▬ ▬▬ ▬▬▬▬▬ ▬ ▬▬▬ ▬▬▬▬ ▬▬ ▬▬▬ ▬▬▬▬▬ ▬▬ ▬▬▬▬ ▬▬▬ ▬ ▬▬▬▬ ▬▬ ▬▬▬▬▬ ▬▬▬ ▬▬ ▬▬▬▬ ▬▬▬ ▬ ▬▬▬▬▬ ▬▬ ▬▬▬ ▬▬▬▬ ▬▬ ▬▬▬ ▬▬▬▬▬ ▬ ▬▬▬▬ ▬▬ ▬▬▬ ▬▬▬▬ ▬▬▬ ▬▬ ▬▬▬▬▬ ▬ ▬▬▬ ▬▬▬▬ ▬▬ ▬▬▬ ▬▬▬▬▬ ▬▬ ▬▬▬▬ ▬▬▬ ▬ ▬▬▬▬ ▬▬ ▬▬▬▬▬ ▬▬▬ ▬▬ ▬▬▬▬ ▬▬▬ ▬ ▬▬▬▬▬ ▬▬ ▬▬▬ ▬▬▬▬ ▬▬ ▬▬▬ ▬▬▬▬▬ ▬ ▬▬▬▬ ▬▬ ▬▬▬ ▬▬▬▬ ▬▬▬ ▬▬ ▬▬▬▬▬ ▬ ▬▬▬ ▬▬▬▬ ▬▬ ▬▬▬ ▬▬▬▬▬ ▬▬ ▬▬▬▬ ▬▬▬ ▬ ▬▬▬▬ ▬▬ ▬▬▬▬▬ ▬▬▬ ▬▬ ▬▬▬▬ ▬▬▬ ▬ ▬▬▬▬▬ ▬▬ ▬▬▬ ▬▬▬▬ ▬▬ ▬▬▬ ▬▬▬▬▬ ▬ ▬▬▬▬ ▬▬ ▬▬▬ ▬▬▬▬ ▬▬▬ ▬▬ ▬▬▬▬▬ ▬ ▬▬▬ ▬▬▬▬ ▬▬ ▬▬▬ ▬▬▬▬▬ ▬▬ ▬▬▬▬ ▬▬▬ ▬ ▬▬▬▬ ▬▬ ▬▬▬▬▬ ▬▬▬ ▬▬ ▬▬▬▬ ▬▬▬ ▬ ▬▬▬▬▬ ▬▬ ▬▬▬ ▬▬▬▬ ▬▬ ▬▬▬ ▬▬▬▬▬ ▬ ▬▬▬▬ ▬▬ ▬▬▬ ▬▬▬▬ ▬▬▬ ▬▬ ▬▬▬▬▬ ▬ ▬▬▬ ▬▬▬▬ ▬▬ ▬▬▬ ▬▬▬▬▬ ▬▬ ▬▬▬▬ ▬▬▬ ▬ ▬▬▬▬ ▬▬ ▬▬▬▬▬ ▬▬▬ ▬▬ ▬▬▬▬ ▬▬▬ ▬ ▬▬▬▬▬ ▬▬ ▬▬▬ ▬▬▬▬ ▬▬ ▬▬▬ ▬▬▬▬▬ ▬ ▬▬▬▬ ▬▬ ▬▬▬ ▬▬▬▬ ▬▬▬ ▬▬ ▬▬▬▬▬ ▬ ▬▬▬ ▬▬▬▬ ▬▬ ▬▬▬ ▬▬▬▬▬ ▬▬ ▬▬▬▬ ▬▬▬ ▬ ▬▬▬▬ ▬▬ ▬▬▬▬▬ ▬▬▬ ▬▬ ▬▬▬▬ ▬▬▬ ▬ ▬▬▬▬▬ ▬▬ ▬▬▬ ▬▬▬▬ ▬▬ ▬▬▬ ▬▬▬▬▬ ▬ ▬▬▬▬ ▬▬ ▬▬▬ ▬▬▬▬ ▬▬▬ ▬▬ ▬▬▬▬▬ ▬ ▬▬▬ ▬▬▬▬ ▬▬ ▬▬▬ ▬▬▬▬▬ ▬▬ ▬▬▬▬ ▬▬▬ ▬ ▬▬▬▬ ▬▬ ▬▬▬▬▬ ▬▬▬ ▬▬ ▬▬▬▬ ▬▬▬ ▬ ▬▬▬▬▬ ▬▬ ▬▬▬ ▬▬▬▬ ▬▬ ▬▬▬ ▬▬▬▬▬ ▬ ▬▬▬▬ ▬▬ ▬▬▬ ▬▬▬▬ ▬▬▬ ▬▬ ▬▬▬▬▬ ▬ ▬▬▬ ▬▬▬▬ ▬▬ ▬▬▬ ▬▬▬▬▬ ▬▬ ▬▬▬▬ ▬▬▬ ▬ ▬▬▬▬ ▬▬ ▬▬▬▬▬ ▬▬▬ ▬▬ ▬▬▬▬ ▬▬▬ ▬ ▬▬▬▬▬ ▬▬ ▬▬▬ ▬▬▬▬ ▬▬ ▬▬▬ ▬▬▬▬▬ ▬ ▬▬▬▬ ▬▬ ▬▬▬ ▬▬▬▬ ▬▬▬ ▬▬ ▬▬▬▬▬
छठे चरण में मतदान 59 प्रतिशत से अधिक
वोटिंग प्रतिशत के मामले में प.बंगाल सबसे आगे रहा, बंगाल में 78.19 वोटिंग हुई
नई दिल्ली, 25 मई (वार्ता)।
▬▬ ▬▬▬ ▬ ▬▬▬▬ ▬▬ ▬▬▬ ▬▬▬▬▬ ▬ ▬▬ ▬▬▬▬ ▬▬▬ ▬▬ ▬▬▬▬▬ ▬▬▬ ▬ ▬▬▬▬ ▬▬ ▬▬▬ ▬▬▬▬ ▬▬ ▬▬▬▬▬ ▬ ▬▬▬ ▬▬ ▬▬▬▬ ▬▬▬ ▬▬▬▬ ▬▬ ▬ ▬▬▬ ▬▬▬▬▬ ▬▬ ▬▬▬ ▬▬▬▬ ▬▬ ▬▬▬ ▬ ▬▬▬▬ ▬▬ ▬▬▬▬▬ ▬▬▬ ▬▬ ▬▬▬▬ ▬ ▬▬▬ ▬▬▬▬ ▬▬ ▬▬▬▬▬ ▬▬ ▬▬▬ ▬▬▬▬ ▬ ▬▬ ▬▬▬▬▬ ▬▬▬ ▬▬ ▬▬▬▬ ▬▬▬ ▬ ▬▬▬▬▬ ▬▬ ▬▬▬ ▬▬▬▬ ▬▬ ▬▬▬ ▬▬▬▬▬ ▬ ▬▬▬▬ ▬▬ ▬▬▬ ▬▬▬▬ ▬▬▬ ▬▬ ▬▬▬▬▬ ▬ ▬▬▬ ▬▬▬▬ ▬▬ ▬▬▬ ▬▬▬▬▬ ▬▬ ▬▬▬▬ ▬▬▬ ▬ ▬▬▬▬ ▬▬ ▬▬▬▬▬ ▬▬▬ ▬▬ ▬▬▬▬ ▬▬▬ ▬ ▬▬▬▬▬ ▬▬ ▬▬▬ ▬▬▬▬ ▬▬ ▬▬▬ ▬▬▬▬▬ ▬ ▬▬▬▬ ▬▬ ▬▬▬ ▬▬▬▬ ▬▬▬ ▬▬ ▬▬▬▬▬ ▬ ▬▬▬ ▬▬▬▬ ▬▬ ▬▬▬ ▬▬▬▬▬ ▬▬ ▬▬▬▬ ▬▬▬ ▬ ▬▬▬▬ ▬▬ ▬▬▬▬▬ ▬▬▬ ▬▬ ▬▬▬▬ ▬▬▬ ▬ ▬▬▬▬▬ ▬▬ ▬▬▬ ▬▬▬▬ ▬▬ ▬▬▬ ▬▬▬▬▬ ▬ ▬▬▬▬ ▬▬ ▬▬▬ ▬▬▬▬ ▬▬▬ ▬▬ ▬▬▬▬▬ ▬ ▬▬▬ ▬▬▬▬ ▬▬ ▬▬▬ ▬▬▬▬▬ ▬▬ ▬▬▬▬ ▬▬▬ ▬ ▬▬▬▬ ▬▬ ▬▬▬▬▬ ▬▬▬ ▬▬ ▬▬▬▬ ▬▬▬ ▬ ▬▬▬▬▬ ▬▬ ▬▬▬ ▬▬▬▬ ▬▬ ▬▬▬ ▬▬▬▬▬ ▬ ▬▬▬▬ ▬▬ ▬▬▬ ▬▬▬▬ ▬▬▬ ▬▬ ▬▬▬▬▬ ▬ ▬▬▬ ▬▬▬▬ ▬▬ ▬▬▬ ▬▬▬▬▬ ▬▬ ▬▬▬▬ ▬▬▬ ▬ ▬▬▬▬ ▬▬ ▬▬▬▬▬ ▬▬▬ ▬▬ ▬▬▬▬ ▬▬▬ ▬ ▬▬▬▬▬ ▬▬ ▬▬▬ ▬▬▬▬ ▬▬ ▬▬▬ ▬▬▬▬▬ ▬ ▬▬▬▬ ▬▬ ▬▬▬ ▬▬▬▬ ▬▬▬ ▬▬ ▬▬▬▬▬ ▬ ▬▬▬ ▬▬▬▬ ▬▬ ▬▬▬ ▬▬▬▬▬ ▬▬ ▬▬▬▬ ▬▬▬ ▬ ▬▬▬▬ ▬▬ ▬▬▬▬▬ ▬▬▬ ▬▬ ▬▬▬▬ ▬▬▬ ▬ ▬▬▬▬▬ ▬▬ ▬▬▬ ▬▬▬▬ ▬▬ ▬▬▬ ▬▬▬▬▬ ▬ ▬▬▬▬ ▬▬ ▬▬▬ ▬▬▬▬ ▬▬▬ ▬▬ ▬▬▬▬▬ ▬ ▬▬▬ ▬▬▬▬ ▬▬ ▬▬▬ ▬▬▬▬▬ ▬▬ ▬▬▬▬ ▬▬▬ ▬ ▬▬▬▬ ▬▬ ▬▬▬▬▬ ▬▬▬ ▬▬ ▬▬▬▬ ▬▬▬ ▬ ▬▬▬▬▬ ▬▬ ▬▬▬ ▬▬▬▬ ▬▬ ▬▬▬ ▬▬▬▬▬ ▬ ▬▬▬▬ ▬▬ ▬▬▬ ▬▬▬▬ ▬▬▬ ▬▬ ▬▬▬▬▬ ▬ ▬▬▬ ▬▬▬▬ ▬▬ ▬▬▬ ▬▬▬▬▬ ▬▬ ▬▬▬▬ ▬▬▬ ▬ ▬▬▬▬ ▬▬ ▬▬▬▬▬ ▬▬▬ ▬▬ ▬▬▬▬ ▬▬▬ ▬ ▬▬▬▬▬ ▬▬ ▬▬▬ ▬▬▬▬ ▬▬ ▬▬▬ ▬▬▬▬▬ ▬ ▬▬▬▬ ▬▬ ▬▬▬ ▬▬▬▬ ▬▬▬ ▬▬ ▬▬▬▬▬ ▬ ▬▬▬ ▬▬▬▬ ▬▬ ▬▬▬ ▬▬▬▬▬ ▬▬ ▬▬▬▬ ▬▬▬ ▬ ▬▬▬▬ ▬▬ ▬▬▬▬▬ ▬▬▬ ▬▬ ▬▬▬▬ ▬▬▬ ▬ ▬▬▬▬▬ ▬▬ ▬▬▬ ▬▬▬▬ ▬▬ ▬▬▬ ▬▬▬▬▬ ▬ ▬▬▬▬ ▬▬ ▬▬▬ ▬▬▬▬ ▬▬▬ ▬▬ ▬▬▬▬▬ ▬ ▬▬▬ ▬▬▬▬ ▬▬ ▬▬▬ ▬▬▬▬▬ ▬▬ ▬▬▬▬ ▬▬▬ ▬ ▬▬▬▬ ▬▬ ▬▬▬▬▬ ▬▬▬ ▬▬ ▬▬▬▬ ▬▬▬ ▬ ▬▬▬▬▬ ▬▬ ▬▬▬ ▬▬▬▬ ▬▬ ▬▬▬ ▬▬▬▬▬ ▬ ▬▬▬▬ ▬▬ ▬▬▬ ▬▬▬▬ ▬▬▬ ▬▬ ▬▬▬▬▬ ▬ ▬▬▬ ▬▬▬▬ ▬▬ ▬▬▬ ▬▬▬▬▬ ▬▬ ▬▬▬▬ ▬▬▬ ▬ ▬▬▬▬ ▬▬ ▬▬▬▬▬ ▬▬▬ ▬▬ ▬▬▬▬ ▬▬▬ ▬ ▬▬▬▬▬ ▬▬ ▬▬▬ ▬▬▬▬ ▬▬ ▬▬▬ ▬▬▬▬▬ ▬ ▬▬▬▬ ▬▬ ▬▬▬ ▬▬▬▬ ▬▬▬ ▬▬ ▬▬▬▬▬
जम्मू-कश्मीर की अनंतनाग-राजौरी संसदीय सीट पर भारी सुरक्षा के बीच 52.28 प्रतिशत मतदाताओं ने वोट डाला, जो 35 वर्ष का रिकार्ड है।
उप-राष्ट्रपति जगदीप धनखड़, मुख्य चुनाव आयुक्त राजीव कुमार, विदेश मंत्री एस. जयशंकर, कांग्रेस की पूर्व अध्यक्ष सोनिया गांधी, पार्टी के पूर्व अध्यक्ष राहुल गांधी, दिल्ली के मुख्यमंत्री अरविंद केजरीवाल और कई गणमान्य लोगों ने दिल्ली के विभिन्न मतदान केन्द्रों पर वोट डाले।
▬▬ ▬▬▬ ▬ ▬▬▬▬ ▬▬ ▬▬▬ ▬▬▬▬▬ ▬ ▬▬ ▬▬▬▬ ▬▬▬ ▬▬ ▬▬▬▬▬ ▬▬▬ ▬ ▬▬▬▬ ▬▬ ▬▬▬ ▬▬▬▬ ▬▬ ▬▬▬▬▬ ▬ ▬▬▬ ▬▬ ▬▬▬▬ ▬▬▬ ▬▬▬▬ ▬▬ ▬ ▬▬▬ ▬▬▬▬▬ ▬▬ ▬▬▬ ▬▬▬▬ ▬▬ ▬▬▬ ▬ ▬▬▬▬ ▬▬ ▬▬▬▬▬ ▬▬▬ ▬▬ ▬▬▬▬ ▬ ▬▬▬ ▬▬▬▬ ▬▬ ▬▬▬▬▬ ▬▬ ▬▬▬ ▬▬▬▬ ▬ ▬▬ ▬▬▬▬▬ ▬▬▬ ▬▬ ▬▬▬▬ ▬▬▬ ▬ ▬▬▬▬▬ ▬▬ ▬▬▬ ▬▬▬▬ ▬▬ ▬▬▬ ▬▬▬▬▬ ▬ ▬▬▬▬ ▬▬ ▬▬▬ ▬▬▬▬ ▬▬▬ ▬▬ ▬▬▬▬▬ ▬ ▬▬▬ ▬▬▬▬ ▬▬ ▬▬▬ ▬▬▬▬▬ ▬▬ ▬▬▬▬ ▬▬▬ ▬ ▬▬▬▬ ▬▬ ▬▬▬▬▬ ▬▬▬ ▬▬ ▬▬▬▬ ▬▬▬ ▬ ▬▬▬▬▬ ▬▬ ▬▬▬ ▬▬▬▬ ▬▬ ▬▬▬ ▬▬▬▬▬ ▬ ▬▬▬▬ ▬▬ ▬▬▬ ▬▬▬▬ ▬▬▬ ▬▬ ▬▬▬▬▬ ▬ ▬▬▬ ▬▬▬▬ ▬▬ ▬▬▬ ▬▬▬▬▬ ▬▬ ▬▬▬▬ ▬▬▬ ▬ ▬▬▬▬ ▬▬ ▬▬▬▬▬ ▬▬▬ ▬▬ ▬▬▬▬ ▬▬▬ ▬ ▬▬▬▬▬ ▬▬ ▬▬▬ ▬▬▬▬ ▬▬ ▬▬▬ ▬▬▬▬▬ ▬ ▬▬▬▬ ▬▬ ▬▬▬ ▬▬▬▬ ▬▬▬ ▬▬ ▬▬▬▬▬ ▬ ▬▬▬ ▬▬▬▬ ▬▬ ▬▬▬ ▬▬▬▬▬ ▬▬ ▬▬▬▬ ▬▬▬ ▬ ▬▬▬▬ ▬▬ ▬▬▬▬▬ ▬▬▬ ▬▬ ▬▬▬▬ ▬▬▬ ▬ ▬▬▬▬▬ ▬▬ ▬▬▬ ▬▬▬▬ ▬▬ ▬▬▬ ▬▬▬▬▬ ▬ ▬▬▬▬ ▬▬ ▬▬▬ ▬▬▬▬ ▬▬▬ ▬▬ ▬▬▬▬▬ ▬ ▬▬▬ ▬▬▬▬ ▬▬ ▬▬▬ ▬▬▬▬▬ ▬▬ ▬▬▬▬ ▬▬▬ ▬ ▬▬▬▬ ▬▬ ▬▬▬▬▬ ▬▬▬ ▬▬ ▬▬▬▬ ▬▬▬ ▬ ▬▬▬▬▬ ▬▬ ▬▬▬ ▬▬▬▬ ▬▬ ▬▬▬ ▬▬▬▬▬ ▬ ▬▬▬▬ ▬▬ ▬▬▬ ▬▬▬▬ ▬▬▬ ▬▬ ▬▬▬▬▬ ▬ ▬▬▬ ▬▬▬▬ ▬▬ ▬▬▬ ▬▬▬▬▬ ▬▬ ▬▬▬▬ ▬▬▬ ▬ ▬▬▬▬ ▬▬ ▬▬▬▬▬ ▬▬▬ ▬▬ ▬▬▬▬ ▬▬▬ ▬ ▬▬▬▬▬ ▬▬ ▬▬▬ ▬▬▬▬ ▬▬ ▬▬▬ ▬▬▬▬▬ ▬ ▬▬▬▬ ▬▬ ▬▬▬ ▬▬▬▬ ▬▬▬ ▬▬ ▬▬▬▬▬ ▬ ▬▬▬ ▬▬▬▬ ▬▬ ▬▬▬ ▬▬▬▬▬ ▬▬ ▬▬▬▬ ▬▬▬ ▬ ▬▬▬▬ ▬▬ ▬▬▬▬▬ ▬▬▬ ▬▬ ▬▬▬▬ ▬▬▬ ▬ ▬▬▬▬▬ ▬▬ ▬▬▬ ▬▬▬▬ ▬▬ ▬▬▬ ▬▬▬▬▬ ▬ ▬▬▬▬ ▬▬ ▬▬▬ ▬▬▬▬ ▬▬▬ ▬▬ ▬▬▬▬▬ ▬ ▬▬▬ ▬▬▬▬ ▬▬ ▬▬▬ ▬▬▬▬▬ ▬▬ ▬▬▬▬ ▬▬▬ ▬ ▬▬▬▬ ▬▬ ▬▬▬▬▬ ▬▬▬ ▬▬ ▬▬▬▬ ▬▬▬ ▬ ▬▬▬▬▬ ▬▬ ▬▬▬ ▬▬▬▬ ▬▬ ▬▬▬ ▬▬▬▬▬ ▬ ▬▬▬▬ ▬▬ ▬▬▬ ▬▬▬▬ ▬▬▬ ▬▬ ▬▬▬▬▬ ▬ ▬▬▬ ▬▬▬▬ ▬▬ ▬▬▬ ▬▬▬▬▬ ▬▬ ▬▬▬▬ ▬▬▬ ▬ ▬▬▬▬ ▬▬ ▬▬▬▬▬ ▬▬▬ ▬▬ ▬▬▬▬ ▬▬▬ ▬ ▬▬▬▬▬ ▬▬ ▬▬▬ ▬▬▬▬ ▬▬ ▬▬▬ ▬▬▬▬▬ ▬ ▬▬▬▬ ▬▬ ▬▬▬ ▬▬▬▬ ▬▬▬ ▬▬ ▬▬▬▬▬ ▬ ▬▬▬ ▬▬▬▬ ▬▬ ▬▬▬ ▬▬▬▬▬ ▬▬ ▬▬▬▬ ▬▬▬ ▬ ▬▬▬▬ ▬▬ ▬▬▬▬▬ ▬▬▬ ▬▬ ▬▬▬▬ ▬▬▬ ▬ ▬▬▬▬▬ ▬▬ ▬▬▬ ▬▬▬▬ ▬▬ ▬▬▬ ▬▬▬▬▬ ▬ ▬▬▬▬ ▬▬ ▬▬▬ ▬▬▬▬ ▬▬▬ ▬▬ ▬▬▬▬▬ ▬ ▬▬▬ ▬▬▬▬ ▬▬ ▬▬▬ ▬▬▬▬▬ ▬▬ ▬▬▬▬ ▬▬▬ ▬ ▬▬▬▬ ▬▬ ▬▬▬▬▬ ▬▬▬ ▬▬ ▬▬▬▬ ▬▬▬ ▬ ▬▬▬▬▬ ▬▬ ▬▬▬ ▬▬▬▬ ▬▬ ▬▬▬ ▬▬▬▬▬ ▬ ▬▬▬▬ ▬▬ ▬▬▬ ▬▬▬▬ ▬▬▬ ▬▬ ▬▬▬▬▬
▬▬ ▬▬▬ ▬ ▬▬▬▬ ▬▬ ▬▬▬ ▬▬▬▬▬ ▬ ▬▬ ▬▬▬▬ ▬▬▬ ▬▬ ▬▬▬▬▬ ▬▬▬ ▬ ▬▬▬▬ ▬▬ ▬▬▬ ▬▬▬▬ ▬▬ ▬▬▬▬▬ ▬ ▬▬▬ ▬▬ ▬▬▬▬ ▬▬▬ ▬▬▬▬ ▬▬ ▬ ▬▬▬ ▬▬▬▬▬ ▬▬ ▬▬▬ ▬▬▬▬ ▬▬ ▬▬▬ ▬ ▬▬▬▬ ▬▬ ▬▬▬▬▬ ▬▬▬ ▬▬ ▬▬▬▬ ▬ ▬▬▬ ▬▬▬▬ ▬▬ ▬▬▬▬▬ ▬▬ ▬▬▬ ▬▬▬▬ ▬ ▬▬ ▬▬▬▬▬ ▬▬▬ ▬▬ ▬▬▬▬ ▬▬▬ ▬ ▬▬▬▬▬ ▬▬ ▬▬▬ ▬▬▬▬ ▬▬ ▬▬▬ ▬▬▬▬▬ ▬ ▬▬▬▬ ▬▬ ▬▬▬ ▬▬▬▬ ▬▬▬ ▬▬ ▬▬▬▬▬ ▬ ▬▬▬ ▬▬▬▬ ▬▬ ▬▬▬ ▬▬▬▬▬ ▬▬ ▬▬▬▬ ▬▬▬ ▬ ▬▬▬▬ ▬▬ ▬▬▬▬▬ ▬▬▬ ▬▬ ▬▬▬▬ ▬▬▬ ▬ ▬▬▬▬▬ ▬▬ ▬▬▬ ▬▬▬▬ ▬▬ ▬▬▬ ▬▬▬▬▬ ▬ ▬▬▬▬ ▬▬ ▬▬▬ ▬▬▬▬ ▬▬▬ ▬▬ ▬▬▬▬▬ ▬ ▬▬▬ ▬▬▬▬ ▬▬ ▬▬▬ ▬▬▬▬▬ ▬▬ ▬▬▬▬ ▬▬▬ ▬ ▬▬▬▬ ▬▬ ▬▬▬▬▬ ▬▬▬ ▬▬ ▬▬▬▬ ▬▬▬ ▬ ▬▬▬▬▬ ▬▬ ▬▬▬ ▬▬▬▬ ▬▬ ▬▬▬ ▬▬▬▬▬ ▬ ▬▬▬▬ ▬▬ ▬▬▬ ▬▬▬▬ ▬▬▬ ▬▬ ▬▬▬▬▬ ▬ ▬▬▬ ▬▬▬▬ ▬▬ ▬▬▬ ▬▬▬▬▬ ▬▬ ▬▬▬▬ ▬▬▬ ▬ ▬▬▬▬ ▬▬ ▬▬▬▬▬ ▬▬▬ ▬▬ ▬▬▬▬ ▬▬▬ ▬ ▬▬▬▬▬ ▬▬ ▬▬▬ ▬▬▬▬ ▬▬ ▬▬▬ ▬▬▬▬▬ ▬ ▬▬▬▬ ▬▬ ▬▬▬ ▬▬▬▬ ▬▬▬ ▬▬ ▬▬▬▬▬ ▬ ▬▬▬ ▬▬▬▬ ▬▬ ▬▬▬ ▬▬▬▬▬ ▬▬ ▬▬▬▬ ▬▬▬ ▬ ▬▬▬▬ ▬▬ ▬▬▬▬▬ ▬▬▬ ▬▬ ▬▬▬▬ ▬▬▬ ▬ ▬▬▬▬▬ ▬▬ ▬▬▬ ▬▬▬▬ ▬▬ ▬▬▬ ▬▬▬▬▬ ▬ ▬▬▬▬ ▬▬ ▬▬▬ ▬▬▬▬ ▬▬▬ ▬▬ ▬▬▬▬▬ ▬ ▬▬▬ ▬▬▬▬ ▬▬ ▬▬▬ ▬▬▬▬▬ ▬▬ ▬▬▬▬ ▬▬▬ ▬ ▬▬▬▬ ▬▬ ▬▬▬▬▬ ▬▬▬ ▬▬ ▬▬▬▬ ▬▬▬ ▬ ▬▬▬▬▬ ▬▬ ▬▬▬ ▬▬▬▬ ▬▬ ▬▬▬ ▬▬▬▬▬ ▬ ▬▬▬▬ ▬▬ ▬▬▬ ▬▬▬▬ ▬▬▬ ▬▬ ▬▬▬▬▬ ▬ ▬▬▬ ▬▬▬▬ ▬▬ ▬▬▬ ▬▬▬▬▬ ▬▬ ▬▬▬▬ ▬▬▬ ▬ ▬▬▬▬ ▬▬ ▬▬▬▬▬ ▬▬▬ ▬▬ ▬▬▬▬ ▬▬▬ ▬ ▬▬▬▬▬ ▬▬ ▬▬▬ ▬▬▬▬ ▬▬ ▬▬▬ ▬▬▬▬▬ ▬ ▬▬▬▬ ▬▬ ▬▬▬ ▬▬▬▬ ▬▬▬ ▬▬ ▬▬▬▬▬ ▬ ▬▬▬ ▬▬▬▬ ▬▬ ▬▬▬ ▬▬▬▬▬ ▬▬ ▬▬▬▬ ▬▬▬ ▬ ▬▬▬▬ ▬▬ ▬▬▬▬▬ ▬▬▬ ▬▬ ▬▬▬▬ ▬▬▬ ▬ ▬▬▬▬▬ ▬▬ ▬▬▬ ▬▬▬▬ ▬▬ ▬▬▬ ▬▬▬▬▬ ▬ ▬▬▬▬ ▬▬ ▬▬▬ ▬▬▬▬ ▬▬▬ ▬▬ ▬▬▬▬▬ ▬ ▬▬▬ ▬▬▬▬ ▬▬ ▬▬▬ ▬▬▬▬▬ ▬▬ ▬▬▬▬ ▬▬▬ ▬ ▬▬▬▬ ▬▬ ▬▬▬▬▬ ▬▬▬ ▬▬ ▬▬▬▬ ▬▬▬ ▬ ▬▬▬▬▬ ▬▬ ▬▬▬ ▬▬▬▬ ▬▬ ▬▬▬ ▬▬▬▬▬ ▬ ▬▬▬▬ ▬▬ ▬▬▬ ▬▬▬▬ ▬▬▬ ▬▬ ▬▬▬▬▬ ▬ ▬▬▬ ▬▬▬▬ ▬▬ ▬▬▬ ▬▬▬▬▬ ▬▬ ▬▬▬▬ ▬▬▬ ▬ ▬▬▬▬ ▬▬ ▬▬▬▬▬ ▬▬▬ ▬▬ ▬▬▬▬ ▬▬▬ ▬ ▬▬▬▬▬ ▬▬ ▬▬▬ ▬▬▬▬ ▬▬ ▬▬▬ ▬▬▬▬▬ ▬ ▬▬▬▬ ▬▬ ▬▬▬ ▬▬▬▬ ▬▬▬ ▬▬ ▬▬▬▬▬ ▬ ▬▬▬ ▬▬▬▬ ▬▬ ▬▬▬ ▬▬▬▬▬ ▬▬ ▬▬▬▬ ▬▬▬ ▬ ▬▬▬▬ ▬▬ ▬▬▬▬▬ ▬▬▬ ▬▬ ▬▬▬▬ ▬▬▬ ▬ ▬▬▬▬▬ ▬▬ ▬▬▬ ▬▬▬▬ ▬▬ ▬▬▬ ▬▬▬▬▬ ▬ ▬▬▬▬ ▬▬ ▬▬▬ ▬▬▬▬ ▬▬▬ ▬▬ ▬▬▬▬▬
▬▬ ▬▬▬ ▬ ▬▬▬▬ ▬▬ ▬▬▬ ▬▬▬▬▬ ▬ ▬▬ ▬▬▬▬ ▬▬▬ ▬▬ ▬▬▬▬▬ ▬▬▬ ▬ ▬▬▬▬ ▬▬ ▬▬▬ ▬▬▬▬ ▬▬ ▬▬▬▬▬ ▬ ▬▬▬ ▬▬ ▬▬▬▬ ▬▬▬ ▬▬▬▬ ▬▬ ▬ ▬▬▬ ▬▬▬▬▬ ▬▬ ▬▬▬ ▬▬▬▬ ▬▬ ▬▬▬ ▬ ▬▬▬▬ ▬▬ ▬▬▬▬▬ ▬▬▬ ▬▬ ▬▬▬▬ ▬ ▬▬▬ ▬▬▬▬ ▬▬ ▬▬▬▬▬ ▬▬ ▬▬▬ ▬▬▬▬ ▬ ▬▬ ▬▬▬▬▬ ▬▬▬ ▬▬ ▬▬▬▬ ▬▬▬ ▬ ▬▬▬▬▬ ▬▬ ▬▬▬ ▬▬▬▬ ▬▬ ▬▬▬ ▬▬▬▬▬ ▬ ▬▬▬▬ ▬▬ ▬▬▬ ▬▬▬▬ ▬▬▬ ▬▬ ▬▬▬▬▬ ▬ ▬▬▬ ▬▬▬▬ ▬▬ ▬▬▬ ▬▬▬▬▬ ▬▬ ▬▬▬▬ ▬▬▬ ▬ ▬▬▬▬ ▬▬ ▬▬▬▬▬ ▬▬▬ ▬▬ ▬▬▬▬ ▬▬▬ ▬ ▬▬▬▬▬ ▬▬ ▬▬▬ ▬▬▬▬ ▬▬ ▬▬▬ ▬▬▬▬▬ ▬ ▬▬▬▬ ▬▬ ▬▬▬ ▬▬▬▬ ▬▬▬ ▬▬ ▬▬▬▬▬ ▬ ▬▬▬ ▬▬▬▬ ▬▬ ▬▬▬ ▬▬▬▬▬ ▬▬ ▬▬▬▬ ▬▬▬ ▬ ▬▬▬▬ ▬▬ ▬▬▬▬▬ ▬▬▬ ▬▬ ▬▬▬▬ ▬▬▬ ▬ ▬▬▬▬▬ ▬▬ ▬▬▬ ▬▬▬▬ ▬▬ ▬▬▬ ▬▬▬▬▬ ▬ ▬▬▬▬ ▬▬ ▬▬▬ ▬▬▬▬ ▬▬▬ ▬▬ ▬▬▬▬▬ ▬ ▬▬▬ ▬▬▬▬ ▬▬ ▬▬▬ ▬▬▬▬▬ ▬▬ ▬▬▬▬ ▬▬▬ ▬ ▬▬▬▬ ▬▬ ▬▬▬▬▬ ▬▬▬ ▬▬ ▬▬▬▬ ▬▬▬ ▬ ▬▬▬▬▬ ▬▬ ▬▬▬ ▬▬▬▬ ▬▬ ▬▬▬ ▬▬▬▬▬ ▬ ▬▬▬▬ ▬▬ ▬▬▬ ▬▬▬▬ ▬▬▬ ▬▬ ▬▬▬▬▬ ▬ ▬▬▬ ▬▬▬▬ ▬▬ ▬▬▬ ▬▬▬▬▬ ▬▬ ▬▬▬▬ ▬▬▬ ▬ ▬▬▬▬ ▬▬ ▬▬▬▬▬ ▬▬▬ ▬▬ ▬▬▬▬ ▬▬▬ ▬ ▬▬▬▬▬ ▬▬ ▬▬▬ ▬▬▬▬ ▬▬ ▬▬▬ ▬▬▬▬▬ ▬ ▬▬▬▬ ▬▬ ▬▬▬ ▬▬▬▬ ▬▬▬ ▬▬ ▬▬▬▬▬ ▬ ▬▬▬ ▬▬▬▬ ▬▬ ▬▬▬ ▬▬▬▬▬ ▬▬ ▬▬▬▬ ▬▬▬ ▬ ▬▬▬▬ ▬▬ ▬▬▬▬▬ ▬▬▬ ▬▬ ▬▬▬▬ ▬▬▬ ▬ ▬▬▬▬▬ ▬▬ ▬▬▬ ▬▬▬▬ ▬▬ ▬▬▬ ▬▬▬▬▬ ▬ ▬▬▬▬ ▬▬ ▬▬▬ ▬▬▬▬ ▬▬▬ ▬▬ ▬▬▬▬▬ ▬ ▬▬▬ ▬▬▬▬ ▬▬ ▬▬▬ ▬▬▬▬▬ ▬▬ ▬▬▬▬ ▬▬▬ ▬ ▬▬▬▬ ▬▬ ▬▬▬▬▬ ▬▬▬ ▬▬ ▬▬▬▬ ▬▬▬ ▬ ▬▬▬▬▬ ▬▬ ▬▬▬ ▬▬▬▬ ▬▬ ▬▬▬ ▬▬▬▬▬ ▬ ▬▬▬▬ ▬▬ ▬▬▬ ▬▬▬▬ ▬▬▬ ▬▬ ▬▬▬▬▬ ▬ ▬▬▬ ▬▬▬▬ ▬▬ ▬▬▬ ▬▬▬▬▬ ▬▬ ▬▬▬▬ ▬▬▬ ▬ ▬▬▬▬ ▬▬ ▬▬▬▬▬ ▬▬▬ ▬▬ ▬▬▬▬ ▬▬▬ ▬ ▬▬▬▬▬ ▬▬ ▬▬▬ ▬▬▬▬ ▬▬ ▬▬▬ ▬▬▬▬▬ ▬ ▬▬▬▬ ▬▬ ▬▬▬ ▬▬▬▬ ▬▬▬ ▬▬ ▬▬▬▬▬ ▬ ▬▬▬ ▬▬▬▬ ▬▬ ▬▬▬ ▬▬▬▬▬ ▬▬ ▬▬▬▬ ▬▬▬ ▬ ▬▬▬▬ ▬▬ ▬▬▬▬▬ ▬▬▬ ▬▬ ▬▬▬▬ ▬▬▬ ▬ ▬▬▬▬▬ ▬▬ ▬▬▬ ▬▬▬▬ ▬▬ ▬▬▬ ▬▬▬▬▬ ▬ ▬▬▬▬ ▬▬ ▬▬▬ ▬▬▬▬ ▬▬▬ ▬▬ ▬▬▬▬▬ ▬ ▬▬▬ ▬▬▬▬ ▬▬ ▬▬▬ ▬▬▬▬▬ ▬▬ ▬▬▬▬ ▬▬▬ ▬ ▬▬▬▬ ▬▬ ▬▬▬▬▬ ▬▬▬ ▬▬ ▬▬▬▬ ▬▬▬ ▬ ▬▬▬▬▬ ▬▬ ▬▬▬ ▬▬▬▬ ▬▬ ▬▬▬ ▬▬▬▬▬ ▬ ▬▬▬▬ ▬▬ ▬▬▬ ▬▬▬▬ ▬▬▬ ▬▬ ▬▬▬▬▬ ▬ ▬▬▬ ▬▬▬▬ ▬▬ ▬▬▬ ▬▬▬▬▬ ▬▬ ▬▬▬▬ ▬▬▬ ▬ ▬▬▬▬ ▬▬ ▬▬▬▬▬ ▬▬▬ ▬▬ ▬▬▬▬ ▬▬▬ ▬ ▬▬▬▬▬ ▬▬ ▬▬▬ ▬▬▬▬ ▬▬ ▬▬▬ ▬▬▬▬▬ ▬ ▬▬▬▬ ▬▬ ▬▬▬ ▬▬▬▬ ▬▬▬ ▬▬ ▬▬▬▬▬
▬▬ ▬▬▬ ▬ ▬▬▬▬ ▬▬ ▬▬▬ ▬▬▬▬▬ ▬ ▬▬ ▬▬▬▬ ▬▬▬ ▬▬ ▬▬▬▬▬ ▬▬▬ ▬ ▬▬▬▬ ▬▬ ▬▬▬ ▬▬▬▬ ▬▬ ▬▬▬▬▬ ▬ ▬▬▬ ▬▬ ▬▬▬▬ ▬▬▬ ▬▬▬▬ ▬▬ ▬ ▬▬▬ ▬▬▬▬▬ ▬▬ ▬▬▬ ▬▬▬▬ ▬▬ ▬▬▬ ▬ ▬▬▬▬ ▬▬ ▬▬▬▬▬ ▬▬▬ ▬▬ ▬▬▬▬ ▬ ▬▬▬ ▬▬▬▬ ▬▬ ▬▬▬▬▬ ▬▬ ▬▬▬ ▬▬▬▬ ▬ ▬▬ ▬▬▬▬▬ ▬▬▬ ▬▬ ▬▬▬▬ ▬▬▬ ▬ ▬▬▬▬▬ ▬▬ ▬▬▬ ▬▬▬▬ ▬▬ ▬▬▬ ▬▬▬▬▬ ▬ ▬▬▬▬ ▬▬ ▬▬▬ ▬▬▬▬ ▬▬▬ ▬▬ ▬▬▬▬▬ ▬ ▬▬▬ ▬▬▬▬ ▬▬ ▬▬▬ ▬▬▬▬▬ ▬▬ ▬▬▬▬ ▬▬▬ ▬ ▬▬▬▬ ▬▬ ▬▬▬▬▬ ▬▬▬ ▬▬ ▬▬▬▬ ▬▬▬ ▬ ▬▬▬▬▬ ▬▬ ▬▬▬ ▬▬▬▬ ▬▬ ▬▬▬ ▬▬▬▬▬ ▬ ▬▬▬▬ ▬▬ ▬▬▬ ▬▬▬▬ ▬▬▬ ▬▬ ▬▬▬▬▬ ▬ ▬▬▬ ▬▬▬▬ ▬▬ ▬▬▬ ▬▬▬▬▬ ▬▬ ▬▬▬▬ ▬▬▬ ▬ ▬▬▬▬ ▬▬ ▬▬▬▬▬ ▬▬▬ ▬▬ ▬▬▬▬ ▬▬▬ ▬ ▬▬▬▬▬ ▬▬ ▬▬▬ ▬▬▬▬ ▬▬ ▬▬▬ ▬▬▬▬▬ ▬ ▬▬▬▬ ▬▬ ▬▬▬ ▬▬▬▬ ▬▬▬ ▬▬ ▬▬▬▬▬ ▬ ▬▬▬ ▬▬▬▬ ▬▬ ▬▬▬ ▬▬▬▬▬ ▬▬ ▬▬▬▬ ▬▬▬ ▬ ▬▬▬▬ ▬▬ ▬▬▬▬▬ ▬▬▬ ▬▬ ▬▬▬▬ ▬▬▬ ▬ ▬▬▬▬▬ ▬▬ ▬▬▬ ▬▬▬▬ ▬▬ ▬▬▬ ▬▬▬▬▬ ▬ ▬▬▬▬ ▬▬ ▬▬▬ ▬▬▬▬ ▬▬▬ ▬▬ ▬▬▬▬▬ ▬ ▬▬▬ ▬▬▬▬ ▬▬ ▬▬▬ ▬▬▬▬▬ ▬▬ ▬▬▬▬ ▬▬▬ ▬ ▬▬▬▬ ▬▬ ▬▬▬▬▬ ▬▬▬ ▬▬ ▬▬▬▬ ▬▬▬ ▬ ▬▬▬▬▬ ▬▬ ▬▬▬ ▬▬▬▬ ▬▬ ▬▬▬ ▬▬▬▬▬ ▬ ▬▬▬▬ ▬▬ ▬▬▬ ▬▬▬▬ ▬▬▬ ▬▬ ▬▬▬▬▬ ▬ ▬▬▬ ▬▬▬▬ ▬▬ ▬▬▬ ▬▬▬▬▬ ▬▬ ▬▬▬▬ ▬▬▬ ▬ ▬▬▬▬ ▬▬ ▬▬▬▬▬ ▬▬▬ ▬▬ ▬▬▬▬ ▬▬▬ ▬ ▬▬▬▬▬ ▬▬ ▬▬▬ ▬▬▬▬ ▬▬ ▬▬▬ ▬▬▬▬▬ ▬ ▬▬▬▬ ▬▬ ▬▬▬ ▬▬▬▬ ▬▬▬ ▬▬ ▬▬▬▬▬ ▬ ▬▬▬ ▬▬▬▬ ▬▬ ▬▬▬ ▬▬▬▬▬ ▬▬ ▬▬▬▬ ▬▬▬ ▬ ▬▬▬▬ ▬▬ ▬▬▬▬▬ ▬▬▬ ▬▬ ▬▬▬▬ ▬▬▬ ▬ ▬▬▬▬▬ ▬▬ ▬▬▬ ▬▬▬▬ ▬▬ ▬▬▬ ▬▬▬▬▬ ▬ ▬▬▬▬ ▬▬ ▬▬▬ ▬▬▬▬ ▬▬▬ ▬▬ ▬▬▬▬▬ ▬ ▬▬▬ ▬▬▬▬ ▬▬ ▬▬▬ ▬▬▬▬▬ ▬▬ ▬▬▬▬ ▬▬▬ ▬ ▬▬▬▬ ▬▬ ▬▬▬▬▬ ▬▬▬ ▬▬ ▬▬▬▬ ▬▬▬ ▬ ▬▬▬▬▬ ▬▬ ▬▬▬ ▬▬▬▬ ▬▬ ▬▬▬ ▬▬▬▬▬ ▬ ▬▬▬▬ ▬▬ ▬▬▬ ▬▬▬▬ ▬▬▬ ▬▬ ▬▬▬▬▬ ▬ ▬▬▬ ▬▬▬▬ ▬▬ ▬▬▬ ▬▬▬▬▬ ▬▬ ▬▬▬▬ ▬▬▬ ▬ ▬▬▬▬ ▬▬ ▬▬▬▬▬ ▬▬▬ ▬▬ ▬▬▬▬ ▬▬▬ ▬ ▬▬▬▬▬ ▬▬ ▬▬▬ ▬▬▬▬ ▬▬ ▬▬▬ ▬▬▬▬▬ ▬ ▬▬▬▬ ▬▬ ▬▬▬ ▬▬▬▬ ▬▬▬ ▬▬ ▬▬▬▬▬ ▬ ▬▬▬ ▬▬▬▬ ▬▬ ▬▬▬ ▬▬▬▬▬ ▬▬ ▬▬▬▬ ▬▬▬ ▬ ▬▬▬▬ ▬▬ ▬▬▬▬▬ ▬▬▬ ▬▬ ▬▬▬▬ ▬▬▬ ▬ ▬▬▬▬▬ ▬▬ ▬▬▬ ▬▬▬▬ ▬▬ ▬▬▬ ▬▬▬▬▬ ▬ ▬▬▬▬ ▬▬ ▬▬▬ ▬▬▬▬ ▬▬▬ ▬▬ ▬▬▬▬▬ ▬ ▬▬▬ ▬▬▬▬ ▬▬ ▬▬▬ ▬▬▬▬▬ ▬▬ ▬▬▬▬ ▬▬▬ ▬ ▬▬▬▬ ▬▬ ▬▬▬▬▬ ▬▬▬ ▬▬ ▬▬▬▬ ▬▬▬ ▬ ▬▬▬▬▬ ▬▬ ▬▬▬ ▬▬▬▬ ▬▬ ▬▬▬ ▬▬▬▬▬ ▬ ▬▬▬▬ ▬▬ ▬▬▬ ▬▬▬▬ ▬▬▬ ▬▬ ▬▬▬▬▬
प्रशांत किशोर ने...
( प्रथम पृष्ठ का शेष )
▬▬ ▬▬▬ ▬ ▬▬▬▬ ▬▬ ▬▬▬ ▬▬▬▬▬ ▬ ▬▬ ▬▬▬▬ ▬▬▬ ▬▬ ▬▬▬▬▬ ▬▬▬ ▬ ▬▬▬▬ ▬▬ ▬▬▬ ▬▬▬▬ ▬▬ ▬▬▬▬▬ ▬ ▬▬▬ ▬▬ ▬▬▬▬ ▬▬▬ ▬▬▬▬ ▬▬ ▬ ▬▬▬ ▬▬▬▬▬ ▬▬ ▬▬▬ ▬▬▬▬ ▬▬ ▬▬▬ ▬ ▬▬▬▬ ▬▬ ▬▬▬▬▬ ▬▬▬ ▬▬ ▬▬▬▬ ▬ ▬▬▬ ▬▬▬▬ ▬▬ ▬▬▬▬▬ ▬▬ ▬▬▬ ▬▬▬▬ ▬ ▬▬ ▬▬▬▬▬ ▬▬▬ ▬▬ ▬▬▬▬ ▬▬▬ ▬ ▬▬▬▬▬ ▬▬ ▬▬▬ ▬▬▬▬ ▬▬ ▬▬▬ ▬▬▬▬▬ ▬ ▬▬▬▬ ▬▬ ▬▬▬ ▬▬▬▬ ▬▬▬ ▬▬ ▬▬▬▬▬ ▬ ▬▬▬ ▬▬▬▬ ▬▬ ▬▬▬ ▬▬▬▬▬ ▬▬ ▬▬▬▬ ▬▬▬ ▬ ▬▬▬▬ ▬▬ ▬▬▬▬▬ ▬▬▬ ▬▬ ▬▬▬▬ ▬▬▬ ▬ ▬▬▬▬▬ ▬▬ ▬▬▬ ▬▬▬▬ ▬▬ ▬▬▬ ▬▬▬▬▬ ▬ ▬▬▬▬ ▬▬ ▬▬▬ ▬▬▬▬ ▬▬▬ ▬▬ ▬▬▬▬▬ ▬ ▬▬▬ ▬▬▬▬ ▬▬ ▬▬▬ ▬▬▬▬▬ ▬▬ ▬▬▬▬ ▬▬▬ ▬ ▬▬▬▬ ▬▬ ▬▬▬▬▬ ▬▬▬ ▬▬ ▬▬▬▬ ▬▬▬ ▬ ▬▬▬▬▬ ▬▬ ▬▬▬ ▬▬▬▬ ▬▬ ▬▬▬ ▬▬▬▬▬ ▬ ▬▬▬▬ ▬▬ ▬▬▬ ▬▬▬▬ ▬▬▬ ▬▬ ▬▬▬▬▬ ▬ ▬▬▬ ▬▬▬▬ ▬▬ ▬▬▬ ▬▬▬▬▬ ▬▬ ▬▬▬▬ ▬▬▬ ▬ ▬▬▬▬ ▬▬ ▬▬▬▬▬ ▬▬▬ ▬▬ ▬▬▬▬ ▬▬▬ ▬ ▬▬▬▬▬ ▬▬ ▬▬▬ ▬▬▬▬ ▬▬ ▬▬▬ ▬▬▬▬▬ ▬ ▬▬▬▬ ▬▬ ▬▬▬ ▬▬▬▬ ▬▬▬ ▬▬ ▬▬▬▬▬ ▬ ▬▬▬ ▬▬▬▬ ▬▬ ▬▬▬ ▬▬▬▬▬ ▬▬ ▬▬▬▬ ▬▬▬ ▬ ▬▬▬▬ ▬▬ ▬▬▬▬▬ ▬▬▬ ▬▬ ▬▬▬▬ ▬▬▬ ▬ ▬▬▬▬▬ ▬▬ ▬▬▬ ▬▬▬▬ ▬▬ ▬▬▬ ▬▬▬▬▬ ▬ ▬▬▬▬ ▬▬ ▬▬▬ ▬▬▬▬ ▬▬▬ ▬▬ ▬▬▬▬▬ ▬ ▬▬▬ ▬▬▬▬ ▬▬ ▬▬▬ ▬▬▬▬▬ ▬▬ ▬▬▬▬ ▬▬▬ ▬ ▬▬▬▬ ▬▬ ▬▬▬▬▬ ▬▬▬ ▬▬ ▬▬▬▬ ▬▬▬ ▬ ▬▬▬▬▬ ▬▬ ▬▬▬ ▬▬▬▬ ▬▬ ▬▬▬ ▬▬▬▬▬ ▬ ▬▬▬▬ ▬▬ ▬▬▬ ▬▬▬▬ ▬▬▬ ▬▬ ▬▬▬▬▬ ▬ ▬▬▬ ▬▬▬▬ ▬▬ ▬▬▬ ▬▬▬▬▬ ▬▬ ▬▬▬▬ ▬▬▬ ▬ ▬▬▬▬ ▬▬ ▬▬▬▬▬ ▬▬▬ ▬▬ ▬▬▬▬ ▬▬▬ ▬ ▬▬▬▬▬ ▬▬ ▬▬▬ ▬▬▬▬ ▬▬ ▬▬▬ ▬▬▬▬▬ ▬ ▬▬▬▬ ▬▬ ▬▬▬ ▬▬▬▬ ▬▬▬ ▬▬ ▬▬▬▬▬ ▬ ▬▬▬ ▬▬▬▬ ▬▬ ▬▬▬ ▬▬▬▬▬ ▬▬ ▬▬▬▬ ▬▬▬ ▬ ▬▬▬▬ ▬▬ ▬▬▬▬▬ ▬▬▬ ▬▬ ▬▬▬▬ ▬▬▬ ▬ ▬▬▬▬▬ ▬▬ ▬▬▬ ▬▬▬▬ ▬▬ ▬▬▬ ▬▬▬▬▬ ▬ ▬▬▬▬ ▬▬ ▬▬▬ ▬▬▬▬ ▬▬▬ ▬▬ ▬▬▬▬▬ ▬ ▬▬▬ ▬▬▬▬ ▬▬ ▬▬▬ ▬▬▬▬▬ ▬▬ ▬▬▬▬ ▬▬▬ ▬ ▬▬▬▬ ▬▬ ▬▬▬▬▬ ▬▬▬ ▬▬ ▬▬▬▬ ▬▬▬ ▬ ▬▬▬▬▬ ▬▬ ▬▬▬ ▬▬▬▬ ▬▬ ▬▬▬ ▬▬▬▬▬ ▬ ▬▬▬▬ ▬▬ ▬▬▬ ▬▬▬▬ ▬▬▬ ▬▬ ▬▬▬▬▬ ▬ ▬▬▬ ▬▬▬▬ ▬▬ ▬▬▬ ▬▬▬▬▬ ▬▬ ▬▬▬▬ ▬▬▬ ▬ ▬▬▬▬ ▬▬ ▬▬▬▬▬ ▬▬▬ ▬▬ ▬▬▬▬ ▬▬▬ ▬ ▬▬▬▬▬ ▬▬ ▬▬▬ ▬▬▬▬ ▬▬ ▬▬▬ ▬▬▬▬▬ ▬ ▬▬▬▬ ▬▬ ▬▬▬ ▬▬▬▬ ▬▬▬ ▬▬ ▬▬▬▬▬ ▬ ▬▬▬ ▬▬▬▬ ▬▬ ▬▬▬ ▬▬▬▬▬ ▬▬ ▬▬▬▬ ▬▬▬ ▬ ▬▬▬▬ ▬▬ ▬▬▬▬▬ ▬▬▬ ▬▬ ▬▬▬▬ ▬▬▬ ▬ ▬▬▬▬▬ ▬▬ ▬▬▬ ▬▬▬▬ ▬▬ ▬▬▬ ▬▬▬▬▬ ▬ ▬▬▬▬ ▬▬ ▬▬▬ ▬▬▬▬ ▬▬▬ ▬▬ ▬▬▬▬▬
▬▬ ▬▬▬ ▬ ▬▬▬▬ ▬▬ ▬▬▬ ▬▬▬▬▬ ▬ ▬▬ ▬▬▬▬ ▬▬▬ ▬▬ ▬▬▬▬▬ ▬▬▬ ▬ ▬▬▬▬ ▬▬ ▬▬▬ ▬▬▬▬ ▬▬ ▬▬▬▬▬ ▬ ▬▬▬ ▬▬ ▬▬▬▬ ▬▬▬ ▬▬▬▬ ▬▬ ▬ ▬▬▬ ▬▬▬▬▬ ▬▬ ▬▬▬ ▬▬▬▬ ▬▬ ▬▬▬ ▬ ▬▬▬▬ ▬▬ ▬▬▬▬▬ ▬▬▬ ▬▬ ▬▬▬▬ ▬ ▬▬▬ ▬▬▬▬ ▬▬ ▬▬▬▬▬ ▬▬ ▬▬▬ ▬▬▬▬ ▬ ▬▬ ▬▬▬▬▬ ▬▬▬ ▬▬ ▬▬▬▬ ▬▬▬ ▬ ▬▬▬▬▬ ▬▬ ▬▬▬ ▬▬▬▬ ▬▬ ▬▬▬ ▬▬▬▬▬ ▬ ▬▬▬▬ ▬▬ ▬▬▬ ▬▬▬▬ ▬▬▬ ▬▬ ▬▬▬▬▬ ▬ ▬▬▬ ▬▬▬▬ ▬▬ ▬▬▬ ▬▬▬▬▬ ▬▬ ▬▬▬▬ ▬▬▬ ▬ ▬▬▬▬ ▬▬ ▬▬▬▬▬ ▬▬▬ ▬▬ ▬▬▬▬ ▬▬▬ ▬ ▬▬▬▬▬ ▬▬ ▬▬▬ ▬▬▬▬ ▬▬ ▬▬▬ ▬▬▬▬▬ ▬ ▬▬▬▬ ▬▬ ▬▬▬ ▬▬▬▬ ▬▬▬ ▬▬ ▬▬▬▬▬ ▬ ▬▬▬ ▬▬▬▬ ▬▬ ▬▬▬ ▬▬▬▬▬ ▬▬ ▬▬▬▬ ▬▬▬ ▬ ▬▬▬▬ ▬▬ ▬▬▬▬▬ ▬▬▬ ▬▬ ▬▬▬▬ ▬▬▬ ▬ ▬▬▬▬▬ ▬▬ ▬▬▬ ▬▬▬▬ ▬▬ ▬▬▬ ▬▬▬▬▬ ▬ ▬▬▬▬ ▬▬ ▬▬▬ ▬▬▬▬ ▬▬▬ ▬▬ ▬▬▬▬▬ ▬ ▬▬▬ ▬▬▬▬ ▬▬ ▬▬▬ ▬▬▬▬▬ ▬▬ ▬▬▬▬ ▬▬▬ ▬ ▬▬▬▬ ▬▬ ▬▬▬▬▬ ▬▬▬ ▬▬ ▬▬▬▬ ▬▬▬ ▬ ▬▬▬▬▬ ▬▬ ▬▬▬ ▬▬▬▬ ▬▬ ▬▬▬ ▬▬▬▬▬ ▬ ▬▬▬▬ ▬▬ ▬▬▬ ▬▬▬▬ ▬▬▬ ▬▬ ▬▬▬▬▬ ▬ ▬▬▬ ▬▬▬▬ ▬▬ ▬▬▬ ▬▬▬▬▬ ▬▬ ▬▬▬▬ ▬▬▬ ▬ ▬▬▬▬ ▬▬ ▬▬▬▬▬ ▬▬▬ ▬▬ ▬▬▬▬ ▬▬▬ ▬ ▬▬▬▬▬ ▬▬ ▬▬▬ ▬▬▬▬ ▬▬ ▬▬▬ ▬▬▬▬▬ ▬ ▬▬▬▬ ▬▬ ▬▬▬ ▬▬▬▬ ▬▬▬ ▬▬ ▬▬▬▬▬ ▬ ▬▬▬ ▬▬▬▬ ▬▬ ▬▬▬ ▬▬▬▬▬ ▬▬ ▬▬▬▬ ▬▬▬ ▬ ▬▬▬▬ ▬▬ ▬▬▬▬▬ ▬▬▬ ▬▬ ▬▬▬▬ ▬▬▬ ▬ ▬▬▬▬▬ ▬▬ ▬▬▬ ▬▬▬▬ ▬▬ ▬▬▬ ▬▬▬▬▬ ▬ ▬▬▬▬ ▬▬ ▬▬▬ ▬▬▬▬ ▬▬▬ ▬▬ ▬▬▬▬▬ ▬ ▬▬▬ ▬▬▬▬ ▬▬ ▬▬▬ ▬▬▬▬▬ ▬▬ ▬▬▬▬ ▬▬▬ ▬ ▬▬▬▬ ▬▬ ▬▬▬▬▬ ▬▬▬ ▬▬ ▬▬▬▬ ▬▬▬ ▬ ▬▬▬▬▬ ▬▬ ▬▬▬ ▬▬▬▬ ▬▬ ▬▬▬ ▬▬▬▬▬ ▬ ▬▬▬▬ ▬▬ ▬▬▬ ▬▬▬▬ ▬▬▬ ▬▬ ▬▬▬▬▬ ▬ ▬▬▬ ▬▬▬▬ ▬▬ ▬▬▬ ▬▬▬▬▬ ▬▬ ▬▬▬▬ ▬▬▬ ▬ ▬▬▬▬ ▬▬ ▬▬▬▬▬ ▬▬▬ ▬▬ ▬▬▬▬ ▬▬▬ ▬ ▬▬▬▬▬ ▬▬ ▬▬▬ ▬▬▬▬ ▬▬ ▬▬▬ ▬▬▬▬▬ ▬ ▬▬▬▬ ▬▬ ▬▬▬ ▬▬▬▬ ▬▬▬ ▬▬ ▬▬▬▬▬ ▬ ▬▬▬ ▬▬▬▬ ▬▬ ▬▬▬ ▬▬▬▬▬ ▬▬ ▬▬▬▬ ▬▬▬ ▬ ▬▬▬▬ ▬▬ ▬▬▬▬▬ ▬▬▬ ▬▬ ▬▬▬▬ ▬▬▬ ▬ ▬▬▬▬▬ ▬▬ ▬▬▬ ▬▬▬▬ ▬▬ ▬▬▬ ▬▬▬▬▬ ▬ ▬▬▬▬ ▬▬ ▬▬▬ ▬▬▬▬ ▬▬▬ ▬▬ ▬▬▬▬▬ ▬ ▬▬▬ ▬▬▬▬ ▬▬ ▬▬▬ ▬▬▬▬▬ ▬▬ ▬▬▬▬ ▬▬▬ ▬ ▬▬▬▬ ▬▬ ▬▬▬▬▬ ▬▬▬ ▬▬ ▬▬▬▬ ▬▬▬ ▬ ▬▬▬▬▬ ▬▬ ▬▬▬ ▬▬▬▬ ▬▬ ▬▬▬ ▬▬▬▬▬ ▬ ▬▬▬▬ ▬▬ ▬▬▬ ▬▬▬▬ ▬▬▬ ▬▬ ▬▬▬▬▬ ▬ ▬▬▬ ▬▬▬▬ ▬▬ ▬▬▬ ▬▬▬▬▬ ▬▬ ▬▬▬▬ ▬▬▬ ▬ ▬▬▬▬ ▬▬ ▬▬▬▬▬ ▬▬▬ ▬▬ ▬▬▬▬ ▬▬▬ ▬ ▬▬▬▬▬ ▬▬ ▬▬▬ ▬▬▬▬ ▬▬ ▬▬▬ ▬▬▬▬▬ ▬ ▬▬▬▬ ▬▬ ▬▬▬ ▬▬▬▬ ▬▬▬ ▬▬ ▬▬▬▬▬
राजस्थान सरकार
तेज गर्मी कर सकती बीमार
रखें सावधानी जब निकलें बाहर
तेज गर्मी से बचाव के लिए अपनाएं ये उपाय
घर से बाहर आते-जाते समय शरीर को ढककर रखें
हल्के रंग के आरामदायक कपड़े पहनें
धूप में बाहर जाते समय छाता, तौलिया, टोपी व आंखों पर धूप का चश्मा लगाएं
थोड़े-थोड़े समयान्तराल पर तरल पदार्थ पीते रहें
हल्का, सुपाच्य व ताज़ा भोजन करें	नंगे पैर/नंगे बदन धूप में न जाएं
अधिक गर्मी/धूप में श्रम कार्य करने से बचें
शराब, चाय, कॉफी, सॉफ्ट ड्रिंक आदि का सेवन न करें
गर्भवती महिला, बच्चे, बीमार व बुजुर्गों का विशेष ध्यान रखें
राजस्थान सरकार
गर्मी से होने वाली बीमारियों के लक्षण
● गर्म, लाल व सूखी त्वचा का होना
● शरीर का तापमान 40° सेल्सियस से अधिक होना
● जी मचलना या उल्टी होना
● सिरदर्द, मांसपेशियों में कमजोरी या ऐंठन आना
● सांस फूलना या दिल की धड़कन तेज होना
● घबराहट होना, चक्कर आना, बेहोशी और सिरदर्द
तापघात/लू से पीड़ित होने पर
● रोगी को छायादार एवं ठंडी जगह पर ले जाएं
● ओ.आर.एस. घोल, पानी व अन्य तरल पदार्थ पिलाएं
● पैरों को ऊपर कर लिटाएं
● शरीर को ठंडे पानी से पोंछें
● गीला कपड़ा लपेटकर हवादार स्थान पर विश्राम कराएं
● स्वास्थ्य संबंधी परामर्श हेतु टोल फ्री 104/108 पर सम्पर्क
गर्मी-लू के गंभीर लक्षण दिखें तो नजदीकी स्वास्थ्य केन्द्र जाएं और पूर्ण उपचार कराएं
NATIONAL HEALTH MISSION
राष्ट्रीय स्वास्थ्य मिशन
चिकित्सा, स्वास्थ्य एवं परिवार कल्याण सेवाएं, (आई.ई.सी.) राजस्थान, जयपुर	राजस्थान
राष्ट्रदूत (एन.जे.एफ.) के लिए मुद्रक एवं प्रकाशक सोमेश शर्मा द्वारा राष्ट्रदूत प्रेस, सुधर्मा, एम.आई.रोड, जयपुर से मुद्रित एवं प्रकाशित। सम्पादक : राजेश शर्मा। आर.एन.आई. नं. 3641/57, ई-मेल-rastrdut@gmail.com
'इण्डिया...
( प्रथम पृष्ठ का शेष )
▬▬ ▬▬▬ ▬ ▬▬▬▬ ▬▬ ▬▬▬ ▬▬▬▬▬ ▬ ▬▬ ▬▬▬▬ ▬▬▬ ▬▬ ▬▬▬▬▬ ▬▬▬ ▬ ▬▬▬▬ ▬▬ ▬▬▬ ▬▬▬▬ ▬▬ ▬▬▬▬▬ ▬ ▬▬▬ ▬▬ ▬▬▬▬ ▬▬▬ ▬▬▬▬ ▬▬ ▬ ▬▬▬ ▬▬▬▬▬ ▬▬ ▬▬▬ ▬▬▬▬ ▬▬ ▬▬▬ ▬ ▬▬▬▬ ▬▬ ▬▬▬▬▬ ▬▬▬ ▬▬ ▬▬▬▬ ▬ ▬▬▬ ▬▬▬▬ ▬▬ ▬▬▬▬▬ ▬▬ ▬▬▬ ▬▬▬▬ ▬ ▬▬ ▬▬▬▬▬ ▬▬▬ ▬▬ ▬▬▬▬ ▬▬▬ ▬ ▬▬▬▬▬ ▬▬ ▬▬▬ ▬▬▬▬ ▬▬ ▬▬▬ ▬▬▬▬▬ ▬ ▬▬▬▬ ▬▬ ▬▬▬ ▬▬▬▬ ▬▬▬ ▬▬ ▬▬▬▬▬ ▬ ▬▬▬ ▬▬▬▬ ▬▬ ▬▬▬ ▬▬▬▬▬ ▬▬ ▬▬▬▬ ▬▬▬ ▬ ▬▬▬▬ ▬▬ ▬▬▬▬▬ ▬▬▬ ▬▬ ▬▬▬▬ ▬▬▬ ▬ ▬▬▬▬▬ ▬▬ ▬▬▬ ▬▬▬▬ ▬▬ ▬▬▬ ▬▬▬▬▬ ▬ ▬▬▬▬ ▬▬ ▬▬▬ ▬▬▬▬ ▬▬▬ ▬▬ ▬▬▬▬▬ ▬ ▬▬▬ ▬▬▬▬ ▬▬ ▬▬▬ ▬▬▬▬▬ ▬▬ ▬▬▬▬ ▬▬▬ ▬ ▬▬▬▬ ▬▬ ▬▬▬▬▬ ▬▬▬ ▬▬ ▬▬▬▬ ▬▬▬ ▬ ▬▬▬▬▬ ▬▬ ▬▬▬ ▬▬▬▬ ▬▬ ▬▬▬ ▬▬▬▬▬ ▬ ▬▬▬▬ ▬▬ ▬▬▬ ▬▬▬▬ ▬▬▬ ▬▬ ▬▬▬▬▬ ▬ ▬▬▬ ▬▬▬▬ ▬▬ ▬▬▬ ▬▬▬▬▬ ▬▬ ▬▬▬▬ ▬▬▬ ▬ ▬▬▬▬ ▬▬ ▬▬▬▬▬ ▬▬▬ ▬▬ ▬▬▬▬ ▬▬▬ ▬ ▬▬▬▬▬ ▬▬ ▬▬▬ ▬▬▬▬ ▬▬ ▬▬▬ ▬▬▬▬▬ ▬ ▬▬▬▬ ▬▬ ▬▬▬ ▬▬▬▬ ▬▬▬ ▬▬ ▬▬▬▬▬ ▬ ▬▬▬ ▬▬▬▬ ▬▬ ▬▬▬ ▬▬▬▬▬ ▬▬ ▬▬▬▬ ▬▬▬ ▬ ▬▬▬▬ ▬▬ ▬▬▬▬▬ ▬▬▬ ▬▬ ▬▬▬▬ ▬▬▬ ▬ ▬▬▬▬▬ ▬▬ ▬▬▬ ▬▬▬▬ ▬▬ ▬▬▬ ▬▬▬▬▬ ▬ ▬▬▬▬ ▬▬ ▬▬▬ ▬▬▬▬ ▬▬▬ ▬▬ ▬▬▬▬▬ ▬ ▬▬▬ ▬▬▬▬ ▬▬ ▬▬▬ ▬▬▬▬▬ ▬▬ ▬▬▬▬ ▬▬▬ ▬ ▬▬▬▬ ▬▬ ▬▬▬▬▬ ▬▬▬ ▬▬ ▬▬▬▬ ▬▬▬ ▬ ▬▬▬▬▬ ▬▬ ▬▬▬ ▬▬▬▬ ▬▬ ▬▬▬ ▬▬▬▬▬ ▬ ▬▬▬▬ ▬▬ ▬▬▬ ▬▬▬▬ ▬▬▬ ▬▬ ▬▬▬▬▬ ▬ ▬▬▬ ▬▬▬▬ ▬▬ ▬▬▬ ▬▬▬▬▬ ▬▬ ▬▬▬▬ ▬▬▬ ▬ ▬▬▬▬ ▬▬ ▬▬▬▬▬ ▬▬▬ ▬▬ ▬▬▬▬ ▬▬▬ ▬ ▬▬▬▬▬ ▬▬ ▬▬▬ ▬▬▬▬ ▬▬ ▬▬▬ ▬▬▬▬▬ ▬ ▬▬▬▬ ▬▬ ▬▬▬ ▬▬▬▬ ▬▬▬ ▬▬ ▬▬▬▬▬ ▬ ▬▬▬ ▬▬▬▬ ▬▬ ▬▬▬ ▬▬▬▬▬ ▬▬ ▬▬▬▬ ▬▬▬ ▬ ▬▬▬▬ ▬▬ ▬▬▬▬▬ ▬▬▬ ▬▬ ▬▬▬▬ ▬▬▬ ▬ ▬▬▬▬▬ ▬▬ ▬▬▬ ▬▬▬▬ ▬▬ ▬▬▬ ▬▬▬▬▬ ▬ ▬▬▬▬ ▬▬ ▬▬▬ ▬▬▬▬ ▬▬▬ ▬▬ ▬▬▬▬▬ ▬ ▬▬▬ ▬▬▬▬ ▬▬ ▬▬▬ ▬▬▬▬▬ ▬▬ ▬▬▬▬ ▬▬▬ ▬ ▬▬▬▬ ▬▬ ▬▬▬▬▬ ▬▬▬ ▬▬ ▬▬▬▬ ▬▬▬ ▬ ▬▬▬▬▬ ▬▬ ▬▬▬ ▬▬▬▬ ▬▬ ▬▬▬ ▬▬▬▬▬ ▬ ▬▬▬▬ ▬▬ ▬▬▬ ▬▬▬▬ ▬▬▬ ▬▬ ▬▬▬▬▬ ▬ ▬▬▬ ▬▬▬▬ ▬▬ ▬▬▬ ▬▬▬▬▬ ▬▬ ▬▬▬▬ ▬▬▬ ▬ ▬▬▬▬ ▬▬ ▬▬▬▬▬ ▬▬▬ ▬▬ ▬▬▬▬ ▬▬▬ ▬ ▬▬▬▬▬ ▬▬ ▬▬▬ ▬▬▬▬ ▬▬ ▬▬▬ ▬▬▬▬▬ ▬ ▬▬▬▬ ▬▬ ▬▬▬ ▬▬▬▬ ▬▬▬ ▬▬ ▬▬▬▬▬ ▬ ▬▬▬ ▬▬▬▬ ▬▬ ▬▬▬ ▬▬▬▬▬ ▬▬ ▬▬▬▬ ▬▬▬ ▬ ▬▬▬▬ ▬▬ ▬▬▬▬▬ ▬▬▬ ▬▬ ▬▬▬▬ ▬▬▬ ▬ ▬▬▬▬▬ ▬▬ ▬▬▬ ▬▬▬▬ ▬▬ ▬▬▬ ▬▬▬▬▬ ▬ ▬▬▬▬ ▬▬ ▬▬▬ ▬▬▬▬ ▬▬▬ ▬▬ ▬▬▬▬▬
